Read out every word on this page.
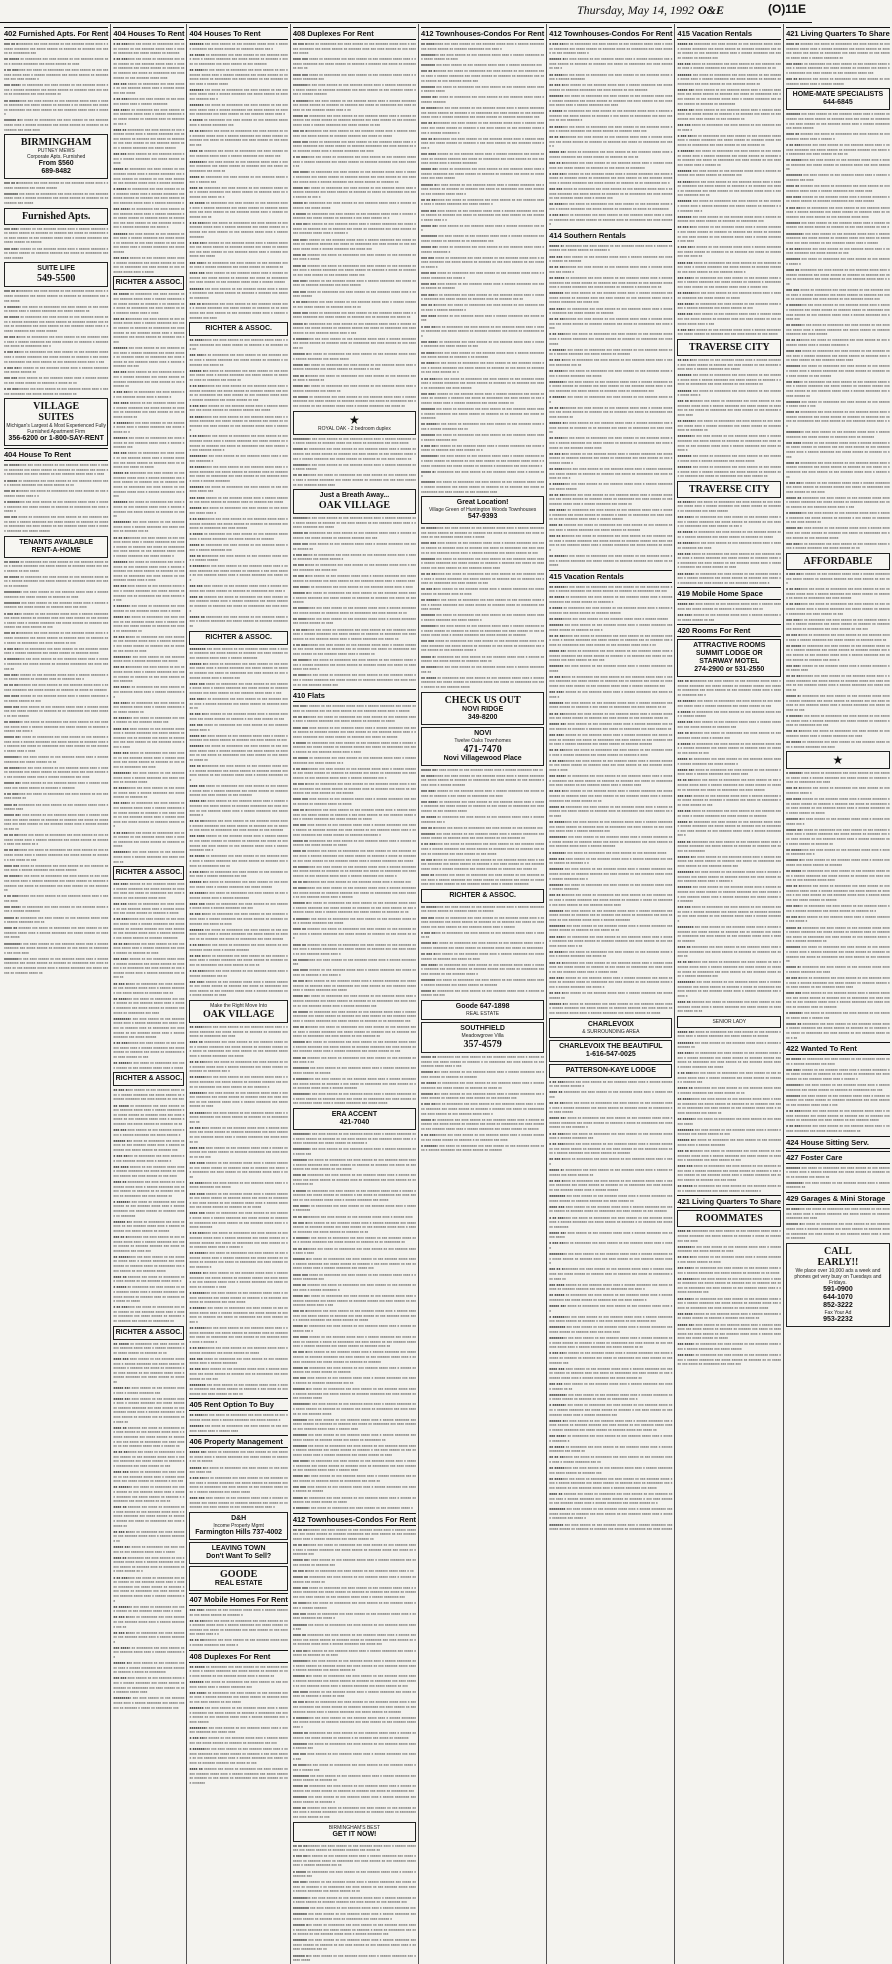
Thursday, May 14, 1992 O&E	(O)11E
402 Furnished Apts. For Rent
xxx xx xxxxxxxxx xxx xxxx xxxxxx xx xxx xxxxxxx xxxxx xxxx x xxxxxx xxxxxxxx xxx xxxxx xxxxxx xx xxxxxxx xx xxxxxxx xxx xxxxx xx xxxxxxxxx xxx
xx xxxxx xx xxxxxxxxx xxx xxxx xxxxxx xx xxx xxxxxxx xxxxx xxxx x xxxxxx xxxxxxxx xxx xxxxx xxxxxx xx xxxx
x xx xxxxxxx xxx xxxxx xx xxxxxxxxx xxx xxxx xxxxxx xx xxx xxxxxxx xxxxx xxxx x xxxxxx xxxxxxxx xxx xxxxx xxxxxx xx xxxxxxx xxx xxx xxxx xxxxxx x
xxx xxxxx xx xxxxxxxxx xxx xxxx xxxxxx xx xxx xxxxxxx xxxxx xxxx x xxxxxx xxxxxxxx xxx xxxxx xxxxxx xx xxxxxxx xxxx xxx xxxxx xx xxxxxxxxx xxx xxxx xxxxxx xx
xx xxxxxxxxx xxx xxxx xxxxxx xx xxx xxxxxxx xxxxx xxxx x xxxxxx xxxxxxxx xxx xxxxx xxxxxx xx xxxxxxx x xx xxxxxxx xxx xxxxx xx xxxxxxxxx xxx xxxx xxxxxx xx xxx xxxxxxx xxxxx xxxx x xxxxxx
xxxxxx xxx xxxxx xx xxxxxxxxx xxx xxxx xxxxxx xx xxx xxxxxxx xxxxx xxxx x xxxxxx xxxxxxxx xxx xxxxx xxxxxx xx xxxxxxx xx xxxxxxxxx xxx xxxx xxxx
BIRMINGHAM
PUTNEY MEWS
Corporate Apts. Furnished
From $560
689-8482
xxx xx xxxxxxxxx xxx xxxx xxxxxx xx xxx xxxxxxx xxxxx xxxx x xxxxxx xxxxxxxx xxx xxxxx xxxxxx
xxxxxxx xxx xxxxx xx xxxxxxxxx xxx xxxx xxxxxx xx xxx xxxxxxx xxxxx xxxx x xxxxxx xxxxxxxx xxx xxxxx xxxxxx xx xxxxxxx xx xx xxxxxxx xxx xxxxx
Furnished Apts.
xxx xxxx xxxxxx xx xxx xxxxxxx xxxxx xxxx x xxxxxx xxxxxxxx xxx xxxxx xxxxxx xx xxxxxxx xx xxxxxxx xxx xxxxx xx xxxxxxxxx xxx xxxx xxxxxx xx xxx xxxxxxx xxxxx xxxx x xxxxxx xxxxxxxx xxx xxxxx xxxxxx xx xxxxxx
xxx xxxx xxxxxx xx xxx xxxxxxx xxxxx xxxx x xxxxxx xxxxxxxx xxx xxxxx xxxxxx xx xxxxxxx xxxxxxx xxx xxxxx xx xxxxxxxxx xxx xxxx xxxxxx
SUITE LIFE
549-5500
xxx xx xxxxxxxxx xxx xxxx xxxxxx xx xxx xxxxxxx xxxxx xxxx x xxxxxx xxxxxxxx xxx xxxxx xxxxxx xx xxxxxxx xx xxxxxxxxx xxx xxxx xxxxx
x xxxxxxx xxx xxxxx xx xxxxxxxxx xxx xxxx xxxxxx xx xxx xxxxxxx xxxxx xxxx x xxxxxx xxxxxxxx xxx xxxxx xxxxxx xx
xx xxxxx xx xxxxxxxxx xxx xxxx xxxxxx xx xxx xxxxxxx xxxxx xxxx x xxxxxx xxxxxxxx xxx xxxxx xxxxxx xx xxxxxxx xxxxxx xxx xxxxx xx xxxxxxxxx xxx xxxx xxxxxx xx xxx xxxxxxx xxxxx xxxx x xxxxxx xxxxxxxx xxx xxxxx xxxxxx
xx xxx xxxxx xx xxxxxxxxx xxx xxxx xxxxxx xx xxx xxxxxxx xxxxx xxxx x xxxxxx xxxxxxxx xxx xxxxx xxxxxx xx xxxxxxx x xxxxxxx xxx xxxxx xx xxxxxxxxx xxx x
x xxx xxxxx xx xxxxxxxxx xxx xxxx xxxxxx xx xxx xxxxxxx xxxxx xxxx x xxxxxx xxxxxxxx xxx xxxxx xxxxxx xx xxxxxxx x xxx xxxxx xx xxxxxxxxx xxx xxxx xxxxxx xx xxx xxxxxxx xxxxx xxxx x xxx
x xxx xxxx xxxxxx xx xxx xxxxxxx xxxxx xxxx x xxxxxx xxxxxxxx xxx xxxxx xxxxxx xx
xxx xxx xxxx xxxxxx xx xxx xxxxxxx xxxxx xxxx x xxxxxx xxxxxxxx xxx xxxxx xxxxxx xx xxxxxxx x xxxxx xx xx
x xx xxxxxxxxx xxx xxxx xxxxxx xx xxx xxxxxxx xxxxx xxxx x xxxxxx xxxxxxxx xxx xxxxx xxxxxx xx xxxxxxx xx
VILLAGE
SUITES
Michigan's Largest & Most Experienced Fully Furnished Apartment Firm
356-6200 or 1-800-SAY-RENT
404 House To Rent
xx xxxxxxxxx xxx xxxx xxxxxx xx xxx xxxxxxx xxxxx xxxx x xxxxxx xxxxxxxx xxx xxxxx xxxxxx xx xxxxxxx xx xxxxxxx xxx xxxxx xx xxxxxxxxx xxx xxxx xxxxxx xx xxx xxxxxxx xxxxx xxxx x xxxx
x xxxxx xx xxxxxxxxx xxx xxxx xxxxxx xx xxx xxxxxxx xxxxx xxxx x xxxxxx xxxxxxxx xxx xxxxx xxxxxx xx xx
xxx xx xxxxxxx xxx xxxxx xx xxxxxxxxx xxx xxxx xxxxxx xx xxx xxxxxxx xxxxx xxxx x x
x xxxxxxxxx xxx xxxx xxxxxx xx xxx xxxxxxx xxxxx xxxx x xxxxxx xxxxxxxx xxx xxxxx xxxxxx xx xxxxxxx xx xxxxxxxxx xxx xxxx xxxxxx x
xxx xxx xxxxx xx xxxxxxxxx xxx xxxx xxxxxx xx xxx xxxxxxx xxxxx xxxx x xxxxxx xxxxxxxx xxx xxxxx xxxxxx xx xxxxxxx xx xxxxx xx xxxxxxxxx xxx xxxx xxxxxx xx xxx xxxxxxx xxxxx xxxx x xxxxxx xxxxxxxx xxx xxxxx xxxxxx
TENANTS AVAILABLE
RENT-A-HOME
xx xxxxx xx xxxxxxxxx xxx xxxx xxxxxx xx xxx xxxxxxx xxxxx xxxx x xxxxxx xxxxxxxx xxx xxxxx xxxxxx xx xxxxxxx xxxxx xxx xxxx xxxxxx xx xxx xxxxx
xx xxxxx xx xxxxxxxxx xxx xxxx xxxxxx xx xxx xxxxxxx xxxxx xxxx x xxxxxx xxxxxxxx xxx xxxxx xxxxxx xx xxxxxxx xxxxx xxx xxxxx xx xxxxxxxx
xxxxxxxxx xxx xxxx xxxxxx xx xxx xxxxxxx xxxxx xxxx x xxxxxx xxxxxxxx xxx xxxxx xxxxxx xx xxxxxxx xx xxxx
xxxxxxxx xxx xxxx xxxxxx xx xxx xxxxxxx xxxxx xxxx x xxxxxx xxxxxxxx xxx xxxxx xxxxxx xx xxxxxxx xxxx xxx xxxx
x xxx xxxx xxxxxx xx xxx xxxxxxx xxxxx xxxx x xxxxxx xxxxxxxx xxx xxxxx xxxxxx xx xxxxxxx xxxx xxx xxxx xxxxxx xx xxx xxxxxxx xxxxx xxxx x xxxxxx xxxxxxxx xxx xxxxx xxxxxx xx xxxxxxx xxxxxxxxx xxx xxxx xxxxxx xx xxx
xxx xx xxxxxxxxx xxx xxxx xxxxxx xx xxx xxxxxxx xxxxx xxxx x xxxxxx xxxxxxxx xxx xxxxx xxxxxx xx xxxxxxx xxxx xx xxxxxxx xxx xxxxx xx xxxxxxxxx xxx xxxx xxxxxx xx xxx
x xxx xxxxx xx xxxxxxxxx xxx xxxx xxxxxx xx xxx xxxxxxx xxxxx xxxx x xxxxxx xxxxxxxx xxx xxxxx xxxxxx xx xxxxxxx xxxxx
x xxxxxxxxx xxx xxxx xxxxxx xx xxx xxxxxxx xxxxx xxxx x xxxxxx xxxxxxxx xxx xxxxx xxxxxx xx xxxxxxx xxxxxxxxx xxx xxxx xxxxxx xx
xxx xxxx xxxxxx xx xxx xxxxxxx xxxxx xxxx x xxxxxx xxxxxxxx xxx xxxxx xxxxxx xx xxxxxxx xxxx xx xxxxxxx xxx x
xx xx xxxxxxxxx xxx xxxx xxxxxx xx xxx xxxxxxx xxxxx xxxx x xxxxxx xxxxxxxx xxx xxxxx xxxxxx xx xxxxxxx xx xxxxx xx xxxxxxx
xxx xxxx xxxxxx xx xxx xxxxxxx xxxxx xxxx x xxxxxx xxxxxxxx xxx xxxxx xxxxxx xx xxx
xxxx xxx xxxx xxxxxx xx xxx xxxxxxx xxxxx xxxx x xxxxxx xxxxxxxx xxx xxxxx xxxxxx xx xxxxxxx xx xx xxxxxxxxx xxx xxxx xxxxxx xx xxx xxxxxx
xx xxxxxxx xxx xxxxx xx xxxxxxxxx xxx xxxx xxxxxx xx xxx xxxxxxx xxxxx xxxx x xxxxxx xxxxxxxx xxx xxxxx xxxxxx xx xxxxxxx xxxxxxx xxx xxxx x
xxxxx xxx xxxxx xx xxxxxxxxx xxx xxxx xxxxxx xx xxx xxxxxxx xxxxx xxxx x xxxxxx xxxxxxxx xxx xxxxx xxxxxx xx xxxxxxx xxxx xx xxxxxxx xxx xxxxx xx xxxxxxxxx xxx xxxx xxxxxx xx xxx xxxxxxx xxxxx xxxx x xxxx
xxxxxxxxx xxx xxxx xxxxxx xx xxx xxxxxxx xxxxx xxxx x xxxxxx xxxxxxxx xxx xxxxx xxxxxx xx xx
xx xxxxxxxxx xxx xxxx xxxxxx xx xxx xxxxxxx xxxxx xxxx x xxxxxx xxxxxxxx xxx xxxxx xxxxxx xx xxxxxxx xxxx xxx xxxx xxxxxx xx xxx xxxxxxx xxxxx xxxx x xxxxxx xxxxxxxx xxx xxxx
xxxxx xxx xxxx xxxxxx xx xxx xxxxxxx xxxxx xxxx x xxxxxx xxxxxxxx xxx xxxxx xxxxxx xx xxxxxxx x xxxxxxx
x xx xxxxxxx xxx xxxxx xx xxxxxxxxx xxx xxxx xxxxxx xx xxx xxxxxxx xxxxx xx
xxxx xx xxxxxxxxx xxx xxxx xxxxxx xx xxx xxxxxxx xxxxx xxxx x xxxxxx xxxx
xxxxx xxx xxxx xxxxxx xx xxx xxxxxxx xxxxx xxxx x xxxxxx xxxxxxxx xxx xxxxx xxxxxx xx xxxxxxx xx xxxxxxx xxx xxxxx xx xxxxxxxxx xxx xxxx xxxxxx xx xxx xxxxxxx xxxxx xxxx x xxxxxx xxxxxxxx xxx xx
xx xx xxxxxxx xxx xxxxx xx xxxxxxxxx xxx xxxx xxxxxx xx xxx xxxxxxx xxxxx xxxx x xxxxxx xxxxxxxx xxx xxxxx xxxxxx xx xxxxxxx xxxx xxx xxxxx xx x
xx xx xxxxxxx xxx xxxxx xx xxxxxxxxx xxx xxxx xxxxxx xx xxx xxxxxxx xxxxx xxxx x xxxxxx xxxxxxxx xxx xxxxx xxxxxx xx xxxxxxx x xxx xxxxx xx xxx
xxxx xxx xxxxx xx xxxxxxxxx xxx xxxx xxxxxx xx xxx xxxxxxx xxxxx xxxx x xxxxxx xxxxxxxx xxx xxxxx xxxxxx
xx xxxxxxx xxx xxxxx xx xxxxxxxxx xxx xxxx xxxxxx xx xxx xxxxxxx xxxxx xxxx x xxxxxx xxxxxxxx xxx xxxxx xxxxxx xx xxxxxxx x xxxxxxx xxx xxxxx xx xxxxxxxxx xxx xxxx xxxxxx xx xxx xxxxxxx xx
x xx xxxxxxxxx xxx xxxx xxxxxx xx xxx xxxxxxx xxxxx xxxx x xxxxxx xxxx
xxx xxxxx xx xxxxxxxxx xxx xxxx xxxxxx xx xxx xxxxxxx xxxxx xxxx x xxxxxx xxxxxxxx
xxxxx xx xxxxxxxxx xxx xxxx xxxxxx xx xxx xxxxxxx xxxxx xxxx x xxxxxx xxxxxxxx xxx xx
xxxx xx xxxxxxx xxx xxxxx xx xxxxxxxxx xxx xxxx xxxxxx xx xxx xxxxxxx xxxxx xxxx x xxxxxx xxxxxxxx xxx xxxxx xxxxxx xx xxxxxxx xxxxx
xxxxxxxxx xxx xxxx xxxxxx xx xxx xxxxxxx xxxxx xxxx x xxxxxx xxxxxxxx xxx xxxxx xxxxxx xx xxxxxxx xx xxx xxxxx xx xxxxxxxxx xxx xxxx xxxx
xxxxxxxxx xxx xxxx xxxxxx xx xxx xxxxxxx xxxxx xxxx x xxxxxx xxxxxxxx xxx xxxxx xxxxxx xx xxxxxxx xx xxxxxxxxx xxx xxxx xxxxxx xx xxx xxxxxxx xxxxx xxxx x xxxxxx xxxxxxxx xxx xxxxx xxxxxx xx xxxxxxx xxxxx xx
404 Houses To Rent
x xx xxxxxxx xxx xxxxx xx xxxxxxxxx xxx xxxx xxxxxx xx xxx xxxxxxx xxxxx xxxx x xxxxxx xxxxxxxx xxx xxxxx xxxxxx xx xxxxxxx
x xx xxxxxxx xxx xxxxx xx xxxxxxxxx xxx xxxx xxxxxx xx xxx xxxxxxx xxxxx xxxx x xxxxxx xxxxxxxx xxx xxxxx xxxxxx xx xxxxxxx xx xx xxxxxxx xxx xxxxx xx xxxxxxxxx xxx xxxx xxxxxx xx xxx xxxxxxx xxxxx xxxx
xxx xxx xxxxx xx xxxxxxxxx xxx xxxx xxxxxx xx xxx xxxxxxx xxxxx xxxx x xxxxxx xxxxxxxx xxx xxxxx
x xx xxxxxxxxx xxx xxxx xxxxxx xx xxx xxxxxxx xxxxx xxxx x xxxxxx xxxxxxxx
xxx xxxxx xx xxxxxxxxx xxx xxxx xxxxxx xx xxx xxxxxxx xxxxx xxxx x xxxxxx xxxxxxxx xxx xxxxx xxxxxx xx xxxxxxx xxxx xx xxxxxxxxx xxx x
xxxx xx xxxxxxxxx xxx xxxx xxxxxx xx xxx xxxxxxx xxxxx xxxx x xxxxxx xxxxxxxx xxx xxxxx xxxxxx xx xxxxxxx xxx xxxxx xx xxxxxxxxx xxx xxxx xxxxxx xx xxx xxxxxxx xxxxx xxxx x xxxxxx xxxxxxxx xxx xxxxx xxxxxx
xxx xxx xxxx xxxxxx xx xxx xxxxxxx xxxxx xxxx x xxxxxx xxxxxxxx xxx xxxxx xxxxxx xx xxxx
xxxxx xx xxxxxxxxx xxx xxxx xxxxxx xx xxx xxxxxxx xxxxx xxxx x xxxxxx xxxxxxxx xxx xxxxx xxxxxx xx xxxxxxx xx xxx xxxx xxxxxx xx xxx xxxxxxx xxxxx xxxx x xxxxxx xxxxxxx
x xxxxx xx xxxxxxxxx xxx xxxx xxxxxx xx xxx xxxxxxx xxxxx xxxx x xxxxxx xxxxxxxx xxx xxxxx xxxxxx xx xxxxxxx xxx xxxx xxxxxx xx xxx xxxxxxx xxxxx xxxx x xxxxxx xxxxxxxx x
xxx xxxxx xx xxxxxxxxx xxx xxxx xxxxxx xx xxx xxxxxxx xxxxx xxxx x xxxxxx xxxxxxxx xxx xxxxx xxxxxx xx xxxxxxx xxxxx xx xxxxxxxxx xxx xxxx xxxxxx xx xxx xxxxxxx xxxxx xxxx x xxxxxx xxxxxxxx xxx xxxxx x
xxxxxxx xxx xxxx xxxxxx xx xxx xxxxxxx xxxxx xxxx x xxxxxx xxxxxxxx xxx xxxxx xxxxxx xx xxxxxxx xx xxx xxxx xxxxxx xx xxx xxxxxxx xxxxx xxxx x xxxxxx xxxxxxxx xxx xxxxx xxxxxx
xxx xxxx xxxxxx xx xxx xxxxxxx xxxxx xxxx x xxxxxx xxxxxxxx xxx xxxxx xxxxxx xx xxxxxxx xx xxxxxxxxx xxx xxxx xxxxxx xx xxx xxxxxxx xxxxx xxxx x xxxxx
RICHTER & ASSOC.
xx xxxxx xx xxxxxxxxx xxx xxxx xxxxxx xx xxx xxxxxxx xxxxx xxxx x xxxxxx xxxxxxxx xxx xxxxx xxxxxx xx xxxxxxx x xx xxxxxxx xxx xxxxx xx xxxxxxxxx xxx xxxx xxxxxx xx xxx xxxxxxx xxxxx xxxx x xxxx
xxx xx xxxxxxxxx xxx xxxx xxxxxx xx xxx xxxxxxx xxxxx xxxx x xxxxxx xxxxxxxx xxx xxxxx xxxxxx xx xxxxxxx xx xxxxxxxxx xxx xxxx xxxxxx xx xxx xxxxxxx xxxxx xxxx x xxxxxx xxxxxxxx xxx xxxxx xxxxxx xx xxxxxxx xxx xxxx
xxxxxxx xxx xxxx xxxxxx xx xxx xxxxxxx xxxxx xxxx x xxxxxx xxxxxxxx xxx xxxxx xxxxxx xx xxxxxxx xxxxx xx xxxxxxxxx xxx xxxx xxxxxx xx xxx xxxxxxx xxxxx xxxx x xxxxxx xxxxxxxx xxx xxx
xxx xxx xxxx xxxxxx xx xxx xxxxxxx xxxxx xxxx x xxxxxx xxxxxxxx xxx xxxxx xxxxxx xx xxxxxxx xxxxxxxxx xxx xxxx xxxxxx xx xxx xxxxxxx xx
x xxx xxxxx xx xxxxxxxxx xxx xxxx xxxxxx xx xxx xxxxxxx xxxxx xxxx x xxxxxx x
xxx xxxx xxxxxx xx xxx xxxxxxx xxxxx xxxx x xxxxxx xxxxxxxx xxx xxxxx xxxxxx xx xxxxxxx xx xxxxxxxxx xxx xxxx xxxxxx xx xxx xxxxxxx xxxxx xx
x xxxxxxxxx xxx xxxx xxxxxx xx xxx xxxxxxx xxxxx xxxx x xxxxxx xxxxxxxx xxx xxxxx xxxxxx xx x
xxxxxxx xxx xxxxx xx xxxxxxxxx xxx xxxx xxxxxx xx xxx xxxxxxx xxxxx xxxx x xxxxxx xxxxxxxx xxx
xxx xxx xxxxx xx xxxxxxxxx xxx xxxx xxxxxx xx xxx xxxxxxx xxxxx xxxx x xxxxxx xxxxxxxx xxx xxxxx xxxxxx xx xxxxxxx xxxx xx xxxxxxx xxx xxxxx xx xxxxx
xxxxx xx xxxxxxxxx xxx xxxx xxxxxx xx xxx xxxxxxx xxxxx xxxx x xxxxxx xxxxxxxx xxx xxxxx xxxxxx xx xxxxxxx xxx xx xxxxxxx xxx xxxxx xx xxxxxxxxx xxx xxxx xxxxxx xx xxx xxxxxxx xxxxx xxxx x xxxxxx xxxxxxxx xxx xxxx
xxxxxxx xxx xxxxx xx xxxxxxxxx xxx xxxx xxxxxx xx xxx xxxxxxx xxxxx xxxx x xxxxxx xxxxxxxx xxx xxxxx xxxxxx xx xxxxxxx xx xxxxx
xxxxxxxxx xxx xxxx xxxxxx xx xxx xxxxxxx xxxxx xxxx x xxxxxx xxxxxxxx xxx xxxxx xxxxxx xx xxxxxxx xxx xx
xx xx xxxxxxxxx xxx xxxx xxxxxx xx xxx xxxxxxx xxxxx xxxx x xxxxxx xxxxxxxx xxx xxxxx xxxxxx xx xxxxxxx xxx xxxxx xx xxxxxxxxx xxx xxxx xxxxxx xx xxx xxxxxxx xxxxx xxxx x xxxxxx xxxxxxxx xxx xxxxx xxxxxx x
xxxxxxx xxx xxxxx xx xxxxxxxxx xxx xxxx xxxxxx xx xxx xxxxxxx xxxxx xxxx x xxxxxx xxxxxxxx xxx xxxxx xxxxxx xx xxxxxxx xx xxx xxxxx xx xxxxxxxxx xxx xxxx xxxxxx xx xxx xxxxxxx xxxxx xxxx x xxxx
xxx xxx xxxx xxxxxx xx xxx xxxxxxx xxxxx xxxx x xxxxxx xxxxxxxx xxx xxxxx xxxxxx xx xxxxxxx xxx xx xxxxxxxxx xxx xxxx xxxxxx xx xxx
x xxxxxxx xxx xxxxx xx xxxxxxxxx xxx xxxx xxxxxx xx xxx xxxxxxx xxxxx xxxx x xxxxx
xxxxx xxx xxxxx xx xxxxxxxxx xxx xxxx xxxxxx xx xxx xxxxxxx xxxxx xxxx x xxxxxx xxxxxxxx xxx xxxxx xxxxxx xx xxxxxxx xxx xxxxx xx xxxxxxxxx xx
xx xxx xxxxx xx xxxxxxxxx xxx xxxx xxxxxx xx xxx xxxxxxx xxxxx xxxx x xxxxxx xxxxxxxx xxx xxxxx xxxxxx xx xxxxxxx xxx xx xxxxxxx xxx xxxxx xx xxxx
xxxxxxxxx xxx xxxx xxxxxx xx xxx xxxxxxx xxxxx xxxx x xxxxxx xxxxxxxx xxx xxxxx
xxx xx xxxxxxxxx xxx xxxx xxxxxx xx xxx xxxxxxx xxxxx xxxx x xxxxxx xxxxxxxx xxx xxxxx xxxxxx xx xxxxxxx xx xxx xxxx xxxxxx xx xxx xxxxxxx
xxx xxxxx xx xxxxxxxxx xxx xxxx xxxxxx xx xxx xxxxxxx xxxxx xxxx x xxxxxx xxxxxxxx xx
xxx xxxxx xx xxxxxxxxx xxx xxxx xxxxxx xx xxx xxxxxxx xxxxx xxxx x xxxxxx xxxxxxxx xxx xxxxx xxxxxx xx
xx xxxxxxx xxx xxxxx xx xxxxxxxxx xxx xxxx xxxxxx xx xxx xxxxxxx xxxxx xxx
xxxx xxx xxxx xxxxxx xx xxx xxxxxxx xxxxx xxxx x xxxxxx xxxxxxxx xxx xxxxx xxxxxx xx xxxxxxx xxx xx xxxxxxx xxx xxxxx xx xxxxxxxxx xxx xxxx xxxxxx xx xxx xxxxxxx xxxxx xxxx x xxxx
xxxx xxx xxxxx xx xxxxxxxxx xxx xxxx xxxxxx xx xxx xxxxxxx xxxxx xxxx x xxxxxx xxxxxxxx xxx xxxxx xxxxxx xx xxxxxxx xx xxx xxxxx xx xxxxxxxxx xxx xxxx
xxxxxxxxx xxx xxxx xxxxxx xx xxx xxxxxxx xxxxx xxxx x xxxxxx xxxxxxxx xxx xxxxx xxxxxx xx xxxxxxx xxxxx
xx xxxxxxxxx xxx xxxx xxxxxx xx xxx xxxxxxx xxxxx xxxx x xxxxxx xxxxxxxx xxx xxxxx xxxxxx xx xxxxxxx xx
xxx xxxxx xx xxxxxxxxx xxx xxxx xxxxxx xx xxx xxxxxxx xxxxx xxxx x xxxxxx xxxxxxxx xxx xxxxx xxxxxx xx xxxxxxx x xxx xxxx xxxxxx xx xxx xxxxxxx xxxxx xxxx x xxxxxx xxxxxxxx xxx xxxxx xxxxxx xx xxxxxxx xxxxxx xxx
x xx xxxxxxx xxx xxxxx xx xxxxxxxxx xxx xxxx xxxxxx xx xxx xxxxxxx xxxxx xxxx x xxxxxx xxxxxxxx xxx xxxxx xxxxxx xx xxxxxxx xxxxxxx
xxxxxxxxx xxx xxxx xxxxxx xx xxx xxxxxxx xxxxx xxxx x xxxxxx xxxxxxxx xxx xxxxx xxxxxx xx
RICHTER & ASSOC.
xxx xxxx xxxxxx xx xxx xxxxxxx xxxxx xxxx x xxxxxx xxxxxxxx xxx xxxxx xxxxxx xx xxxxxxx xxxx xxx xxxxx xx xxxxxxxxx xxx xxxx xxxxxx xx xxx xxxxxxx xxxxx xxxx
xxx xxx xxxxx xx xxxxxxxxx xxx xxxx xxxxxx xx xxx xxxxxxx xxxxx xxxx x xxxxxx xxxxxxxx xxx xxxxx xxxxxx xx xxxxxxx x xxxxx
x xx xxxxxxxxx xxx xxxx xxxxxx xx xxx xxxxxxx xxxxx xxxx x xxxxxx xxxxxxxx xxx xxxxx xxxxxx xx xxxxxxx xxxxxxx xxx xxxx xxxxxx xx xxx xxxxxxx xxxxx xxxx x xxxxxx xxxxxxxx xxx xxxxx xxxxxx xx xxxxxxx xxxxxxxx
xx xx xxxxxxxxx xxx xxxx xxxxxx xx xxx xxxxxxx xxxxx xxxx x xxxxxx xxxxxxxx xxx xxxxx xxxxxx xx xxxxxxx xx xxxx
xxx xxxx xxxxxx xx xxx xxxxxxx xxxxx xxxx x xxxxxx xxxxxxxx xxx xxxxx xxxxxx xx xxxxxxx x xx xxxxxxxxx xxx xxxx xxxxxx xx xxx xxxxxxx xxxxx xxxx x xxxxxx xxxxxxxx xxx xxxxx xx
xx xxx xxxxx xx xxxxxxxxx xxx xxxx xxxxxx xx xxx xxxxxxx xxxxx xxxx x xxxxxx xxxxxxxx xxx xxxxx xxxxxx xx xxxxxxx xxx xx
xx xxxxxxx xxx xxxxx xx xxxxxxxxx xxx xxxx xxxxxx xx xxx xxxxxxx xxxxx xxxx x xxxxxx xxxxxxxx xxx xxxxx xxxxxx xx xxxxxxx xxx xxxxx xx xxxxxxxxx xxx xxxx
xxxxxxxxx xxx xxxx xxxxxx xx xxx xxxxxxx xxxxx xxxx x xxxxxx xxxxxxxx xxx xxxxx xxxxxx xx xxxxxxx xxxx xx xxxxxxxxx xxx xxxx xxxxxx xx xxx xxxxxxx xxxxx xxxx x xxxxxx xxxxxxxx xxx xxxxx xxxxxx
x xx xxxxxxxxx xxx xxxx xxxxxx xx xxx xxxxxxx xxxxx xxxx x xxxxxx xxxxxxxx xxx xxxxx xxxxxx xx xxxxxxx xxx xxxxx xx xxxxxxxxx xxx xxxx xxxxxx xx xxx
xx xxxxxxx xxx xxxxx xx xxxxxxxxx xxx xxxx xxxxxx xx xxx xxxxxxx xxxxx xxxx x xxxxx
RICHTER & ASSOC.
xx xxx xxxx xxxxxx xx xxx xxxxxxx xxxxx xxxx x xxxxxx xxxxxxxx xxx xxxxx xxxxxx xx xxxxxxx xxxxxxxx xxx xxxx xxxxxx xx xxx xxx
xx xxxxx xx xxxxxxxxx xxx xxxx xxxxxx xx xxx xxxxxxx xxxxx xxxx x xxxxxx xxxxxxxx xxx xxxxx xxxxxx xx xxxxxxx xxxx xxx xxxx xxxxxx xx xxx xxxxxxx xxxxx xxxx x xxxxxx xxxxxxxx xxx xxxxx xxxxxx xx xxxxxxx xx xx
xxx xxx xxxx xxxxxx xx xxx xxxxxxx xxxxx xxxx x xxxxxx xxxxxxxx xxx xxxxx xxxxxx x
xxxxxx xxx xxxxx xx xxxxxxxxx xxx xxxx xxxxxx xx xxx xxxxxxx xxxxx xxxx x xxxxxx xxxxxxxx xxx xxxxx xxxxxx xx xxxxxxx xxx
x xxx xxxxx xx xxxxxxxxx xxx xxxx xxxxxx xx xxx xxxxxxx xxxxx xxxx x xxxxxx x
xxx xxxx xxxxxx xx xxx xxxxxxx xxxxx xxxx x xxxxxx xxxxxxxx xxx xxxxx xxxxxx xx xxxxxxx xxxxxx xxx xxxx xxxxxx xx xxx xxxx
xxxx xx xxxxxxxxx xxx xxxx xxxxxx xx xxx xxxxxxx xxxxx xxxx x xxxxxx xxxxxxxx xxx xxxxx xxxxxx xx xxxxxxx xx xx xxxxxxx xxx xxxxx xx xxxxxxxxx xxx xxxx xxxxxx xx
x xxxxxxx xxx xxxxx xx xxxxxxxxx xxx xxxx xxxxxx xx xxx xxxxxxx xxxxx xxxx x xxxxxx xxxxxxxx xxx xxxxx xxxxxx xx xxxxxxx xxxxx xx xxxxxxxx
xxxxxx xxx xxxxx xx xxxxxxxxx xxx xxxx xxxxxx xx xxx xxxxxxx xxxxx xxxx x xxxxxx xxxxxxxx xxx xxxxx xxxxxx xx xxxxxx
xxx xx xxxxxxxxx xxx xxxx xxxxxx xx xxx xxxxxxx xxxxx xxxx x xxxxxx xxxxxxxx xxx xxxxx xxxxxx xx xxxxxxx xxxxxxx xxx xxxxx xx xxxxxxxxx xxx xxxx xxx
xx xxxxxxxxx xxx xxxx xxxxxx xx xxx xxxxxxx xxxxx xxxx x xxxxxx xxxxxxxx xxx xxxxx xxxxxx xx xxxxxxx xxxxx xx xxxxxxxxx xxx xxxx xxxxxx xx xxx xxxxxxx xxxxx
xxxx xx xxxxxxx xxx xxxxx xx xxxxxxxxx xxx xxxx xxxxxx xx xxx xxxxxxx xxxxx xxxx x
x xxxxx xx xxxxxxxxx xxx xxxx xxxxxx xx xxx xxxxxxx xxxxx xxxx x xxxxxx xxxxxxxx xxx xxxxx xxxxxx xx xxxxxxx xxxx xx xxxxxxx xxx xxxxx xx xxxxx
x xx xxxxxxx xxx xxxxx xx xxxxxxxxx xxx xxxx xxxxxx xx xxx xxxxxxx xxxxx xxxx x xxxxxx xxxxxxxx xxx xxxxx xxxxxx xx xxxxxxx x xx xxxxxxx xxx xxxxx xx xxxxxxxxx xx
RICHTER & ASSOC.
xx xxxxx xx xxxxxxxxx xxx xxxx xxxxxx xx xxx xxxxxxx xxxxx xxxx x xxxxxx xxxxxxxx xxx xxxxx xxxxxx xx xxxxxxx xx xx
xxxx xxx xxxx xxxxxx xx xxx xxxxxxx xxxxx xxxx x xxxxxx xxxxxxxx xxx xxxxx xxxxxx xx xxxxxxx x xxxxxxx xxx xxxxx xx xxxxxxxxx xxx xxxx xxxxxx xx xxx xxxxxxx xxxxx xxxx x xxxxxx xxxxxxxx xxx xxxxx xxxxxx xx xxxxxxx
xxxxx xxx xxxx xxxxxx xx xxx xxxxxxx xxxxx xxxx x xxxxxx xxxxxxxx xxx
xxxxx xxx xxxx xxxxxx xx xxx xxxxxxx xxxxx xxxx x xxxxxx xxxxxxxx xxx xxxxx xxxxxx xx xxxxxxx xxxxxxxx xxx xxxx xxxxxx xx xxx xxxxxxx xxxxx xxxx x xxxxxx xxxxxxxx xxx xxxxx xxxxxx xx xxxxxxx xxx xx xxxxxxxxx xxx xxxx xx
xxxx xx xxxxxxx xxx xxxxx xx xxxxxxxxx xxx xxxx xxxxxx xx xxx xxxxxxx xxxxx xxxx x xxxxxx xxxxxxxx xxx xxxxx xxxxxx xx xxxxxxx xxx xxx xxxxx xx xxxxxxxxx xxx xxxx xxxxxx xx xxx xxxxxxx xxxxx xxxx x xxxxxx xx
xx xx xxxxxxx xxx xxxxx xx xxxxxxxxx xxx xxxx xxxxxx xx xxx xxxxxxx xxxxx xxxx x xxxxxx xxxxxxxx xxx xxxxx xxxxxx xx xxxxxxx xx xxxxxxxxx xxx xxxx xxxxxx xx xxx
xxxx xxx xxxxx xx xxxxxxxxx xxx xxxx xxxxxx xx xxx xxxxxxx xxxxx xxxx x xxxxxx xxxxxxxx xxx xxxxx xxxxxx xx xxxxxxx x xxx xxx
xx xxxxxxx xxx xxxxx xx xxxxxxxxx xxx xxxx xxxxxx xx xxx xxxxxxx xxxxx xxxx x xxxxxx xxxxxxxx xxx xxxxx xxxxxx xx xxxxxxx x xxxxxxxxx xxx xxxx xxxxxx xx xxx xx
xxxx xx xxxxxxx xxx xxxxx xx xxxxxxxxx xxx xxxx xxxxxx xx xxx xxxxxxx xxxxx xxxx x xxxxxx xxxxxxxx xxx xxxxx xxxxxx xx xxxxxxx xxxxxx xxx xxxxx xx xxxxxxxxx xxx xxxx xxxxxx xx
xx xxx xxxxx xx xxxxxxxxx xxx xxxx xxxxxx xx xxx xxxxxxx xxxxx xxxx x xxxxxx xxxxxxxx xx
xxxxx xxx xxxxx xx xxxxxxxxx xxx xxxx xxxxxx xx xxx xxxxxxx xxxxx xxxx x xxxxx
xxxx xx xxxxxxxxx xxx xxxx xxxxxx xx xxx xxxxxxx xxxxx xxxx x xxxxxx xxxxxxxx xxx xxxxx xxxxxx xx xxxxxxx xxxx xx xxxxxxxxx xxx xxxx xxxxxx xx x
x xx xxxxxxx xxx xxxxx xx xxxxxxxxx xxx xxxx xxxxxx xx xxx xxxxxxx xxxxx xxxx x xxxxxx xxxxxxxx xxx xxxxx xxxxxx xx xxxxxxx x xxx xxxxx xx xxxxxxxxx xxx xxxx xxxxxx xx xxx xxxxxxx xxxxx xxxx x xxxxxx xxxxxxxx xx
xx xxxxxxx xxx xxxxx xx xxxxxxxxx xxx xxxx xxxxxx xx xxx xxxxxxx xxxxx xxxx x xxxx
xx xxx xxxxx xx xxxxxxxxx xxx xxxx xxxxxx xx xxx xxxxxxx xxxxx xxxx x xxxxxx xxxxxxxx xxx xx
xx xxx xxxxx xx xxxxxxxxx xxx xxxx xxxxxx xx xxx xxxxxxx xxxxx xxxx x xxxxxx xxxxxxxx
xxx xxxxx xx xxxxxxxxx xxx xxxx xxxxxx xx xxx xxxxxxx xxxxx xxxx x xxxxxx xxxxxxxx xx
xxxxxx xxx xxxx xxxxxx xx xxx xxxxxxx xxxxx xxxx x xxxxxx xxxxxxxx xxx xxxxx xxxxxx xx xxxxxxx x xxxxx xx xxxxxxxxx
xxx xxx xxxx xxxxxx xx xxx xxxxxxx xxxxx xxxx x xxxxxx xxxxxxxx xxx xxxxx xxxxxx xx xxxxxxx xx xxxxxxxxx xxx xxxx xxxxxx xx xxx xxxxxxx xxxxx xxxx
xxxxxxxxx xxx xxxx xxxxxx xx xxx xxxxxxx xxxxx xxxx x xxxxxx xxxxxxxx xxx xxxxx xxxxxx xx xxxxxxx x xxxxx xx xxxxxxxxx xxx
404 Houses To Rent
xxxxxxx xxx xxxx xxxxxx xx xxx xxxxxxx xxxxx xxxx x xxxxxx xxxxxxxx xxx xxxxx xxxxxx xx xxxxxxx xxxxx xxx x
xx xxxxx xx xxxxxxxxx xxx xxxx xxxxxx xx xxx xxxxxxx xxxxx xxxx x xxxxxx xxxxxxxx xxx xxxxx xxxxxx xx xxxxxxx x xxxxx xx xxxxxxxxx xxx xxxx xxxxxx xx xxx xxxxxxx
xx xxxxxxx xxx xxxxx xx xxxxxxxxx xxx xxxx xxxxxx xx xxx xxxxxxx xxxxx xxxx x xxxxxx xxxxxxxx xxx xxxxx xxxxxx xx xxxxxxx xxxxx xx xxxxxxxxx xxx xxxx xxxxxx xx xxx xxxxxxx xxxxx xxxx x xxxxxx xxxxx
xxxxxxx xxx xxxxx xx xxxxxxxxx xxx xxxx xxxxxx xx xxx xxxxxxx xxxxx xxxx x xxxxxx xxxxxxxx xxx xxxxx xxxxxx xx xxxxxxx xxxxxxx xxx x
xxxxxxx xxx xxxxx xx xxxxxxxxx xxx xxxx xxxxxx xx xxx xxxxxxx xxxxx xxxx x xxxxxx xxxxxxxx xxx xxxxx xxxxxx xx xxxxxxx xxxxxxxxx xxx xxxx xxxxxx xx xxx xxxxxxx xxxxx xxxx x
x xxxxx xx xxxxxxxxx xxx xxxx xxxxxx xx xxx xxxxxxx xxxxx xxxx x xxxxxx xxxxxxxx xxx
xx xx xxxxxxx xxx xxxxx xx xxxxxxxxx xxx xxxx xxxxxx xx xxx xxxxxxx xxxxx xxxx x xxxxxx xxxxxxxx xxx xxxxx xxxxxx xx xxxxxxx xxx xxxxx xx xxxxxxxxx xxx xxxx xxxxxx xx xxx xxxxxxx xxx
xxxx xx xxxxxxx xxx xxxxx xx xxxxxxxxx xxx xxxx xxxxxx xx xxx xxxxxxx xxxxx xxxx x xxxxxx xxxxxxxx xxx xxxxx xxx
xxxxxxxxx xxx xxxx xxxxxx xx xxx xxxxxxx xxxxx xxxx x xxxxxx xxxxxxxx xxx xxxxx xxxxxx xx xxxxxxx xxx xxx xxxxx xx xxxxxxxxx xxx xxxx xx
xxxxx xx xxxxxxxxx xxx xxxx xxxxxx xx xxx xxxxxxx xxxxx xxxx x xxxxxx xxx
xxxx xx xxxxxxxxx xxx xxxx xxxxxx xx xxx xxxxxxx xxxxx xxxx x xxxxxx xxxxxxxx xxx xxxxx xxxxxx xx xxxxxxx xxxx xx xxxxxxx xxx xxxxx xx x
xx xxxxx xx xxxxxxxxx xxx xxxx xxxxxx xx xxx xxxxxxx xxxxx xxxx x xxxxxx xxxxxxxx xxx xxxxx xxxxxx xx xxxxxxx xxxxxxxxx xxx xxxx xxxxxx xx xxx xxxxxxx xxxxx xxxx x xxxxxx xxxxxxxx xxx xx
x xx xxxxxxx xxx xxxxx xx xxxxxxxxx xxx xxxx xxxxxx xx xxx xxxxxxx xxxxx xxxx x xxxxxx xxxxxxxx xxx xxxxx xxxxxx xx xxxxxxx xxx xxxx xxxxxx xx xxx xxxxxxx xxxxx xxxx x xxxxxx xxxxxxxx
x xxx xxxx xxxxxx xx xxx xxxxxxx xxxxx xxxx x xxxxxx xxxxxxxx xxx xxxxx xxxxxx xx xxxxxxx xxxxxx xxx xxxxx xx xxxxxxxxx xxx xxxx xxxxxx xx xxx xxxxxxx xxxxx xxxx x xxxxxx xxxxxxxx xxx xxxxx
xxx xxxxx xx xxxxxxxxx xxx xxxx xxxxxx xx xxx xxxxxxx xxxxx xxxx x xxxxxx xxxxxxxx xxx xxxxx xxxxxx xx xxxxxxx xx
xxxx xxx xxxx xxxxxx xx xxx xxxxxxx xxxxx xxxx x xxxxxx xxxxxxxx xxx xxxxx xxxxxx xx xxxxxxx xxx xxxxx xx xxxxxxxxx xxx xxxx xxxxxx xx xxx xxxxxxx xxxxx xxxx x xxxxxx xxxxxx
xxxxxxx xxx xxxx xxxxxx xx xxx xxxxxxx xxxxx xxxx x xxxxxx xxxxxxxx xxx xxxxx xxxxxx xx xxxxxxx x xxxxxxx xxx xxxxx xx xxxxxxxx
xxx xx xxxxxxxxx xxx xxxx xxxxxx xx xxx xxxxxxx xxxxx xxxx x xxxxxx xxxxxxxx xxx xxxxx xxxxxx xx xxxxxxx xx xx xxxxxxxxx xxx xxxx xxxxxx xx xxx xxxxxxx xxxxx xxxx x xxxxxx xxxxxxxx xxx xxxx
RICHTER & ASSOC.
xx xxxxxxxxx xxx xxxx xxxxxx xx xxx xxxxxxx xxxxx xxxx x xxxxxx xxxxxxxx xxx xxxxx xxxxxx xx xxxxxxx x xx xxxxxxx xxx xx
xxx xxxxx xx xxxxxxxxx xxx xxxx xxxxxx xx xxx xxxxxxx xxxxx xxxx x xxxxxx xxxxxxxx xxx xxxxx xxxxxx xx xxxxxxx x xx xxxxxxx xxx xxxxx xx
xxxxxx xxx xxxxx xx xxxxxxxxx xxx xxxx xxxxxx xx xxx xxxxxxx xxxxx xxxx x xxxxxx xxxxxxxx xxx xxxxx xxxxxx xx xxxxxxx xxxx xx xxxxxxx xxx xxxxx xx
x xx xxxxxxxxx xxx xxxx xxxxxx xx xxx xxxxxxx xxxxx xxxx x xxxxxx xxxxxxxx xxx xxxxx xxxxxx xx xxxxxxx xxxxxx xxx xxxxx xx xxxxxxxxx xxx xxxx xxxxxx xx xxx xxxxxxx xxxxx xxxx x xxxxxx xxxxxxxx xxx xxxxx xxxxxx xx xxx
x xxx xxxx xxxxxx xx xxx xxxxxxx xxxxx xxxx x xxxxxx xxxxxxxx xxx xxxxx xxxxxx xx xxxxxxx xxxxxx xxx xxxxx
xx xxxxxxxxx xxx xxxx xxxxxx xx xxx xxxxxxx xxxxx xxxx x xxxxxx xxxxxxxx xxx xxxxx xxxxxx xx xxxxxxx xxx xxxxx xx xxxxxxxxx xxx xxxx xxxxxx xx xxx xxxxxxx xxxxx xxxx x xxxxxx x
x xx xxxxxxx xxx xxxxx xx xxxxxxxxx xxx xxxx xxxxxx xx xxx xxxxxxx xxxxx xxxx x xxxxxx xxxxxxxx xxx xxxxx xxxxxx xx xxxxxxx xx xxxxxxx xxx xxxxx xx xxxxxxxxx xxx xxxx xxxxxx xx xxx xxxxxxx xxxxx x
xxxxxxxxx xxx xxxx xxxxxx xx xxx xxxxxxx xxxxx xxxx x xxxxxx xxxxxxxx x
xx xxxxxxxxx xxx xxxx xxxxxx xx xxx xxxxxxx xxxxx xxxx x xxxxxx xxxxxxxx xxx xxxxx xxxxxx xx xxxxxxx xxxx xx xxxxxxx xxx xxxxx xx xxxxxxxxx xxx xxxx xxxxxx xx xxx xxxxxxx xxxxx xxxx x xxxxxx xxxxxxxx
xxxxxxx xxx xxxxx xx xxxxxxxxx xxx xxxx xxxxxx xx xxx xxxxxxx xxxxx xxx
xxx xxxx xxxxxx xx xxx xxxxxxx xxxxx xxxx x xxxxxx xxxxxxxx xxx xxxxx xxxxxx xx xxxxxxx xxxx xx xxxxxxx xxx xxxxx
xxxxxx xxx xxxxx xx xxxxxxxxx xxx xxxx xxxxxx xx xxx xxxxxxx xxxxx xxxx x
x xx xxxxxxxxx xxx xxxx xxxxxx xx xxx xxxxxxx xxxxx xxxx x xxxxxx xxxxxxxx xxx xxxxx xxxxxx xx xxxxxxx xx xxxxxxx xxx xxxxx xx xxxxxxxxx xxx xxxx xxxxxx
x xxxxx xx xxxxxxxxx xxx xxxx xxxxxx xx xxx xxxxxxx xxxxx xxxx x xxxxxx xxxxxxxx xxx xxxxx xxxxxx xx xxxxxxx
xxxxx xx xxxxxxxxx xxx xxxx xxxxxx xx xxx xxxxxxx xxxxx xxxx x xxxxxx xxxxxxxx xxx
xxx xx xxxxxxxxx xxx xxxx xxxxxx xx xxx xxxxxxx xxxxx xxxx x xxxxxx xxxxxx
x xxxxxxxxx xxx xxxx xxxxxx xx xxx xxxxxxx xxxxx xxxx x xxxxxx xxxxxxxx xxx xxxxx xxxxxx xx xxxxxxx x xxx xxxx xxxxxx xx xxx xxxxxxx xxxxx xxxx x xxxxxx xxxxxxxx xxx xxxxx xxx
xxx xxx xxxx xxxxxx xx xxx xxxxxxx xxxxx xxxx x xxxxxx xxxxxxxx xxx xxxxx xxxxxx xx xxxxxxx xx xxxxxxxxx xxx xxxx x
xxxx xx xxxxxxx xxx xxxxx xx xxxxxxxxx xxx xxxx xxxxxx xx xxx xxxxxxx xxxxx xxxx x xxxxxx xxxxxxxx xxx xxxxx xxxxxx xx xxxxxxx xx xxxxxxx xxx xxxxx xx xxxxxxxxx xxx xxxx xxxxx
xxxxx xx xxxxxxxxx xxx xxxx xxxxxx xx xxx xxxxxxx xxxxx xxxx x xxxxxx xxxxxxxx xxx xxxxx xxxxxx xx xxxxxxx xxxxxxxx xx
RICHTER & ASSOC.
xxxxxxxx xxx xxxx xxxxxx xx xxx xxxxxxx xxxxx xxxx x xxxxxx xxxxxxxx xxx xxxxx xxxxxx xx xxxxxxx xxx xxxx xxxxxx xx xxx xxxxxxx xxxxx xxxx x xxxxxx xxxxxxxx
xxxxxx xxx xxxxx xx xxxxxxxxx xxx xxxx xxxxxx xx xxx xxxxxxx xxxxx xxxx x xxxxxx xxxxxxxx xxx xxxxx xxxxxx xx xxxxxxx xxxxxxx xxx xxxxx xx xxxxxxxxx xxx xxxx xxxxxx xx xxx xxxxxxx xxxxx xxxx x xxxxxx xxx
xxxx xxx xxxxx xx xxxxxxxxx xxx xxxx xxxxxx xx xxx xxxxxxx xxxxx xxxx x xxxxxx xxxxxxxx xxx xxxxx xxxxxx xx xxxxxxx xxxxxxx xxx xxxx xxxxxx xx xxx xxxxxxx xxxxx xxxx x xxx
xxx xxxxx xx xxxxxxxxx xxx xxxx xxxxxx xx xxx xxxxxxx xxxxx xxxx x xxxxxx xxxxxxxx xxx xxxxx xxxxxx xx xxxxxxx xxxxxx xx
xx xxx xxxx xxxxxx xx xxx xxxxxxx xxxxx xxxx x xxxxxx xxxxxxxx xxx xxxxx xxxxxx xx xxxxxxx x xxx xxxx xxxxxx xx xxx
xxx xxx xxxxx xx xxxxxxxxx xxx xxxx xxxxxx xx xxx xxxxxxx xxxxx xxxx x
xxxxx xxx xxxx xxxxxx xx xxx xxxxxxx xxxxx xxxx x xxxxxx xxxxxxxx xxx xxxxx xxxxxx xx xxxxxxx xxx xxxx xxxxxx xx xxx
xxxxxxx xxx xxxxx xx xxxxxxxxx xxx xxxx xxxxxx xx xxx xxxxxxx xxxxx xxxx x xxxxxx xxxxxxxx xxx xxxxx xxxxxx xx xxxxxxx xx xxx xxxxx xx xxxxxxxxx xxx xxxx xxxxxx xx xxx xxxxxxx xxxxx xx
xxx xx xxxxxxxxx xxx xxxx xxxxxx xx xxx xxxxxxx xxxxx xxxx x xxxxxx xxxxxxxx xxx xxxxx xxxxxx xx xxxxxxx xxxxxx xxx xxxx xxxxxx xx xxx xxxxxxx xxxxx xxxx x xxxxxx xxxxxxxx xxx
xxxx xxx xxxxx xx xxxxxxxxx xxx xxxx xxxxxx xx xxx xxxxxxx xxxxx xxxx x xxxxxx xxxxxxxx xxx xxxxx xxxxxx xx xxxxxxx xxxxxx xxx xxxx xxxxxx xx xxx xxxxxxx
xxxxx xxx xxxx xxxxxx xx xxx xxxxxxx xxxxx xxxx x xxxxxx xxxxxxxx xxx xxxxx xxxxxx xx xxxxxxx xxxxxxxxx xxx xxxx xxxxxx xx xxx xxxxxxx xxxxx xxxx x xxxxxx xxxxxxxx xxx xxxxx xxxxxx x
xx xx xxxxxxxxx xxx xxxx xxxxxx xx xxx xxxxxxx xxxxx xxxx x xxxxxx xxxxxxxx xxx xxxxx xxxxxx xx xxxxxxx xxx xx xxxxxxx xxx xxxxx xx xxxxxxxxx xxx xxxx xxxxxx xx xxx xxxxxxx
xxx xxxx xxxxxx xx xxx xxxxxxx xxxxx xxxx x xxxxxx xxxxxxxx xxx xxxxx xxxxxx xx xxxxxxx xx xxxxxxx xxx xxxxx xx xxxxxxxxx xxx xxxx xxxxxx xx xxx xxxxxxx xxxxx xxxx x xxxxxx xxxxxxxx xxx x
xx xxxxx xx xxxxxxxxx xxx xxxx xxxxxx xx xxx xxxxxxx xxxxx xxxx x xxxxxx xxxxxxxx xxx xxxxx xxxxxx xx xxxxxxx xxx xxxxx xx xxxxxxxxx xxx xx
x xxx xxxxx xx xxxxxxxxx xxx xxxx xxxxxx xx xxx xxxxxxx xxxxx xxxx x xxxxxx xxxxxxxx xxx xxx
xxxxxx xxx xxxxx xx xxxxxxxxx xxx xxxx xxxxxx xx xxx xxxxxxx xxxxx xxxx x xxxxxx xxxxxxxx xxx xxxxx xxxxxx
xx xxxxxxx xxx xxxxx xx xxxxxxxxx xxx xxxx xxxxxx xx xxx xxxxxxx xxxxx xxxx x xxxxxx xxxxxxxx
xxxx xxx xxxxx xx xxxxxxxxx xxx xxxx xxxxxx xx xxx xxxxxxx xxxxx xxxx x xxxxxx xxxxxxxx xxx xxx
xx xxx xxxxx xx xxxxxxxxx xxx xxxx xxxxxx xx xxx xxxxxxx xxxxx xxxx x xxxxxx xxxxxxxx xxx xxxxx xxxxxx xx xxxxxxx xx xxxxxxx xxx xxxxx xx xxxx
xxxxxxx xxx xxxxx xx xxxxxxxxx xxx xxxx xxxxxx xx xxx xxxxxxx xxxxx xxxx x xxxxxx xxxxxxxx xxx xxxxx xxxxxx xx xxxxxxx xx xx xxxxxxx xxx xxxxx xx xxxxxxxxx xxx xxxx xxxxxx
x xx xxxxxxx xxx xxxxx xx xxxxxxxxx xxx xxxx xxxxxx xx xxx xxxxxxx xxxxx xxxx x xxxxxx xxxxxxx
xx xxx xxxxx xx xxxxxxxxx xxx xxxx xxxxxx xx xxx xxxxxxx xxxxx xxxx x xxxxxx xxxxxxxx xxx xxxxx xxxxxx xx xxxxxxx xxxxx xx xxxxxxxxx xxx xxxx xxxxxx xx xxx xx
x xx xxxxxxxxx xxx xxxx xxxxxx xx xxx xxxxxxx xxxxx xxxx x xxxxxx xxxxxxxx xxx xx
xxx xxxx xxxxxx xx xxx xxxxxxx xxxxx xxxx x xxxxxx xxxxxxxx xxx xxxxx xxxxxx xx xxxxxxx xxx xxxxx xx xxxxxxxxx xxx xxxx xxxxxx xx xxx xxxxxxx xxxxx xxxx x xxxxxx xxxxxxxx xxx xxxxx xxxxxx xx xxxx
Make the Right Move Into
OAK VILLAGE
xx xxxxxxxxx xxx xxxx xxxxxx xx xxx xxxxxxx xxxxx xxxx x xxxxxx xxxxxxxx xxx xxxxx xxxxxx xx xxxxxxx xx xxxxxxx xxx xxxxx xx xxxxxxxxx xxx xxxx
xxxx xx xxxxxxxxx xxx xxxx xxxxxx xx xxx xxxxxxx xxxxx xxxx x xxxxxx xxxxxxxx xxx xxxxx xxxxxx xx xxxxxxx xxxxxx xxx xxxxx xx xxxxxxxxx xxx xxxx xxxxxx xx xxx xxxxxxx xxxxx xxxx x xxxxxx xxxxxxxx xxx xxxxx
xx xx xxxxxxx xxx xxxxx xx xxxxxxxxx xxx xxxx xxxxxx xx xxx xxxxxxx xxxxx xxxx x xxxxxx xxxxxxxx xxx xxxxx xxxxxx xx xxxxxxx xx xxxxxxx xxx x
xx xxxxxxxxx xxx xxxx xxxxxx xx xxx xxxxxxx xxxxx xxxx x xxxxxx xxxxxxxx xxx xxxxx xxxxxx xx xxxxxxx xxxxxxx xxx xxxxx xx xxxxxxxxx xxx xxxx xxxxxx xx xxx xxxxxxx x
xxxxxxxxx xxx xxxx xxxxxx xx xxx xxxxxxx xxxxx xxxx x xxxxxx xxxxxxxx xxx xxxxx xxxxxx xx xxxxxxx xxxx xxx xxxx xxxxxx xx xxx xxxxxxx xxxxx xxxx x xxxxxx xxxxxxxx xxx xxxxx xxxxxx xx xxxx
xx xxxxxxxxx xxx xxxx xxxxxx xx xxx xxxxxxx xxxxx xxxx x xxxxxx xxxxxxxx xxx xxxxx xxxxxx xx xxxxxxx xx xx xxxxxxxxx xxx xx
xx xxx xxxx xxxxxx xx xxx xxxxxxx xxxxx xxxx x xxxxxx xxxxxxxx xxx xxxxx xxxxxx xx xxxxxxx xxxxxxxxx xxx xxxx xxxxxx xx xxx xxxxxxx xxxxx xxxx x xxxxxx xxxxxxxx xxx xxxxx xxxxxx xx
xxxx xxx xxxx xxxxxx xx xxx xxxxxxx xxxxx xxxx x xxxxxx xxxxxxxx xxx xxxxx xxxxxx xx xxxxxxx xxxxxxxxx xxx xxxx xxxxxx xx xxx xxx
xxx xxxx xxxxxx xx xxx xxxxxxx xxxxx xxxx x xxxxxx xxxxxxxx xxx xxxxx xxxxxx xx xxxxxxx xxxx xx xxxxxxx xxx xxxxx xx xxxxxxxxx xxx xxxx xxxxxx xx xxx xxxxxxx xxxxx xxxx x xxxx
xx xxxxxxxxx xxx xxxx xxxxxx xx xxx xxxxxxx xxxxx xxxx x xxxxxx xxxxxxxx xxx xxxxx
xxx xxxx xxxxxx xx xxx xxxxxxx xxxxx xxxx x xxxxxx xxxxxxxx xxx xxxxx xxxxxx xx xxxxxxx xxxxx xxx xxxxx xx xxxxxxxxx xxx xxxx xxxxxx xx xxx xxxxxxx xxxxx xxxx x xxxxxx xxxxxxxx xxx xxxxx xxxxxx xx xxxxxxx xx xx xxxxx
xxxx xxx xxxxx xx xxxxxxxxx xxx xxxx xxxxxx xx xxx xxxxxxx xxxxx xxxx x xxxxxx xxxxxxxx xxx xxxxx xxxxxx xx xxxxxxx xx xxxxxxxxx xxx xxxx xxxxxx xx xxx xxxxxxx xxxxx xxxx x xxxxxx xxxxxxx
x xx xxxxxxx xxx xxxxx xx xxxxxxxxx xxx xxxx xxxxxx xx xxx xxxxxxx xxxxx xxxx x xxxxxx xxxxxxxx xxx xxxxx xxxxxx xx xxxxxxx xxxxxxx xxx xxxxx xx xxxxxxxxx xxx xxxx xxxxxx xx xxx xxxxxxx xxxxx xxxx x xxxxxx x
xx xxxxxxx xxx xxxxx xx xxxxxxxxx xxx xxxx xxxxxx xx xxx xxxxxxx xxxxx xxxx x xxxxxx xxxxxxxx xxx xxxxx xxxxxx xx xxxxxxx xx xxxxxxx xxx xxxxx xx xxxxxxxxx xxx xxxx xxxxxx xx xxx xxxxxxx x
xxxxxx xxx xxxx xxxxxx xx xxx xxxxxxx xxxxx xxxx x xxxxxx xxxxxxxx xxx xxxxx xxxxxx xx xxxxxxx xxxxxx xxx xxxx xxxxxx xx xxx xxxxxxx xxxxx xxxx x xxxxxx xxxxxxxx xxx xxxxx xxxxxx xx xxxxxxx x xxxx
x xxxxxxxxx xxx xxxx xxxxxx xx xxx xxxxxxx xxxxx xxxx x xxxxxx xxxxxxxx xxx xxxxx xxxxxx xx xxxxxxx x xx xxxxxxx xxx xxxxx xx xxxxxxxxx xxx xxxx xxxxx
x xxxxxxx xxx xxxxx xx xxxxxxxxx xxx xxxx xxxxxx xx xxx xxxxxxx xxxxx xxxx x xxxxxx xxxxxxxx xxx xxxxx xxxxxx xx xxxxxxx xx xxxxxxx xxx xxxxx xx xxxxxxxxx xxx xxxx xxxxxx xx xxx x
xx xxxxxxxxx xxx xxxx xxxxxx xx xxx xxxxxxx xxxxx xxxx x xxxxxx xxxxxxxx xxx xxxxx xxxxxx xx xxxxxxx xxxx xx xxxxxxx xxx xxxxx xx xxxxxxxxx xxx xxxx xxxxxx xx xxx xxxxxxx xxxxx xxxx x xxxxxx x
x xx xxxxxxxxx xxx xxxx xxxxxx xx xxx xxxxxxx xxxxx xxxx x xxxxxx xxxxxxxx xxx xxxxx xxxxxx xx xxxxx
xxx xxx xxxxx xx xxxxxxxxx xxx xxxx xxxxxx xx xxx xxxxxxx xxxxx xxxx x xxxxxx xxxxxxxx
xx xxx xxxx xxxxxx xx xxx xxxxxxx xxxxx xxxx x xxxxxx xxxxxxxx xxx xxxxx xxxxxx xx xxxxxxx xxx xx xxxxxxxxx xxx xxxx xxxxxx xx xxx xxx
xxxxxxxx xxx xxxx xxxxxx xx xxx xxxxxxx xxxxx xxxx x xxxxxx xxxxxxxx xxx xxxxx xxxxxx xx xxxxxxx x xxx xxxxx xx xxxxxxxxx xxx xxxx xxxxxx xx xxx xx
405 Rent Option To Buy
xx xxxxxxx xxx xxxxx xx xxxxxxxxx xxx xxxx xxxxxx xx xxx xxxxxxx xxxxx xxxx x xxxxxx xxxxxxxx xxx xxxxx xxxxxx x
xxxxxxx xxx xxxxx xx xxxxxxxxx xxx xxxx xxxxxx xx xxx xxxxxxx xxxxx xxxx x xxxxxx xxxx
406 Property Management
xxxxx xxx xxxxx xx xxxxxxxxx xxx xxxx xxxxxx xx xxx xxxxxxx xxxxx xxxx x xxxxxx xxxxxxxx xxx xxxxx xxxxxx xx xxxxxxx xx xx xxxxxx
xxxxxx xxx xxxxx xx xxxxxxxxx xxx xxxx xxxxxx xx xxx xxxxxxx xxxxx xxx
x xxx xxxxx xx xxxxxxxxx xxx xxxx xxxxxx xx xxx xxxxxxx xxxxx xxxx x xxxxxx xxxxxxxx xxx xxxxx xxxxxx xx xxxxxxx xxx xxxxx xx xxxxxxxxx xxx xxxx xxxxxx xx xxx xxxxxxx xxxxx xxxx x xxxxxx xxxxxxxx xxx xxxxx xxxxx
xxxx xxx xxxx xxxxxx xx xxx xxxxxxx xxxxx xxxx x xxxxxx xxxxxxxx xxx xxxxx xxxxxx xx xxxxxxx xxxxxxx xxx xxxxx xx xxxxxxxxx xxx xxxx xxxxxx xx xxx xxxxxxx xxxxx xxxx x
D&H
Income Property Mgmt
Farmington Hills 737-4002
LEAVING TOWN
Don't Want To Sell?
GOODE
REAL ESTATE
407 Mobile Homes For Rent
xxx xxxx xxxxxx xx xxx xxxxxxx xxxxx xxxx x xxxxxx xxxxxxxx xxx xxxxx xxxxxx xx xxxxxxx x
xx xx xxxxxxx xxx xxxxx xx xxxxxxxxx xxx xxxx xxxxxx xx xxx xxxxxxx xxxxx xxxx x xxxxxx xxxxxxxx xxx xxxxx xxxxxx xx xxxxxxx xxx xxxxx xx xxxxxxxxx xxx xxxx xxxxxx xx xxx xxxxxxx xxxxx xxxx x x
xx xx xxxxxxxxx xxx xxxx xxxxxx xx xxx xxxxxxx xxxxx xxxx x xxxxxx xxxxxxxx xxx xxxxx x
408 Duplexes For Rent
xx xxxxx xx xxxxxxxxx xxx xxxx xxxxxx xx xxx xxxxxxx xxxxx xxxx x xxxxxx xxxxxxxx xxx xxxxx xxxxxx xx xxxxxxx xx xxx xxxx xxxxxx xx xxx xxxxxxx xxxxx xxxx x xxxxxx xx
xxxxxxx xxx xxxxx xx xxxxxxxxx xxx xxxx xxxxxx xx xxx xxxxxxx xxxxx xxxx x xxxxxx xxxxxxxx xxx
xxx xxxxx xx xxxxxxxxx xxx xxxx xxxxxx xx xxx xxxxxxx xxxxx xxxx x xxxxxx xxxxxxxx xxx xxxxx xxxxxx xx xxxxxxx xxxxxx xxx xxxx xxxxxx xx xxx xxxxx
xxxxxxx xxx xxxx xxxxxx xx xxx xxxxxxx xxxxx xxxx x xxxxxx xxxxxxxx xxx xxxxx xxxxxx xx xxxxxxx x xxxxxxxxx xxx xxxx xxxxxx xx xxx xxxxxxx xxxxx xxxx x xxxxxx xxxxxxxx xxx xxxxx xxxxxx
xxxxxxxxx xxx xxxx xxxxxx xx xxx xxxxxxx xxxxx xxxx x xxxxxx xxxxxxxx xxx xxxxx xxxx
x xxx xxxx xxxxxx xx xxx xxxxxxx xxxxx xxxx x xxxxxx xxxxxxxx xxx xxxxx xxxxxx xx xxxxxxx xx xxxxxxxxx xxx xxx
x xxxxxxxxx xxx xxxx xxxxxx xx xxx xxxxxxx xxxxx xxxx x xxxxxx xxxxxxxx xxx xxxxx xxxxxx xx xxxxxxx x xxx xxxx xxxxxx xx xxx xxxxxxx xxxxx xxxx x xxxxxx xxxxxxxx xxx xxxxx xxxxxx xx xxxxxxx xxxxxxx xxx xxxxx xx xxx
xxxx xx xxxxxxx xxx xxxxx xx xxxxxxxxx xxx xxxx xxxxxx xx xxx xxxxxxx xxxxx xxxx x xxxxxx xxxxxxxx xxx xxxxx xxxxxx xx xxxxxxx xx xxx xxxxx xx xxxxxxxxx xxx xxxx xxxxxx xx xxx xxxxxxx
408 Duplexes For Rent
xx xxx xxxxx xx xxxxxxxxx xxx xxxx xxxxxx xx xxx xxxxxxx xxxxx xxxx x xxxxxx xxxxxxxx xxx xxxxx xxxxxx xx xxxxxxx xxxx xxx xxxx xxxxxx xx xxx xxxxxxx xxxxx
xxxx xxx xxxxx xx xxxxxxxxx xxx xxxx xxxxxx xx xxx xxxxxxx xxxxx xxxx x xxxxxx xxxxxxxx xxx xxxxx xxxxxx xx xxxxxxx x xxxxxxx xxx xxxxx xx xxxxxxxxx xxx xx
xxxx xxx xxxxx xx xxxxxxxxx xxx xxxx xxxxxx xx xxx xxxxxxx xxxxx xxxx x xxxxxx xxxxxxxx xxx
xxxxxxxxx xxx xxxx xxxxxx xx xxx xxxxxxx xxxxx xxxx x xxxxxx xxxxxxxx xxx xxxxx xxxxxx xx xxxxxxx xxxxxxxx xxx xxxx xxxxxx xx xxx xxxxxxx xxxxx xxxx x xxxxxx xxxxxxx
x xxxxxxxxx xxx xxxx xxxxxx xx xxx xxxxxxx xxxxx xxxx x xxxxxx xxxxxxxx xxx xxxxx xxxxxx xx xxxxxxx xx xxxxxxx xxx xxxxx xx xxxxxxxxx xxx xxxx xxxxxx xx xxx xxxxxxx xxxxx xxxx x xx
xxxxx xx xxxxxxxxx xxx xxxx xxxxxx xx xxx xxxxxxx xxxxx xxxx x xxxxxx xxxxxxxx xxx xxxxx xxxxxx xx xxxxxxx xxxxxxx xxx xxxx xxxxxx xx xxx xxxxxxx xxxxx xxxx x xxxxxx xxxxxxxx xxx xxxxx xxxxxx xx xxx
xxx xx xxxxxxxxx xxx xxxx xxxxxx xx xxx xxxxxxx xxxxx xxxx x xxxxxx xxxxxxxx xxx xxxxx xxxxxx xx xxxxxxx xxxxxxx xxx xxxxx xx xxxxx
xxxx xxx xxxxx xx xxxxxxxxx xxx xxxx xxxxxx xx xxx xxxxxxx xxxxx xxxx x xxxxxx xxxxxxxx xxx xxxxx xxxxxx xx xxxxxxx xxxxxxxxx xxx xxxx xxxxxx xx xxx xxxxxxx xxxxx xxxx x xxxxxx xxxxxxxx xxx xxxx
x xx xxxxxxx xxx xxxxx xx xxxxxxxxx xxx xxxx xxxxxx xx xxx xxxxxxx xxxxx xxxx x xxxxxx xxxxxxxx xxx xxxxx xxxxxx xx xxxxxxx xxxxxxx xxx xxxx xxxxxx xx
xxx xxxxx xx xxxxxxxxx xxx xxxx xxxxxx xx xxx xxxxxxx xxxxx xxxx x xxxxxx xxxxxxxx xxx xxxxx xxxxxx xx xxxxxxx xxxxxx xxx xxxx xxxxxx xx xxx xxxxxxx xxxxx xxxx x xxxxxx xxxxxxxx xxx xxxxx xxxxxx xx xxxxxxx xx
xxxxx xxx xxxxx xx xxxxxxxxx xxx xxxx xxxxxx xx xxx xxxxxxx xxxxx xxxx x xxxxxx xxxxxxxx xxx xxxxx xxxxxx xx xxxxxxx xx xxxxx xx xxxxxxxxx xxx xxxx xxxxxx xx xxx x
xxxxx xx xxxxxxxxx xxx xxxx xxxxxx xx xxx xxxxxxx xxxxx xxxx x xxxxxx xxxxxxxx xxx xxxxx xxxxx
x xxxxx xx xxxxxxxxx xxx xxxx xxxxxx xx xxx xxxxxxx xxxxx xxxx x xxxxxx xxxxxxxx xxx xxxxx xxxxxx xx xxxxxxx x xxx xxxx xxxxxx xx x
x xxx xxxx xxxxxx xx xxx xxxxxxx xxxxx xxxx x xxxxxx xxxxxxxx xxx xxxxx xxxxxx xx xxxxxxx xxx xx xxxxxxx xxx xxxxx xx xxxxxxxxx xxx xxxx xxxxxx xx xxx xxxxxxx xxxxx xxxx x xxxxxx x
xxx xxxx xxxxxx xx xxx xxxxxxx xxxxx xxxx x xxxxxx xxxxxxxx xxx xxxxx xxxxxx xx xxxxxxx xxxxxxx xxx xxxxx xx xxxxxxxxx xxx xxxx xxxxxx xx xxx xxxxxxx xxxxx xxxx x xxxxxx xxxxxxxx xxx xxxxx xxx
xxxx xx xxxxxxx xxx xxxxx xx xxxxxxxxx xxx xxxx xxxxxx xx xxx xxxxxxx xxxxx xxxx x xxxxx
xxxx xx xxxxxxx xxx xxxxx xx xxxxxxxxx xxx xxxx xxxxxx xx xxx xxxxxxx xxxxx xxxx x xxxxxx xxxxxxxx xxx xxxxx xxxxxx xx xxxxxxx x xxxxx xx xxxxxxxxx xxx xxxx xxxxxx xx xxx xxxxxxx xxxxx xxx
xxx xxxx xxxxxx xx xxx xxxxxxx xxxxx xxxx x xxxxxx xxxxxxxx xxx xxxxx xxxxxx xx xxxxxxx xxxxxxxx xxx xxxx xxxxxx
xxx xxx xxxxx xx xxxxxxxxx xxx xxxx xxxxxx xx xxx xxxxxxx xxxxx xxxx x xxxxxx xxxxxx
x xx xxxxxxxxx xxx xxxx xxxxxx xx xxx xxxxxxx xxxxx xxxx x xxxxxx xxxxxxxx xxx xxxxx xxxxxx xx xxxxxxx xxxx xx xx
xxxx xxx xxxxx xx xxxxxxxxx xxx xxxx xxxxxx xx xxx xxxxxxx xxxxx xxxx x xxxxxx xxxxxxxx xxx xxxxx xxxxxx xx xxxxxxx xxx xx xxxxxxx xxx xxxxx xx
xxxxx xx xxxxxxxxx xxx xxxx xxxxxx xx xxx xxxxxxx xxxxx xxxx x xxxxxx xxxxxxxx xxx xxxxx xxxxxx xx xxxxxxx xxxxxx xxx xxxxx xx xxxxxxxxx xxx xxxx xxxxxx xx xxx xxxxxxx xxxxx xxxx x xxx
x xxxxxxxxx xxx xxxx xxxxxx xx xxx xxxxxxx xxxxx xxxx x xxxxxx xxxxxxxx xxx xxxxx xxxxxx xx xxxxxxx xxxx xx xxxxxxxxx xxx xxxx xxxxxx xx xxx xxxxxxx xx
xxxxxx xxx xxxxx xx xxxxxxxxx xxx xxxx xxxxxx xx xxx xxxxxxx xxxxx xxxx x xxxxxx xxxxxxxx xxx xxxxx xxxxx
xxxxx xxx xxxxx xx xxxxxxxxx xxx xxxx xxxxxx xx xxx xxxxxxx xxxxx xxxx x xxxxxx xxxxxxxx xxx xxxxx xxxxxx xx xxxxxxx x xx xxx
xxx xx xxxxxxx xxx xxxxx xx xxxxxxxxx xxx xxxx xxxxxx xx xxx xxxxxxx xxxxx xxxx x xxxxxx xx
xxxxx xxx xxxxx xx xxxxxxxxx xxx xxxx xxxxxx xx xxx xxxxxxx xxxxx xxxx x xxxxxx xxxxxxxx xxx xxxxx xx
xx xxxxx xx xxxxxxxxx xxx xxxx xxxxxx xx xxx xxxxxxx xxxxx xxxx x xxxxxx xxxxxxxx xxx xxxxx xxxxxx xx xxxxxxx xxxxxxx xxx xxxxx xx xxxxxxxxx xxx xxxx xxxxxx xx xxx xxxxxxx xxxxx xxxx x xxxxxx xxxxxxxx xxx xxxxx xx
★
ROYAL OAK - 2 bedroom duplex
xxxxxxxxx xxx xxxx xxxxxx xx xxx xxxxxxx xxxxx xxxx x xxxxxx xxxxxxxx xxx xxxxx xxxxxx xx xxxxxxx xxxxx xxx xxxxx xx xxxxxxxxx xxx xxxx xxxxx
xxxxx xx xxxxxxxxx xxx xxxx xxxxxx xx xxx xxxxxxx xxxxx xxxx x xxxxxx xxxxxxxx xxx xxxxx xxxxxx xx xxxxxxx xxx xxxx xxxxxx xx xxx xxxxxxx xxxxx xxxx x xxxxxx xxxxxxxx xxx xxxxx xxxxxx xx xxxxxxx xx xxx xxxx xxxxxx xx
xxxxxxxxx xxx xxxx xxxxxx xx xxx xxxxxxx xxxxx xxxx x xxxxxx xxxxxxxx xxx xxxxx xxxxxx
xx xx xxxxxxx xxx xxxxx xx xxxxxxxxx xxx xxxx xxxxxx xx xxx xxxxxxx xxxxx xxxx x xxxxxx xxxxxxxx xxx xxxxx xxxxxx xx xxxxxxx xxx xxx xxxx xxxxxx xx xxx xxxxxxx xxxxx xxxx
Just a Breath Away...
OAK VILLAGE
xxxxxxxxx xxx xxxx xxxxxx xx xxx xxxxxxx xxxxx xxxx x xxxxxx xxxxxxxx xxx xxxxx xxxxxx xx xxxxxxx xx xxx xxxx xxxxxx xx xxx xxxxxxx xxxxx xxxx x xxxxxx xxxxxxxx xxx xxxxx
xxxxx xx xxxxxxxxx xxx xxxx xxxxxx xx xxx xxxxxxx xxxxx xxxx x xxxxxx xxxxxxxx xxx xxxxx xxxxxx xx xxxxxxx xxxxxxx xxx xxx
xxxx xxx xxxx xxxxxx xx xxx xxxxxxx xxxxx xxxx x xxxxxx xxxxxxxx xxx xxxxx xxxxxx xx
x xxx xxxxx xx xxxxxxxxx xxx xxxx xxxxxx xx xxx xxxxxxx xxxxx xxxx x xxxxxx xxxxxxxx xxx xxxxx xxxxxx x
xx xxx xxxxx xx xxxxxxxxx xxx xxxx xxxxxx xx xxx xxxxxxx xxxxx xxxx x xxxxxx xxxxxxxx xxx xxxxx xxx
xx xxx xxxx xxxxxx xx xxx xxxxxxx xxxxx xxxx x xxxxxx xxxxxxxx xxx xxxxx xxxxxx xx xxxxxxx xxx xxxx xxxxxx xx xxx xxxxxxx xxxxx xxxx x xxxxxx xxxx
xxx xxxxx xx xxxxxxxxx xxx xxxx xxxxxx xx xxx xxxxxxx xxxxx xxxx x xxxx
xxxxxx xxx xxxxx xx xxxxxxxxx xxx xxxx xxxxxx xx xxx xxxxxxx xxxxx xxxx x xxxxxx xxxxxxxx xxx xxxxx xxxxxx xx xxxxxxx xx xxxxxxx xxx xxxxx xx xxxxxxxxx
xx xxxxxxxxx xxx xxxx xxxxxx xx xxx xxxxxxx xxxxx xxxx x xxxxxx xxxxxxxx xxx xxxxx xxxxxx xx xxxxxxx xxxxx xx xxxxxxxxx xxx xxxx xxxxxx xx xx
xx xxxxxxxxx xxx xxxx xxxxxx xx xxx xxxxxxx xxxxx xxxx x xxxxxx xxxxxxxx xxx xxxxx xxxxxx xx xxxx
x xx xxxxxxx xxx xxxxx xx xxxxxxxxx xxx xxxx xxxxxx xx xxx xxxxxxx xxxxx xxxx x xxxxxx xxxxxxxx xxx xxxxx xxxxxx xx xxxxxxx xx xxxxxxxxx xxx xxxx xxxxxx xx xxx xxxxxxx xxxxx xxxx x xxxxxx xxxxxxxx xxx xxxxx xx
x xx xxxxxxxxx xxx xxxx xxxxxx xx xxx xxxxxxx xxxxx xxxx x xxxxxx xxxxxxxx xxx xxxxx xxxxxx xx xxxxxxx xxx xx xxxxxxx xxx xxxxx xx xxxxxxxxx xxx xxxx xxxxxx xx xxx xxxxxxx xxxxx xxxx x xxxxxx xx
xx xxxxxxx xxx xxxxx xx xxxxxxxxx xxx xxxx xxxxxx xx xxx xxxxxxx xxxxx xxxx x xxxxxx xxxxxxxx xxx xxxxx xxxxxx xx xxxxxxx xxxxx xxx xxxxx xx xxxxxxxxx xxx xxxx x
xx xxxxxxx xxx xxxxx xx xxxxxxxxx xxx xxxx xxxxxx xx xxx xxxxxxx xxxxx xxxx x xxxxxx xxxxxxxx xxx xxxxx xxxxxx xx xxxxxxx xxxxxxxxx xxx xxxx xxxxxx xx xxx xxxxxxx xxxxx xxx
410 Flats
xxx xxxx xxxxxx xx xxx xxxxxxx xxxxx xxxx x xxxxxx xxxxxxxx xxx xxxxx xxxxxx xx xxxxxxx xxx xxx xxxx xxxxxx xx xxx xxxxxxx xxxxx xxxx x xxxxxx
xx xx xxxxxxx xxx xxxxx xx xxxxxxxxx xxx xxxx xxxxxx xx xxx xxxxxxx xxxxx xxxx x xxxxxx xxxxxxxx xxx xxxxx xxxxxx xx xxxxxxx xx xxxxx
xxxx xxx xxxx xxxxxx xx xxx xxxxxxx xxxxx xxxx x xxxxxx xxxxxxxx xxx xxxxx xxxxxx xx xxxxxxx xxxxxx xxx xxxx xxxxxx xx xxx xxxxxxx xxxxx xxxx x xxxxxx xxxxxxxx xxx xxxxx xxxxxx xx xxxxxxx xxx xxxxx xx xxxxxx
x xxxxx xx xxxxxxxxx xxx xxxx xxxxxx xx xxx xxxxxxx xxxxx xxxx x xxxxxx xxxxxxxx xxx xxxxx xxxxxx xx xxxxxxx xxxxxx xxx xxxxx xx xxxxxxxxx xxx xxxx xxxxxx xx xxx xxxxxxx xxxxx xxxx x xxxx
xx xxxxx xx xxxxxxxxx xxx xxxx xxxxxx xx xxx xxxxxxx xxxxx xxxx x xxxxxx xxxxxxxx xxx xxxxx xxxxxx xx x
x xx xxxxxxxxx xxx xxxx xxxxxx xx xxx xxxxxxx xxxxx xxxx x xxxxxx xxxxxxxx xxx xxxxx xxxxxx xx xxxxxxx xx xxxxxxx xxx xxxxx xx xxxxxxxxx xxx xxxx xxxxxx xx xxx xxxxxxx xxxxx xxxx x xxxxxx xxxxxxxx xxx x
xx xxx xxxxx xx xxxxxxxxx xxx xxxx xxxxxx xx xxx xxxxxxx xxxxx xxxx x xxxxxx xxxxxxxx xxx xxxxx xxxxxx xx xxxxxxx xxxx xx xxxxxxx xxx xxxxx xx xxxxxxxxx xxx xxxx xxxxxx xx xxx xxxxxx
xxxx xxx xxxx xxxxxx xx xxx xxxxxxx xxxxx xxxx x xxxxxx xxxxxxxx xxx xxxxx xxxxxx xx xxxxxxx xxxxx xx xxxxx
xxx xx xxxxxxxxx xxx xxxx xxxxxx xx xxx xxxxxxx xxxxx xxxx x xxxxxx xxxxxxxx xxx xxxxx xxxxxx xx xxxxxxx x xxx xxxx xxxxxx xx xxx xxxxxxx xxxxx xxxx x xxxxxx xxxxxxxx xxx xxxxx xxxxxx xx xxxxx
xxx xxx xxxx xxxxxx xx xxx xxxxxxx xxxxx xxxx x xxxxxx xxxxxxxx xxx xxxxx xxxxxx xx xxxxxxx xxxxxx xxx xxxx xxxxxx xx xxx xxxxxxx xxxxx xxxx x xxxxxx xxxxxxxx xxx xxxxx xxxxxx xx xxxxxxx xxxxxxxx x
xxxxx xx xxxxxxxxx xxx xxxx xxxxxx xx xxx xxxxxxx xxxxx xxxx x xxxxxx xxxxxxxx xxx xxxxx xxxxxx xx xxxxx
xxxx xx xxxxxxx xxx xxxxx xx xxxxxxxxx xxx xxxx xxxxxx xx xxx xxxxxxx xxxxx xxxx x xxxxxx xxxxxxxx xxx xxxxx xxxxxx xx xxxxxxx x xxxxx xx xxxxxxxxx xxx xxxx xxxxxx xx xxx xxxxxxx xxxxx xxxx x xxxxxx xxxxxxxx xxx xxxxx
xx xxxxxxxxx xxx xxxx xxxxxx xx xxx xxxxxxx xxxxx xxxx x xxxxxx xxxxxxxx xxx xxxxx xxxxxx xx xxxxxxx xx xx xxxxxxx xxx xxxxx xx xxxxxxxxx xxx xxxx xxxxxx xx xxx xxxxxxx xxxxx xxxx x xxxxxx xxxxxxxx xxx xxxxx x
xx xx xxxxxxxxx xxx xxxx xxxxxx xx xxx xxxxxxx xxxxx xxxx x xxxxxx xxx
xx xxxxxxxxx xxx xxxx xxxxxx xx xxx xxxxxxx xxxxx xxxx x xxxxxx xxxxxxxx xxx xxxxx xxxxxx xx xxxxxxx xxxxxxx xxx xxxxx xx xxxxxxxxx xxx xxxx xxxxxx xx xxx xxxxxxx xxxxx xxxx x xxxxxx
xxxxxx xxx xxxxx xx xxxxxxxxx xxx xxxx xxxxxx xx xxx xxxxxxx xxxxx xxxx x xxxxxx xxxxxxxx xxx xxxxx xxxxxx xx xxxxxxx xx xxx xxxx xxxxxx xx xxx xxxxxxx xxxxx xxxx x xxxxxx xxxxxxxx xxx xxxxx xxxxxx xx xxxxxxx xx xx
x xxxxxxx xxx xxxxx xx xxxxxxxxx xxx xxxx xxxxxx xx xxx xxxxxxx xxxxx xxxx x xxxxxx xxxxxxxx xxx xxxxx
xxxx xx xxxxxxx xxx xxxxx xx xxxxxxxxx xxx xxxx xxxxxx xx xxx xxxxxxx xxxxx xxxx x xxxxxx xxxxxxxx xxx xxxxx xxxxxx xx xxxxxxx xx xxx xxxxx xx xxx
xxxx xx xxxxxxx xxx xxxxx xx xxxxxxxxx xxx xxxx xxxxxx xx xxx xxxxxxx xxxxx xxxx x xxxxxx xxxxxxxx xxx xxxxx xxxxxx xx xxxxxxx xxx xxx xxxx xxxxxx xx xxx xxxxxxx xxxxx xxxx x
xx xxxxxxxxx xxx xxxx xxxxxx xx xxx xxxxxxx xxxxx xxxx x xxxxxx xxxxxxxx xxx
xxx xxxx xxxxxx xx xxx xxxxxxx xxxxx xxxx x xxxxxx xxxxxxxx xxx xxxxx xxxxxx xx xxxxxxx x xxx xxxxx x
xx xxx xxxx xxxxxx xx xxx xxxxxxx xxxxx xxxx x xxxxxx xxxxxxxx xxx xxxxx xxxxxx xx xxxxxxx xxxx xx xxxxxxxxx xxx xxxx xxxxxx xx xxx xxxxxxx xxxxx xxxx x xxxxxx xxxxxxxx xxx xxxxx
xxxxx xxx xxxxx xx xxxxxxxxx xxx xxxx xxxxxx xx xxx xxxxxxx xxxxx xxxx x xxxxxx xxxxxxxx xxx xxxxx xxxxxx xx xxxxxxx xx xx xxxxxxxxx xxx xxxx xxxxxx xx xxx xxxxxxx xxxxx xxxx x xxxxxx xxxxxxxx xxx
xx xxxxx xx xxxxxxxxx xxx xxxx xxxxxx xx xxx xxxxxxx xxxxx xxxx x xxxxxx xxxxxxxx xxx xxxxx xxxxxx xx xxxxxxx xxx xxxx xxxxxx xx xxx xxxxxxx xxxxx xxxx x xxxxxx xxxxxxxx xxx xxxxx xxxxxx xx xxxxxxx xx xx xxxxxxxxx xxx
xxx xx xxxxxxx xxx xxxxx xx xxxxxxxxx xxx xxxx xxxxxx xx xxx xxxxxxx xxxxx xxxx x xxxxxx xxxxxxxx xxx xxxxx xxxxxx xx xxxxxxx xxx xx xxxxxxx xxx xxxxx xx xxxxxxxxx xxx xxxx xxxxxx xx xxx xxxxxxx xx
xxxxxx xxx xxxxx xx xxxxxxxxx xxx xxxx xxxxxx xx xxx xxxxxxx xxxxx xxxx x xxxxxx xxxxxxxx xxx xxxxx xxxxxx xx xxxxxxx xxxxxxxx xxx xxxx xxxxxx xx xxx xxxxxxx xxxxx xxxx x xxxxxx xxxxxxxx xxx xxxxx xxxxxx xx xxx
xxxx xx xxxxxxx xxx xxxxx xx xxxxxxxxx xxx xxxx xxxxxx xx xxx xxxxxxx xxxxx xxxx x xx
xxxxxxxx xxx xxxx xxxxxx xx xxx xxxxxxx xxxxx xxxx x xxxxxx xxxxxxxx xxx xxxxx xxxxxx xx xxxxxx
x xxxxxxxxx xxx xxxx xxxxxx xx xxx xxxxxxx xxxxx xxxx x xxxxxx xxxxxxxx xxx xxxxx xxxxxx xx xxxxxxx x xxx xxxxx xx xxxxxxxxx xxx xxxx xxxxxx xx xxx xxxxxxx xxxxx xxxx x xxxxxx xxxxxxx
xxxxxxxxx xxx xxxx xxxxxx xx xxx xxxxxxx xxxxx xxxx x xxxxxx xxxxxxxx xxx xxxxx xxxxxx xx xxxxxxx xxxxx xxx xxxxx xx xxxxxxxxx xxx xxxx xxxxxx xx xxx xxxxxxx xxxxx xxxx x xxxxxx xxxxxxxx xxx xxxxx xxxxx
ERA ACCENT
421-7040
xxxxxxxxx xxx xxxx xxxxxx xx xxx xxxxxxx xxxxx xxxx x xxxxxx xxxxxxxx xxx xxxxx xxxxxx xx xxxxxxx xx xxx xxxx xxxxxx xx xxx xxxxxxx xxxxx xxxx x xxxxxx xxxxxxxx xxx xxxxx xxxxxx xx xxxxxxx x
xxxxxxxxx xxx xxxx xxxxxx xx xxx xxxxxxx xxxxx xxxx x xxxxxx xxxxxxxx xxx xxxxx xxx
xxxxxxx xxx xxxxx xx xxxxxxxxx xxx xxxx xxxxxx xx xxx xxxxxxx xxxxx xxxx x xxxxxx xxxxxxxx xxx xxxxx xxxxxx xx xxxxxxx xx xxxxxxx xxx xxxxx xx xxxxxxxxx xxx xxxx xxxxxx xx xxx xxxxx
xxxx xx xxxxxxxxx xxx xxxx xxxxxx xx xxx xxxxxxx xxxxx xxxx x xxxxxx xxxxxxxx xxx xxxxx xxxxxx xx xxxxxxx xxxx xx xxxxxxxxx xxx xxxx xxxxxx xx xxx xxxxxxx xx
x xxxxx xx xxxxxxxxx xxx xxxx xxxxxx xx xxx xxxxxxx xxxxx xxxx x xxxxxx xxxxxxxx xxx xxxxx xxxxxx xx xxxxxxx x xxx xxxxx xx xxxxxxxxx xxx xxxx xxxxxx xx xxx xxxxxxx xxxxx xxxx x xxxxxx xxxxxxxx xxx xxxxx
xxx xxxxx xx xxxxxxxxx xxx xxxx xxxxxx xx xxx xxxxxxx xxxxx xxxx x xxxxxx xxxxxxxx
xx xx xxxxxxxxx xxx xxxx xxxxxx xx xxx xxxxxxx xxxxx xxxx x xxxxxx xxxx
xx xxx xxxx xxxxxx xx xxx xxxxxxx xxxxx xxxx x xxxxxx xxxxxxxx xxx xxxxx xxxxxx xx xxxxxxx xxxxxx xxx xxxx xxxxxx xx xxx xxxxxxx xxxxx xxxx x xxxxxx xxxxxxxx xxx xxxxx xxxxxx xx xxxxxxx xx xx
x xxxxxxx xxx xxxxx xx xxxxxxxxx xxx xxxx xxxxxx xx xxx xxxxxxx xxxxx xxxx x xxxxxx xxxxxxxx xxx xxxxx xxxxxx xx xxxxxxx xx xx xxxxxxxxx xx
xx xx xxxxxxx xxx xxxxx xx xxxxxxxxx xxx xxxx xxxxxx xx xxx xxxxxxx xxxxx xxxx x xxxx
xxxxxx xxx xxxxx xx xxxxxxxxx xxx xxxx xxxxxx xx xxx xxxxxxx xxxxx xxxx x xxxxxx xxxxxxxx xxx xxxxx xxxxxx xx xxxxxxx x xxx xxxx xxxxxx xx xxx xxxxxxx xxxxx xxxx x xxxxxx xxxxxxxx xxx xxxxx xxx
xxxx xxx xxxxx xx xxxxxxxxx xxx xxxx xxxxxx xx xxx xxxxxxx xxxxx xxxx x xxxxxx xxxxxxxx xxx
xxxx xx xxxxxxx xxx xxxxx xx xxxxxxxxx xxx xxxx xxxxxx xx xxx xxxxxxx xxxxx xxxx x xxxxxx xxxxxxxx x
xxxxx xxx xxxxx xx xxxxxxxxx xxx xxxx xxxxxx xx xxx xxxxxxx xxxxx xxxx x xxxxxx xxxxxxxx xxx xxxxx xxxxxx xx xxxxxxx xxxxxx xxx xxxx xxxxxx xx xxx xxxxxxx xxxxx xxxx x xxx
xxx xx xxxxxxxxx xxx xxxx xxxxxx xx xxx xxxxxxx xxxxx xxxx x xxxxxx xxxxxxxx xxx xxxxx xxxxxx xx xxxxxxx xxx xxxx xxxxxx xx xxx xxxxxxx xxxxx xxxx x xxxxxx xxxxxxxx xxx xxxxx xxxxxx xx xxxxx
xxxxx xx xxxxxxxxx xxx xxxx xxxxxx xx xxx xxxxxxx xxxxx xxxx x xxxxxx xxxxxxxx xxx x
xxx xxxx xxxxxx xx xxx xxxxxxx xxxxx xxxx x xxxxxx xxxxxxxx xxx xxxxx xxxxxx xx xxxxxxx x xxxxx xx xxxxxxxxx xxx xxxx xxxxxx xx xxx xxxxxxx xxxxx xxxx x xxxxxx xxxxxxxx xxx xxxxx xxxxxx xx xxxxxxx xxxx xx
xx xxx xxxx xxxxxx xx xxx xxxxxxx xxxxx xxxx x xxxxxx xxxxxxxx xxx xxxxx xxxxxx xx xxxxxxx xxxxxxxx xxx xxxx xxxxxx xx xxx xxxxxxx xxxxx xxxx x xxxxxx xxxxxxxx xxx xxxxx xxxxxx xx xxxxxxx xx xxxxxxx
xxxxx xx xxxxxxxxx xxx xxxx xxxxxx xx xxx xxxxxxx xxxxx xxxx x xxxxxx xxxxxxxx xxx xxxxx xxxxxx xx xxxxxxx
xxx xxx xxxx xxxxxx xx xxx xxxxxxx xxxxx xxxx x xxxxxx xxxxxxxx xxx xxxxx xxxxxx xx xxxxxxx xxxxxxxxx xxx xx
xxxxxx xxx xxxxx xx xxxxxxxxx xxx xxxx xxxxxx xx xxx xxxxxxx xxxxx xxxx x xxxxxx xxxxxxxx xxx xxxxx xxxxxx xx xxxxxxx xxxxxxxx xxx xxxx xxxxxx xx xxx xxxxxxx xxxxx
xxxxxxxxx xxx xxxx xxxxxx xx xxx xxxxxxx xxxxx xxxx x xxxxxx xxxxxxxx xxx xxxxx xxxxxx xx xxxxxxx xx xxxxxxx xxx xxxxx xx xxxxxxxxx xxx xxxx xxxxxx xx xxx xxxxxxx xxxxx
xxxxxxx xxx xxxx xxxxxx xx xxx xxxxxxx xxxxx xxxx x xxxxxx xxxxxxxx xxx xxxxx xxxxxx xx xxxxxxx xx xxxxxxx xxx xxxxx xx xxxxxxxxx xxx xxxx xxxxxx xx xxx xxxxxxx xxxxx xxxx x xxxxxx xxxx
xxxxxxx xxx xxxx xxxxxx xx xxx xxxxxxx xxxxx xxxx x xxxxxx xxxxxxxx xxx xxxxx xxxxxx xx xxxxxxx xxxxx xxx xxxxx xx xxxxxxxxx xx
xxxxxxx xxx xxxxx xx xxxxxxxxx xxx xxxx xxxxxx xx xxx xxxxxxx xxxxx xxxx x xxxxxx xxxxxxxx xxx xxxxx xxxxxx xx xxxxxxx x xxx xxxx xxxxxx xx xxx xxxxxxx xxxxx xxxx x xxxxxx xxxxxxxx xxx xxxxx xxxxxx xx xxxx
xxx xxxxx xx xxxxxxxxx xxx xxxx xxxxxx xx xxx xxxxxxx xxxxx xxxx x xxxxxx xxxxxxxx xxx xxxxx xxxxxx xx xxxxxxx xxxx xx xxxxxxxxx xxx xxxx xxxxxx xx xxx xxxxxxx xxxxx xxxx x xxxxxx xxxx
xxxxx xxx xxxx xxxxxx xx xxx xxxxxxx xxxxx xxxx x xxxxxx xxxxxxxx xxx xxxxx xxxxxx xx xxxxxxx xxxxx xx xxxxxxxxx xxx xxxx xx
xxx xxx xxxx xxxxxx xx xxx xxxxxxx xxxxx xxxx x xxxxxx xxxxxxxx xxx xxxxx xxxxxx xx xxxxxx
xxxxx xx xxxxxxxxx xxx xxxx xxxxxx xx xxx xxxxxxx xxxxx xxxx x xxxxxx xxxxxxxx xxx xxxxx xxxxxx xx xxxxx
x xxxxxxx xxx xxxxx xx xxxxxxxxx xxx xxxx xxxxxx xx xxx xxxxxxx xxxxx x
412 Townhouses-Condos For Rent
xx xx xxxxxxxxx xxx xxxx xxxxxx xx xxx xxxxxxx xxxxx xxxx x xxxxxx xxxxxxxx xxx xxxxx xxxxxx xx xxxxxxx xxxxxxxxx xxx xxxx xxxxxx xx xxx xxxxxxx xxxxx xxxx x xxxxxx xxxxxxxx xxx xxxxx xxxxxx xx
xx xx xxxxxxx xxx xxxxx xx xxxxxxxxx xxx xxxx xxxxxx xx xxx xxxxxxx xxxxx xxxx x xxxxxx xxxxxxxx xxx xxxxx xxxxxx xx xxxxxxx xxxxx xxx xxxxx xx xxxxxxxxx xxx
xxxxx xxx xxxx xxxxxx xx xxx xxxxxxx xxxxx xxxx x xxxxxx xxxxxxxx xxx xxxxx xxxxxx xx xxxxxxx xxx
xx xxx xxxxx xx xxxxxxxxx xxx xxxx xxxxxx xx xxx xxxxxxx xxxxx xxxx x xx
xxxxx xx xxxxxxxxx xxx xxxx xxxxxx xx xxx xxxxxxx xxxxx xxxx x xxxxxx xxxxxxxx xxx xxxxx xx
xxxx xxx xxxxx xx xxxxxxxxx xxx xxxx xxxxxx xx xxx xxxxxxx xxxxx xxxx x xxxxxx xxxxxxxx xxx xxxxx xxxxxx xx xxxxxxx xx xxxxxxx xxx xxxxx xx xxxxxxxxx xxx xxxx xxxxxx xx xxx xxxxxxx xxxxx xxxx x xxxxxx xxxxxxxx xxx
xx xxxxxxx xxx xxxxx xx xxxxxxxxx xxx xxxx xxxxxx xx xxx xxxxxxx xxxxx xxxx x xxxxxx xxxxxxx
xxx xxx xxxxx xx xxxxxxxxx xxx xxxx xxxxxx xx xxx xxxxxxx xxxxx xxxx x xxxxxx xxxxxxxx xxx xxxxx x
xxxxxxx xxx xxxxx xx xxxxxxxxx xxx xxxx xxxxxx xx xxx xxxxxxx xxxxx xxxx x xxx
xxxx xx xxxxxxxxx xxx xxxx xxxxxx xx xxx xxxxxxx xxxxx xxxx x xxxxxx xxxxxxxx xxx xxxxx xxxxxx xx xxxxxxx xxxxx xx xxxxxxxxx xxx xxxx xxxxxx xx xxx xxxxxxx xxxxx xxxx x xxxxxx xxxxxxxx xxx xxxxx xxx
x xxx xxxx xxxxxx xx xxx xxxxxxx xxxxx xxxx x xxxxxx xxxxxxxx xxx xxxxx xxxxxx xx xxxxxxx xx xx xxxx
xxxxxxxxx xxx xxxx xxxxxx xx xxx xxxxxxx xxxxx xxxx x xxxxxx xxxxxxxx xxx xxxxx xxxxxx xx xxxxxxx xxxxx xxx xxxx xxxxxx xx xxx xxxxxxx xxxxx xxxx x xxxxxx xxxxxxxx xxx xxxxx xxxxxx xx
xxxxxx xxx xxxxx xx xxxxxxxxx xxx xxxx xxxxxx xx xxx xxxxxxx xxxxx xxxx x xxxxxx xxxxxxxx xxx xxxxx xxxxxx xx xxxxxxx xx xxxxxxxxx xxx xxxx xxxxxx xx xxx xxxxxxx xxxxx xxxx x xxxxxx xxxxxxxx xxx xxxxx xxxxxx xx xxx
xxx xxxx xxxxxx xx xxx xxxxxxx xxxxx xxxx x xxxxxx xxxxxxxx xxx xxxxx xxxxxx xx xxxxxxx x xxxxx xx xxxx
xx xxx xxxxx xx xxxxxxxxx xxx xxxx xxxxxx xx xxx xxxxxxx xxxxx xxxx x xxxxxx xxxxxxxx xxx xxxxx xxxxxx xx xxxxxxx xxxxxxxxx xxx xxxx xxxxxx xx xxx xxxxxxx xxxxx xxxx x xxxxxx xxxxxxxx xxx xxxxx xxxxxx xx xxxxxxx
x xxxxxxxxx xxx xxxx xxxxxx xx xxx xxxxxxx xxxxx xxxx x xxxxxx xxxxxxxx xxx xxxxx xxxxxx xx xxxxxxx xxxxxxxx xxx xxxx xxxxxx xx xxx xxxxxxx xxxxx xxxx x
xxxxx xx xxxxxxxxx xxx xxxx xxxxxx xx xxx xxxxxxx xxxxx xxxx x xxxxxx xxxxxxxx xxx xxxxx xxxxxx xx xxxxxxx x xx xxxxxxx xxx xxxxx xx xxxxxxxx
xxxxxxx xxx xxxxx xx xxxxxxxxx xxx xxxx xxxxxx xx xxx xxxxxxx xxxxx xxxx x xxxxxx xxx
xxx xxx xxxx xxxxxx xx xxx xxxxxxx xxxxx xxxx x xxxxxx xxxxxxxx xxx xxxxx xxx
xx xxxxxxx xxx xxxxx xx xxxxxxxxx xxx xxxx xxxxxx xx xxx xxxxxxx xxxxx xxxx x xxxxxx xxx
xxxxxxxx xxx xxxx xxxxxx xx xxx xxxxxxx xxxxx xxxx x xxxxxx xxxxxxxx xxx xxxxx xxxxxx xx xxxxxxx xx
xxxxx xx xxxxxxxxx xxx xxxx xxxxxx xx xxx xxxxxxx xxxxx xxxx x xxxxxx xxxxxxxx xxx xxxxx xxxxxx xx xxxxxxx xx xxxxxxx xxx xxxxx xx xxxxxxxxx xxx
xxxxxxx xxx xxxx xxxxxx xx xxx xxxxxxx xxxxx xxxx x xxxxxx xxxxxxxx xxx xxxxx xxxxxx xx xxxxxxx x
xxxx xx xxxxxxx xxx xxxxx xx xxxxxxxxx xxx xxxx xxxxxx xx xxx xxxxxxx xxxxx xxxx x xxxxxx xxxxxxxx xxx xxxxx xxxxxx xx xxxxxxx xxxxx xx xxxxxxxxx xxx xxxx xxxxxx xx xxx
BIRMINGHAM'S BEST
GET IT NOW!
xx xx xxxxxxxxx xxx xxxx xxxxxx xx xxx xxxxxxx xxxxx xxxx x xxxxxx xxxxxxxx xxx xxxxx xxxxxx xx xxxxxxx xxxxxxx xxx xxxxx xx
x xxx xxxx xxxxxx xx xxx xxxxxxx xxxxx xxxx x xxxxxx xxxxxxxx xxx xxxxx xxxxxx xx xxxxxxx xxxxx xx xxxxxxxxx xxx xxxx xxxxxx xx xxx xxxxxxx xxxxx xxxx x xxxxxx xxxxxxxx xxx xx
x xxxxx xx xxxxxxxxx xxx xxxx xxxxxx xx xxx xxxxxxx xxxxx xxxx x xxxxxx xxxxxxxx xxx
xxx xxxx xxxxxx xx xxx xxxxxxx xxxxx xxxx x xxxxxx xxxxxxxx xxx xxxxx xxxxxx xx xxxxxxx x xx xxxxxxxxx xxx xxxx xxxxxx xx xxx xxxxxxx xxxxx xxxx x xxxxxx xxxxxxxx xxx xxxxx xxxxxx xx xx
xxxxxxxxx xxx xxxx xxxxxx xx xxx xxxxxxx xxxxx xxxx x xxxxxx xxxxxxxx xxx xxxxx xxxxxx xx xxxxxxx xxxxxxx xxx xxxx xxxxxx xx xxx xxxxxxx xxx
xxxxxxxx xxx xxxx xxxxxx xx xxx xxxxxxx xxxxx xxxx x xxxxxx xxxxxxxx xxx
xxxxxxx xxx xxxx xxxxxx xx xxx xxxxxxx xxxxx xxxx x xxxxxx xxxxxxxx xxx xxxxx xxxxxx xx xxxxxxx xxxx xx xxxxxxxxx xxx xxxx xxxxxx x
xxxxxx xxx xxxxx xx xxxxxxxxx xxx xxxx xxxxxx xx xxx xxxxxxx xxxxx xxxx x xxxxxx xxxxxxxx xxx xxxxx xxxxxx xx xxxxxxx x xxxxx xx xxxxxxxxx xxx xxxx xxxxxx xx xxx xxxxxxx xxxxx xxxx x xxxxxx xxxxxxxx xxx
xxxxxxx xxx xxxx xxxxxx xx xxx xxxxxxx xxxxx xxxx x xxxxxx xxxxxxxx xxx xxxxx xxxxxx xx xxxxxxx xx xxx xxxx xxxxxx xx xxx xxxxxxx xxxxx xxxx x xxxxxx xxxxxxxx xxx xx
xxxxxx xxx xxxx xxxxxx xx xxx xxxxxxx xxxxx xxxx x xxxxxx xxxxxxxx xxx xxxxx xxxxx
412 Townhouses-Condos For Rent
xx xxxxxxxxx xxx xxxx xxxxxx xx xxx xxxxxxx xxxxx xxxx x xxxxxx xxxxxxxx xxx xxxxx xxxxxx xx xxxxxxx xxxxxxxxx xxx xxxx x
xxxxxxxxx xxx xxxx xxxxxx xx xxx xxxxxxx xxxxx xxxx x xxxxxx xxxxxxxx xxx xxxxx xxxxxx xx xxxx
xxxxxxx xxx xxxx xxxxxx xx xxx xxxxxxx xxxxx xxxx x xxxxxx xxxxxxxx xxx
xxx xx xxxxxxx xxx xxxxx xx xxxxxxxxx xxx xxxx xxxxxx xx xxx xxxxxxx xxxxx xxxx x xxxxxx xxxxxxxx xxx xxxxx xxxxxx xx xxxxxxx xx xxxxxxxxx xxx xxxx xxxxxx xx xxx xxxxxxx xxxxx xxx
xxxxxxx xxx xxxxx xx xxxxxxxxx xxx xxxx xxxxxx xx xxx xxxxxxx xxxxx xxxx x xxxxxx xxxxx
xxxxx xxx xxxxx xx xxxxxxxxx xxx xxxx xxxxxx xx xxx xxxxxxx xxxxx xxxx x xxxxxx xxxxxxx
xx xxxxxxxxx xxx xxxx xxxxxx xx xxx xxxxxxx xxxxx xxxx x xxxxxx xxxxxxxx xxx xxxxx xxxxxx xx xxxxxxx x xx xxxxxxxxx xxx xxxx xxxxxx xx xxx xxxxxxx xxxxx xxxx x xxxxxx xxxxxxxx xxx xxxxx xxxxxx xx xxxxxxx xxxxxxxxx xxx
xxx xx xxxxxxxxx xxx xxxx xxxxxx xx xxx xxxxxxx xxxxx xxxx x xxxxxx xxxxxxxx xxx xxxxx xxxxxx xx xxxxxxx x xxx xxxx xxxxxx xx xxx xxxxxxx xxxxx xxxx x xxxxxx xxxxxxxx x
xxx xx xxxxxxxxx xxx xxxx xxxxxx xx xxx xxxxxxx xxxxx xxxx x xxxxxx xxxxxxxx xxx xxxxx xxxxxx xx xxxxxxx x xxx xxxx xxxxxx xx xxx xxxxxxx xxxxx xxxx x
xxx xxxx xxxxxx xx xxx xxxxxxx xxxxx xxxx x xxxxxx xxxxxxxx xxx xxxxx xxxxxx xx xxxxxxx xxxxxxx xxx xxxxx xx xxxxxxxxx xxx xxxx xxxxxx xx xxx xxxxxxx xxxxx xxxx x xxxxxx xxxxxxxx
xxxxx xxx xxxxx xx xxxxxxxxx xxx xxxx xxxxxx xx xxx xxxxxxx xxxxx xxxx x xxxxxx xxxxxxxx xxx xxxxx xxxxxx xx xxxxxxx xx xxxxxxx xxx xxxxx xx xxxxxxxxx xxx xxxx xxxxxx
xxxxxx xxx xxxx xxxxxx xx xxx xxxxxxx xxxxx xxxx x xxxxxx xxxxxxxx xxx xxxxx xxxxxx xx xxxxxxx xx xxxxxxx xxx xxxxx xx xxxxxxxxx xxx xxxx xxxxxx xx xxx xxxxxxx xxxxx xxxx x
xx xx xxxxxxx xxx xxxxx xx xxxxxxxxx xxx xxxx xxxxxx xx xxx xxxxxxx xxxxx xxxx x xxxxxx xxxxxxxx xxx xxxxx xxxxxx x
xxxx xxx xxxx xxxxxx xx xxx xxxxxxx xxxxx xxxx x xxxxxx xxxxxxxx xxx xxxxx xxxxxx xx xxxxxxx xxx xxxxx xx xxxxxxxxx xxx xxxx xxxxxx xx xxx xxxxxxx xxxxx xxxx x x
xxxxx xxx xxxx xxxxxx xx xxx xxxxxxx xxxxx xxxx x xxxxxx xxxxxxxx xxx xxx
xxxxxxxx xxx xxxx xxxxxx xx xxx xxxxxxx xxxxx xxxx x xxxxxx xxxxxxxx xxx xxxxx xxxxxx xx xxxxxxx xx xx xxxxxxxxx xxx
xxxxx xxx xxxxx xx xxxxxxxxx xxx xxxx xxxxxx xx xxx xxxxxxx xxxxx xxxx x xxxxxx xxxxxxxx x
xxx xxx xxxxx xx xxxxxxxxx xxx xxxx xxxxxx xx xxx xxxxxxx xxxxx xxxx x xxxxxx xxxxxxxx xxx xxxxx xxxxxx xx xxxxxxx xx xxx xxxx xxxxxx xx xxx xxxxxxx xxxxx x
xxxx xxx xxxxx xx xxxxxxxxx xxx xxxx xxxxxx xx xxx xxxxxxx xxxxx xxxx x xxxxxx xxxxxxxx xxx xxxxx x
xxxx xxx xxxx xxxxxx xx xxx xxxxxxx xxxxx xxxx x xxxxxx xxxxxxxx xxx xxxxx xxxxxx xx xxxxxxx
xxx xxxxx xx xxxxxxxxx xxx xxxx xxxxxx xx xxx xxxxxxx xxxxx xxxx x xxxxxx xxxxxxxx xxx xxxxx xxxxxx xx xxxxxxx xxxx xx xxxxxxx xxx xx
xxx xx xxxxxxx xxx xxxxx xx xxxxxxxxx xxx xxxx xxxxxx xx xxx xxxxxxx xxxxx xxxx x xxxxxx xxxxxxxx x
xxx xxxx xxxxxx xx xxx xxxxxxx xxxxx xxxx x xxxxxx xxxxxxxx xxx xxxxx xxxxx
x xxx xxxxx xx xxxxxxxxx xxx xxxx xxxxxx xx xxx xxxxxxx xxxxx xxxx x xxxxxx xxxxxxxx xxx xxxxx xxxxxx xx xxxxxxx xxxxxxx xxx xxxxx xx xxxxxxxxx xxx
xxx xxxxx xx xxxxxxxxx xxx xxxx xxxxxx xx xxx xxxxxxx xxxxx xxxx x xxxxxx xxxxxxxx xxx xxxxx xxxxxx xx xxx
xx xxxxxxxxx xxx xxxx xxxxxx xx xxx xxxxxxx xxxxx xxxx x xxxxxx xxxxxxxx xxx xxxxx xxxxxx xx xxxxxxx x xx xxxxxxx
xx xxxxxxx xxx xxxxx xx xxxxxxxxx xxx xxxx xxxxxx xx xxx xxxxxxx xxxxx xxxx x xxxxxx xxxxxxxx xxx xxxxx xxxxxx xx xxxxxxx xx xxx xxxxx xx xxxxxxxxx xxx xxxx xxxxxx xx x
x xx xxxxxxx xxx xxxxx xx xxxxxxxxx xxx xxxx xxxxxx xx xxx xxxxxxx xxxxx xxxx x xxxxxx xxxxxxxx xxx xxxxx xxxxxx xx xxxxxxx xx xx xxxxxxx xxx xxxxx xx xxxxxxxxx xxx xxxx xxxxxx
xxx xxxx xxxxxx xx xxx xxxxxxx xxxxx xxxx x xxxxxx xxxxxxxx xxx xxxxx xxxxxx xx xxxxxxx x xxxxxxx xxx xxxxx xx xxxxxxxxx xxx xxxx xxxxxx xx xxx xxxxxxx xxxxx xxxx x xxxxxx xxxxxxxx xxx xxxxx xxxxxx xx
xxxxxxx xxx xxxxx xx xxxxxxxxx xxx xxxx xxxxxx xx xxx xxxxxxx xxxxx xxxx x xxxxxx xxxxxxxx xxx xxxxx xxxxxx xx xxxxxxx xx xx xxxxxxx xxx xxxxx xx xxxxxxxx
xx xxxxxxx xxx xxxxx xx xxxxxxxxx xxx xxxx xxxxxx xx xxx xxxxxxx xxxxx xxxx x xxxxxx xxxxxxxx xxx xx
xxxxxxx xxx xxxxx xx xxxxxxxxx xxx xxxx xxxxxx xx xxx xxxxxxx xxxxx xxxx x xxxxxx xxxxxxxx xxx
x xxx xxxx xxxxxx xx xxx xxxxxxx xxxxx xxxx x xxxxxx xxxxxxxx xxx xxxxx xxxxxx xx xxxxxxx xxx xxxx xxxxxx xx x
xxxxxxxxx xxx xxxx xxxxxx xx xxx xxxxxxx xxxxx xxxx x xxxxxx xxxxxxxx xxx xxxxx xxxxxx xx xxxxxxx xx xxx xxxx xxxxxx xx xxx xxxxxxx xxxxx xxxx x xxxxxx xxxxxxxx xxx xxxxx xxxxxx xx xxxxxxx x xxxxxxxxx xxx xxxx xxxxxx x
xxxxx xx xxxxxxxxx xxx xxxx xxxxxx xx xxx xxxxxxx xxxxx xxxx x xxxxxx xxx
xxxxxxx xxx xxxxx xx xxxxxxxxx xxx xxxx xxxxxx xx xxx xxxxxxx xxxxx xxxx x xxxxxx xxxxxxxx xxx xxxxx xxxxxx xx xxxxxxx xx xx xxxxxxx xxx xxxxx xx xxxxxxxxx xxx xxxx xxxxxx xx xxx xxxxxxx xxxx
Great Location!
Village Green of Huntington Woods Townhouses
547-9393
xx xxxxxxxxx xxx xxxx xxxxxx xx xxx xxxxxxx xxxxx xxxx x xxxxxx xxxxxxxx xxx xxxxx xxxxxx xx xxxxxxx xx xxxxxxx xxx xxxxx xx xxxxxxxxx xxx xxxx xxxxxx xx xxx xxxxxxx xxxxx xxxx x xxxxx
xxxx xxx xxxx xxxxxx xx xxx xxxxxxx xxxxx xxxx x xxxxxx xxxxxxxx xxx xxxxx xxxxxx xx xxxxxxx xxxx xx xxxxxxx xxx xxxxx xx xxxxxxxxx xxx xxxx xxxxxx xx xxx xxxxxxx xxxxx xxxx x xxxxxx xxxxxxxx xxx xxxxx xxxxxx xx xxx
xxxxxxx xxx xxxxx xx xxxxxxxxx xxx xxxx xxxxxx xx xxx xxxxxxx xxxxx xxxx x xxxxxx xxxxxxxx xxx xxxxx xxxxxx xx xxxxxxx x xxxxxxx xxx xxxxx xx xxxxxxxxx xxx xxxx xxxxxx xx xxx xxxxxxx xxxxx xxxx
xx xx xxxxxxx xxx xxxxx xx xxxxxxxxx xxx xxxx xxxxxx xx xxx xxxxxxx xxxxx xxxx x xxxxxx xxxxxxxx xxx xxxxx xxxxxx xx xxxxxxx xxx xx xxxxxxx xxx xxxxx xx xxxxxxxxx xxx xxxx xxxxxx xx xxx
xx xxx xxxx xxxxxx xx xxx xxxxxxx xxxxx xxxx x xxxxxx xxxxxxxx xxx xxxxx xxxxxx xx xxxxxxx xxxx xx xxxx
xx xxxxxxx xxx xxxxx xx xxxxxxxxx xxx xxxx xxxxxx xx xxx xxxxxxx xxxxx xxxx x xxxxxx xxxxxxxx xxx xxxxx xxxxxx xx xxxxxxx xxxxx xx xxxxxxxxx xxx xxxx xxxxxx
xxxxxxx xxx xxxxx xx xxxxxxxxx xxx xxxx xxxxxx xx xxx xxxxxxx xxxxx xxxx x xxxxxx xxxxxxxx xxx xxxxx xxxxxx x
xxxxxxxxx xxx xxxx xxxxxx xx xxx xxxxxxx xxxxx xxxx x xxxxxx xxxxxxxx xxx xxxxx xxxxxx xx xxxxxxx xx xxxxx xx xxxxxxxxx xxx xxxx xxxxxx xx xxx xxxxxxx xxxxx xxxx x xxxxxx xxxxxxxx xxx xxxxx xxxxxx xx xxxxxxx
xxx xxx xxxxx xx xxxxxxxxx xxx xxxx xxxxxx xx xxx xxxxxxx xxxxx xxxx x xxxxxx xxxxxxxx xxx xxxxx xxxxxx xx xxxxxxx xx xxx xxxxx xx xxxxxxxxx xxx xxxx xxxxxx xx xxx xxxxxxx xxxxx x
xxxxx xx xxxxxxxxx xxx xxxx xxxxxx xx xxx xxxxxxx xxxxx xxxx x xxxxxx xxxxxxxx xxx xxxxx xxxxxx xx xxxxxxx xxxx xx
xx xxxxxxxxx xxx xxxx xxxxxx xx xxx xxxxxxx xxxxx xxxx x xxxxxx xxxxxxxx xxx xx
xx xxxxx xx xxxxxxxxx xxx xxxx xxxxxx xx xxx xxxxxxx xxxxx xxxx x xxxxxx xxxxxxxx xxx xxxxx xxxxxx xx xxxxxxx xxxxx xxx xxxxx xx xxxxxxxxx xxx xxxx xxxxxx xx xxx xxxxxxx xxxxx
CHECK US OUT
NOVI RIDGE
349-8200
NOVI
Twelve Oaks Townhomes
471-7470
Novi Villagewood Place
xxxxx xxx xxxx xxxxxx xx xxx xxxxxxx xxxxx xxxx x xxxxxx xxxxxxxx xxx xx
xx xxxxxxxxx xxx xxxx xxxxxx xx xxx xxxxxxx xxxxx xxxx x xxxxxx xxxxxxxx xxx xxxxx xxxxxx xx xxxxxxx xx xxxxxxxxx xxx xxxx xxxxxx xx xxx xxxxxxx xxxxx xxxx x xxxxxx xxxxxxx
xxx xxxx xxxxxx xx xxx xxxxxxx xxxxx xxxx x xxxxxx xxxxxxxx xxx xxxxx xxxxxx xx xxxxxxx x xxx xxxxx xx xxxxxxxxx xxx xxxx
xxx xxxxx xx xxxxxxxxx xxx xxxx xxxxxx xx xxx xxxxxxx xxxxx xxxx x xxxxxx xxxxxxxx xxx xxxxx xxxxxx xx xxxxxxx xx xxx xxxxx xx xxxxxxxxx xxx xxxx xxxxxx xx xxx xxxxxxx xxxxx
xx xxxxx xx xxxxxxxxx xxx xxxx xxxxxx xx xxx xxxxxxx xxxxx xxxx x xxxxxx xxxxxxxx xxx x
xxx xx xxxxxxx xxx xxxxx xx xxxxxxxxx xxx xxxx xxxxxx xx xxx xxxxxxx xxx
xxxxxxx xxx xxxx xxxxxx xx xxx xxxxxxx xxxxx xxxx x xxxxxx xxxxxxxx xxx xxxxx xxxxxx xx xxxxxxx xxxx xxx xxxx xxxxxx xx xxx xxxxxxx xx
x xx xxxxxxx xxx xxxxx xx xxxxxxxxx xxx xxxx xxxxxx xx xxx xxxxxxx xxxxx xxxx x xxxxxx xxxxxxxx xxx xxxxx xxxxxx xx xxxxxxx xxxx xx xxxxxxx xxx xxxxx xx xxxxxxxxx xxx xxxx xxxxxx xx xxx xxxxx
xx xxx xxxxx xx xxxxxxxxx xxx xxxx xxxxxx xx xxx xxxxxxx xxxxx xxxx x xxxxxx xxxxxxxx xxx xxxxx xxxxxx xx xxxxxxx x xxx xxxx xxxxxx xx xxx xxxxxxx xxxxx xxxx x xxxxxx xxxxxxxx xxx xxxxx xxxxxx xx xxxxxxx xxx xxxxx xx
xxxx xx xxxxxxx xxx xxxxx xx xxxxxxxxx xxx xxxx xxxxxx xx xxx xxxxxxx xxxxx xxxx x xxxxxx xxxxxxxx xxx xxxxx xxxxxx xx xxxxxxx xxx xxxxx xx xxxxxxxxx xxx xxxx xxxxxx xx xxx xxxxxxx xxxxx xxxx x xxxxxx xxxxxxxx
RICHTER & ASSOC.
xx xxxxxxxxx xxx xxxx xxxxxx xx xxx xxxxxxx xxxxx xxxx x xxxxxx xxxxxxxx xxx xxxxx xxxxxx xx xxxxxxx xxxxx xx xxxxxx
xxx xxx xxxxx xx xxxxxxxxx xxx xxxx xxxxxx xx xxx xxxxxxx xxxxx xxxx x xxxxxx xxxxxxxx xxx xxxxx xxxxxx xx xxxxxxx xx xx xxxxxxx xxx xxxxx xx xxxxxxxxx xxx xxxx xxxxxx xx xxx xxxxxxx xxxxx xxxx x xxxxxx
x xxx xxxxx xx xxxxxxxxx xxx xxxx xxxxxx xx xxx xxxxxxx xxxxx xxxx x xxxxxx xx
xxxxx xxx xxxxx xx xxxxxxxxx xxx xxxx xxxxxx xx xxx xxxxxxx xxxxx xxxx x xxxxxx xxxxxxxx xxx xxxxx xxxxxx xx xxxxxxx xxxxx xxx xxxxx xx xxxxxxxxx
xx xxx xxxx xxxxxx xx xxx xxxxxxx xxxxx xxxx x xxxxxx xxxxxxxx xxx xxxxx xxxxxx xx xxxxxxx xxx xxxxx xx xxxx
xxx xxxxx xx xxxxxxxxx xxx xxxx xxxxxx xx xxx xxxxxxx xxxxx xxxx x xxxxxx xxxxxxxx xxx xxxxx xxxxxx xx xxxxxxx xxxxxx xxx xxxxx xx xxxxxxxxx xxx xxxx xxxxxx xx xxx xxxxxxx xxxxx x
xxxxxxx xxx xxxxx xx xxxxxxxxx xxx xxxx xxxxxx xx xxx xxxxxxx xxxxx xxxx x xxxxxx xxxxxxxx xxx xxxxx xxxxxx xx xxxxxxx
xxxxx xx xxxxxxxxx xxx xxxx xxxxxx xx xxx xxxxxxx xxxxx xxxx x xxxxxx xxxxxxxx xxx xxx
Goode 647-1898
REAL ESTATE
SOUTHFIELD
Meadowgrove Villa
357-4579
xxxxx xx xxxxxxxxx xxx xxxx xxxxxx xx xxx xxxxxxx xxxxx xxxx x xxxxxx xxxxxxxx xxx xxxxx xxxxxx xx xxxxxxx x xx xxxxxxxxx xxx xxxx xxxxxx xx xxx xxxxxxx xxxxx xxxx x xxx
xxxxxx xxx xxxx xxxxxx xx xxx xxxxxxx xxxxx xxxx x xxxxxx xxxxxxxx xxx xxxxx xxxxxx xx xxxxxxx xx xxxxxxx
xx xxxxx xx xxxxxxxxx xxx xxxx xxxxxx xx xxx xxxxxxx xxxxx xxxx x xxxxxx xxxxxxxx xxx xxxxx xxxxxx xx xxxxxxx xx xxxxx xx
xxxxxx xxx xxxx xxxxxx xx xxx xxxxxxx xxxxx xxxx x xxxxxx xxxxxxxx xxx xxxxx xxxxxx xx xxxxxxx xxx xxxx xxxxxx xx xxx xxxxxxx xxx
x xxx xxxxx xx xxxxxxxxx xxx xxxx xxxxxx xx xxx xxxxxxx xxxxx xxxx x xxxxxx xxxxxxxx xxx xxxxx xxxxxx xx xxxxxxx x xxxxxxx xxx xxxxx xx xxxxxxxxx xxx xxxx xxxxxx xx xxx xxxxxxx xxxxx xxxx x
xxxxx xx xxxxxxxxx xxx xxxx xxxxxx xx xxx xxxxxxx xxxxx xxxx x xxxxxx xxxxxxxx xxx xxxxx xxxxxx xx xxxxxxx xxx xxxxx xx xxxxxxxxx xxx xxxx xxxxxx xx xxx xxxxxxx xxxxx xxxx x xxxxxx xxxxxxxx xxx xxxxx xxxxxx xx xxxxxx
x xx xxxxxxxxx xxx xxxx xxxxxx xx xxx xxxxxxx xxxxx xxxx x xxxxxx xxxxxxxx xxx xxxxx xxxxxx xx xxxxxxx x xx xxxxxxx xxx xxxx
x xxxxxxx xxx xxxxx xx xxxxxxxxx xxx xxxx xxxxxx xx xxx xxxxxxx xxxxx xxxx x xxxxxx xxxxxxxx xxx xxxxx xxxxxx xx xxxxxxx
412 Townhouses-Condos For Rent
x xxx xxxxx xx xxxxxxxxx xxx xxxx xxxxxx xx xxx xxxxxxx xxxxx xxxx x xxxxxx xxxxxxxx xxx xxxxx xxxxxx xx xxxxxxx xxxxx xx xxxxxxxxx xxx xxxx xxxxxx xx xxx xxxxxxx xxxxx x
xxxxxx xxx xxxx xxxxxx xx xxx xxxxxxx xxxxx xxxx x xxxxxx xxxxxxxx xxx xxxxx xxxxxx xx xxxxxxx xx xxxxxxx xxx xxxxx xx xxxxxxxxx xxx xxxx xxxxxx xx xxx x
xx xxxxxxx xxx xxxxx xx xxxxxxxxx xxx xxxx xxxxxx xx xxx xxxxxxx xxxxx xxxx x xxxxxx xxxxxxxx
xx xxx xxxx xxxxxx xx xxx xxxxxxx xxxxx xxxx x xxxxxx xxxxxxxx xxx xxxxx xxxxxx xx xxxxxxx xxxxxxxxx xxx xxxx xxxxxx xx xxx xxxxxxx
xxxxxxx xxx xxxxx xx xxxxxxxxx xxx xxxx xxxxxx xx xxx xxxxxxx xxxxx xxxx x xxxxxx xxxxxxxx xxx xxxxx xxxxxx xx xxxxxxx xxx xxxx xxxxxx xx xxx xxxxxxx xxxxx xxxx x xxxxxx xxxxxxxx xxx xxxx
x xxxxx xx xxxxxxxxx xxx xxxx xxxxxx xx xxx xxxxxxx xxxxx xxxx x xxxxxx xxxxxxxx xxx xxxxx xxxxxx xx xxxxxxx x xxx xxxxx xx xxxxxxxxx xxx xxxx xxxxxx xx xxx xxxxxxx x
xx xxxxxxx xxx xxxxx xx xxxxxxxxx xxx xxxx xxxxxx xx xxx xxxxxxx xxxxx xxxx x xxxxxx xxxxxxxx xxx xxxxx xxxxxx xx xxxxxxx xxxx xxx
xx xx xxxxxxxxx xxx xxxx xxxxxx xx xxx xxxxxxx xxxxx xxxx x xxxxxx xxxxxxxx xxx xxxxx xxxxxx xx xxxxxxx xx xxxxxxx xxx xxxxx xx xxxxxxxxx xxx xxxx x
xxxxx xxx xxxxx xx xxxxxxxxx xxx xxxx xxxxxx xx xxx xxxxxxx xxxxx xxxx x xxxxxx xxxxxxxx xxx xxxxx xxxxxx xx xxxxxxx xx xxx xx
xxx xx xxxxxxxxx xxx xxxx xxxxxx xx xxx xxxxxxx xxxxx xxxx x xxxxxx xxxxxxxx xxx xxxxx xxxxxx xx xxxxxxx xx xxx xxxxx xx xxxxxxxx
x xxx xxxx xxxxxx xx xxx xxxxxxx xxxxx xxxx x xxxxxx xxxxxxxx xxx xxxxx xxxxxx xx xxxxxxx xxxxx xx xxxxxxxxx xxx xxxx xxxxxx xx xxx xxxxxxx xxxxx xxxx x xxxxxx xxxxxxxx xxx xxxxx xxxxxx xx xxxxxxx xx xx xxxxxxxxx xxx x
xxx xxx xxxxx xx xxxxxxxxx xxx xxxx xxxxxx xx xxx xxxxxxx xxxxx xxxx x xxxxxx xxxxxxxx xxx xxxxx xxxxxx xx xxxxxxx xx xx xxxxxxxxx xxx xxxx xxxxxx xx xxx xxxxxxx xxxxx xxxx x xxxxxx xxx
xx xxxxxxx xxx xxxxx xx xxxxxxxxx xxx xxxx xxxxxx xx xxx xxxxxxx xxxxx xxxx x xxxxxx xxxxxxxx xxx xxxxx xxxxxx xx xxxxxxx xx xxxxx xx xxxxxxxxx
x xxx xxxxx xx xxxxxxxxx xxx xxxx xxxxxx xx xxx xxxxxxx xxxxx xxxx x xxxxxx xxxxxxxx xxx xxxxx xxxxxx xx xxxxxxx xxxx xx xxxxxxxxx xxx xxxx xxxxxx x
414 Southern Rentals
xxxxx xx xxxxxxxxx xxx xxxx xxxxxx xx xxx xxxxxxx xxxxx xxxx x xxxxxx xxxxxxxx xxx xxxxx xxxxxx xx xxxxxxx x
xxx xxx xxxx xxxxxx xx xxx xxxxxxx xxxxx xxxx x xxxxxx xxxxxxxx xxx xxxxx xxxxxx xx xxxxxxx
xx xx xxxxxxxxx xxx xxxx xxxxxx xx xxx xxxxxxx xxxxx xxxx x xxxxxx xxxxxxxx xxx xxxxx x
xx xxxxx xx xxxxxxxxx xxx xxxx xxxxxx xx xxx xxxxxxx xxxxx xxxx x xxxxxx xxxxxxxx xxx xxxxx xxxxxx xx xxxxxxx xxx xxxx xxxxxx xx xxx xxxxxxx xxxxx xxxx x xxxxxx xxxxxxxx xxx xxxxx xxxxxx xx xxxxxxx x xxxxxxx xxx xx
xxxxxxx xxx xxxx xxxxxx xx xxx xxxxxxx xxxxx xxxx x xxxxxx xxxxxxxx xxx xxxxx xxxxxx xx xxxxxxx xxxx xxx xxxx xxxxxx xx xxx xxxxxxx xxxxx xxxx x xxxxxx xxxxxxxx xxx xxxxx xxx
xxx xxxxx xx xxxxxxxxx xxx xxxx xxxxxx xx xxx xxxxxxx xxxxx xxxx x xxxxxx xxxxxxxx xxx xxxxx xxxxxx xx xxxxxxx
xx xx xxxxxxxxx xxx xxxx xxxxxx xx xxx xxxxxxx xxxxx xxxx x xxxxxx xxxxxxxx xxx xxxxx xxxxxx xx xxxxxxx xxxxxxx xxx xxxxx xx xxxxxxxxx xxx xxxx xxxx
x xx xxxxxxx xxx xxxxx xx xxxxxxxxx xxx xxxx xxxxxx xx xxx xxxxxxx xxxxx xxxx x xxxxxx xxxxxxxx xxx xxxxx xxxxxx xx xxxxxxx xx xxxxxxxxx xxx xxxx xxxxx
x xxxxxxx xxx xxxxx xx xxxxxxxxx xxx xxxx xxxxxx xx xxx xxxxxxx xxxxx xxxx x xxxxxx xxxxxxxx xxx xxxxx xxxxxx xx xxxxxxx
xx xxx xxxxx xx xxxxxxxxx xxx xxxx xxxxxx xx xxx xxxxxxx xxxxx xxxx x xxxxxx xxxxxxxx xxx xx
xx xxxxxxx xxx xxxxx xx xxxxxxxxx xxx xxxx xxxxxx xx xxx xxxxxxx xxxxx xxxx x xxxxxx xxxxxxxx xxx xxxxx
xxxxxxxxx xxx xxxx xxxxxx xx xxx xxxxxxx xxxxx xxxx x xxxxxx xxxxxxxx xxx xxxxx xxxxxx xx xxxxxxx xxx xxxx xxxxxx xx xxx xxxxxxx xxxxx xxxx x xxxxxx xxxxxxxx xxx xxxxx xxxxxx xx xxxxxxx xxxx xx xxxxxxxxx xxx
x xxxxxxx xxx xxxxx xx xxxxxxxxx xxx xxxx xxxxxx xx xxx xxxxxxx xxxxx xxx
xx xx xxxxxxxxx xxx xxxx xxxxxx xx xxx xxxxxxx xxxxx xxxx x xxxxxx xxxxxxxx xxx xxxxx xxxxxx xx xxxxxxx xxx xx xxxxxxx xxx xxxxx xx xxxxxxxxx xxx xxxx xxxxxx xx
xxxxxx xxx xxxx xxxxxx xx xxx xxxxxxx xxxxx xxxx x xxxxxx xxxxxxxx xxx xxxxx xxxxxx xx xxxxxxx xx xx xxxxxxx xxx xxxxx xx xxxxxxxxx xxx xxxx xxxxxx
xx xxxxxxx xxx xxxxx xx xxxxxxxxx xxx xxxx xxxxxx xx xxx xxxxxxx xxxxx xxxx x xxxxxx xxxxxxxx xxx xxxxx xxxxxx xx xxxxxxx xx xxxxxxxxx xxx xxxx xxxxxx xx xxx xxxxxxx xxxxx xxxx
xx xxx xxxx xxxxxx xx xxx xxxxxxx xxxxx xxxx x xxxxxx xxxxxxxx xxx xxxxx xxxxxx xx xxxxxxx xxxxxxx xxx xxxxx xx xxxxxxxxx xxx xxxx xxxxxx xx xxx xxxxxxx xxxxx x
xx xxxxxxxxx xxx xxxx xxxxxx xx xxx xxxxxxx xxxxx xxxx x xxxxxx xxxxxxxx xxx xxxxx xxxxxx xx xxxxxxx xx xxxxxxx xxx xxxxx xx xxxxxxxxx xxx xxxx xxxxxx xx xxx x
x xxxxxxxxx xxx xxxx xxxxxx xx xxx xxxxxxx xxxxx xxxx x xxxxxx xxxxxxxx xxx xxxxx xxxxxx
xx xx xxxxxxxxx xxx xxxx xxxxxx xx xxx xxxxxxx xxxxx xxxx x xxxxxx xxxxxxxx xxx xxxxx xxxxxx xx xxxxxxx xxxxx xx xxxxxxxxx xxx xxxx xxxxxx xx xxx xxxxxxx xxxxx xxxx x xxxxxx xxxxxxxx xxx xxxxx xx
xxx xxxxx xx xxxxxxxxx xxx xxxx xxxxxx xx xxx xxxxxxx xxxxx xxxx x xxxxxx xxxxxxxx xxx xxxxx xxxxxx xx xxxxxxx x xxxxx xx xxxxxxxxx xxx xxxx xxxxxx xx xxx xxxxxxx xxxxx xxxx x xxxxxx xxxxxx
xxxx xx xxxxxxx xxx xxxxx xx xxxxxxxxx xxx xxxx xxxxxx xx xxx xxxxxxx xxxxx xxxx x xxxxxx xxxxxxxx xxx xxxxx xxxxxx xx xxxxxxx
xxx xx xxxxxxx xxx xxxxx xx xxxxxxxxx xxx xxxx xxxxxx xx xxx xxxxxxx xxxxx xxxx x xxxxxx xxxxxxxx xxx xxxxx xxxxxx xx xxxxxxx xxxxxx xxx xxxx xxxxxx xx xxx xxxxxxx xxxxx xxxx x xxxxxx xxxxxxxx xxx xxxxx xxxxxx xx xxxxxx
xx xxxxxxx xxx xxxxx xx xxxxxxxxx xxx xxxx xxxxxx xx xxx xxxxxxx xxxxx xxxx x xxxxxx xxxxxxxx xxx xxxxx xxxxxx xx xxxxxxx xxxxxxx xxx xxxxx xx xxxxxxx
415 Vacation Rentals
xx xxxxxxx xxx xxxxx xx xxxxxxxxx xxx xxxx xxxxxx xx xxx xxxxxxx xxxxx xxxx x xxxxxx xxxxxxxx xxx xxxxx xxxxxx xx xxxxxxx xx xxxxxxxxx xxx xxx
xx xxxxx xx xxxxxxxxx xxx xxxx xxxxxx xx xxx xxxxxxx xxxxx xxxx x xxxxxx xxxxxxxx xxx xxxxx xxxxxx xx xxxxxxx x
x xxxxx xx xxxxxxxxx xxx xxxx xxxxxx xx xxx xxxxxxx xxxxx xxxx x xxxxxx xxxxxxxx xxx xxxxx xxxxxx xx xxxxxxx xxxxxx
xx xxxxxxxxx xxx xxxx xxxxxx xx xxx xxxxxxx xxxxx xxxx x xxxxxx xxxxxx
xxxxxxx xxx xxxx xxxxxx xx xxx xxxxxxx xxxxx xxxx x xxxxxx xxxxxxxx xxx xxxxx xxxxxx xx xxxxxxx xx xxx x
xx xx xxxxxxx xxx xxxxx xx xxxxxxxxx xxx xxxx xxxxxx xx xxx xxxxxxx xxxxx xxxx x xxxxxx xxxxxxxx xxx xxxxx xxxxxx xx xxxxxxx xxx xx xxxxxxx xxx xxxxx xx xxxxxxxxx xxx xxxx xxxxxx xx xxx xxxxxxx xxxxx xxxx x xx
xxxxx xxx xxxxx xx xxxxxxxxx xxx xxxx xxxxxx xx xxx xxxxxxx xxxxx xxxx x xxxxxx xxxxxxxx xxx xxxxx xxxxxx xx xxxxxxx x xx xxxxxxx xxx xxxxx xx xxxxxxxxx xxx xxxx xxxxxx xx xxx xxx
xxxxxxx xxx xxxx xxxxxx xx xxx xxxxxxx xxxxx xxxx x xxxxxx xxxxxxxx xxx xxxxx
xx xxx xxxxx xx xxxxxxxxx xxx xxxx xxxxxx xx xxx xxxxxxx xxxxx xxxx x xxxxxx xxxxxxxx xxx xxxxx xxxxxx xx xxxxxxx xxx xx xxxxxxx xxx xxxxx xx xxxxxxxxx xxx xxxx xxxxxx xx xxx xxxxxxx xxxxx xxxx x xxxxxx xxxxxxxx xxx
xxx xxxx xxxxxx xx xxx xxxxxxx xxxxx xxxx x xxxxxx xxxxxxxx xxx xxxxx xxxxxx x
xxxxxxx xxx xxxx xxxxxx xx xxx xxxxxxx xxxxx xxxx x xxxxxx xxxxxxxx xxx xxxxx xxxxxx xx xxxxxxx x xxx xxxxx xx xxxxxxxxx xxx xxxx xxxxxx xx xx
xx xx xxxxxxxxx xxx xxxx xxxxxx xx xxx xxxxxxx xxxxx xxxx x xxxxxx xxxxxxxx xxx xxxxx xxxxxx xx xxxxxxx xxx xxxx xxxxxx xx xxx xxxxxxx xxxxx xx
xxxxx xxx xxxx xxxxxx xx xxx xxxxxxx xxxxx xxxx x xxxxxx xxxxxxxx xxx xxxxx xxxxxx xx xxxxxxx x xxxxxxx xxx xxxxx xx xxxxxxxxx xxx xxxx xxxxxx xx
xxx xxxx xxxxxx xx xxx xxxxxxx xxxxx xxxx x xxxxxx xxxxxxxx xxx xxxxx xxxxxx xx xxxxxxx xxx xxxxx xx xxxxxxxxx xxx xxxx xxxxxx xx xxx xxxxxxx xxxxx xxxx x xxxxxx xxxxxxxx xxx xxxxx xxxxxx xx xxxxxxx xxxxxxx
xx xx xxxxxxx xxx xxxxx xx xxxxxxxxx xxx xxxx xxxxxx xx xxx xxxxxxx xxxxx xxxx x xxxxxx xxxxxxxx xxx xxxxx xxxxxx xx xxxxxxx x xxxx
x xx xxxxxxxxx xxx xxxx xxxxxx xx xxx xxxxxxx xxxxx xxxx x xxxxxx xxxxxxxx xxx xxxxx xxxxxx xx xxxxxxx xxxx xxx xxxx xxxxxx xx xxx xxxxxxx xxxxx xxxx x xxxx
xxx xxxxx xx xxxxxxxxx xxx xxxx xxxxxx xx xxx xxxxxxx xxxxx xxxx x xxxxxx xxxxxxxx xxx xxxxx xxxxxx xx xxxxxxx xx xxxxxxx xxx xxxxx xx xxxxxxxxx xxx xxxx xxxxxx xx xxx xxxxxxx xxxxx xxxx x xxxxxx xxxx
xx xxx xxxx xxxxxx xx xxx xxxxxxx xxxxx xxxx x xxxxxx xxxxxxxx xxx xxxxx xxxxxx xx xxxxxxx xxxx xxx xxxx xxxxxx xx xxx xxxxxxx xxxxx xxxx x xxxxxx xxxxxxxx xxx xxxxx xxxxxx xx xx
xxxxx xx xxxxxxxxx xxx xxxx xxxxxx xx xxx xxxxxxx xxxxx xxxx x xxxxxx xxxxxxxx xxx xxxxx xxxxxx xx xxxxxxx xxxx xx xxxxxxxxx xxx xxxx xxxxxx xx xxx xxxx
xx xxxxxxxxx xxx xxxx xxxxxx xx xxx xxxxxxx xxxxx xxxx x xxxxxx xxxxxxxx xxx xxxxx xxxxxx xx xxxxxxx xxxx xx xxxxxxxxx xxx xxxx xxxxxx xx xxx xxxxxxx xxxxx xxxx x xxxxxx xxxxxxxx xxx
xxxxxxxxx xxx xxxx xxxxxx xx xxx xxxxxxx xxxxx xxxx x xxxxxx xxxxxxxx xxx xxxxx xxxxxx xx xxxxxxx xxxxx xxx xxxxx xx xxxxxxxxx xxx xxxx xxxxxx xx xxx xxxxxxx xxxxx xxxx x xxxxxx xxxxxxx
x xxxxxxx xxx xxxxx xx xxxxxxxxx xxx xxxx xxxxxx xx xxx xxxxxxx xxxxx
xxxx xxx xxxx xxxxxx xx xxx xxxxxxx xxxxx xxxx x xxxxxx xxxxxxxx xxx xxxxx xxxxxx xx xxxxxxx x x
xxxxxxx xxx xxxx xxxxxx xx xxx xxxxxxx xxxxx xxxx x xxxxxx xxxxxxxx xxx xxxxx xxxxxx xx xxxxxxx xxxxxxx xxx xxxx xxxxxx xx xxx xxxxxxx xxxxx xxxx x xxxxxx xxxxxxxx xxx x
xxxxxxx xxx xxxxx xx xxxxxxxxx xxx xxxx xxxxxx xx xxx xxxxxxx xxxxx xxxx x xxxxxx xxxxxxxx
xxx xx xxxxxxx xxx xxxxx xx xxxxxxxxx xxx xxxx xxxxxx xx xxx xxxxxxx xxxxx xxxx x xxxxxx xxxxxxxx xxx xxxxx xxxxxx xx xxxxxxx x xxxxx xx xxxxxxxxx xxx xxxx xxxxxx xx xxx xxxxxxx xxxxx xxxx
xxxxxxx xxx xxxx xxxxxx xx xxx xxxxxxx xxxxx xxxx x xxxxxx xxxxxxxx xxx xxxxx xxxxxx xx xxxxxxx xxx xx xxxxxxx xxx xxxxx xx xxxxxxxxx xxx xxxx xxxxxx xx xxx xxxxxxx xxxxx xxxx x xxxxxx xxxxxxxx
xxxxxxxx xxx xxxx xxxxxx xx xxx xxxxxxx xxxxx xxxx x xxxxxx xxxxxxxx xxx xxxxx xxxxxx xx xxxxxxx xx xxx xxxxx xx xx
xxx xxxxx xx xxxxxxxxx xxx xxxx xxxxxx xx xxx xxxxxxx xxxxx xxxx x xxxxxx xxxxxxxx xxx xxxxx xxxxxx xx xxxxxxx xxxxxxx xxx xxxx xxxxxx xx xxx xxxxxxx xxxxx xxxx x xx
xx xxxxxxx xxx xxxxx xx xxxxxxxxx xxx xxxx xxxxxx xx xxx xxxxxxx xxxxx xxxx x xxxxxx xxxxxxxx xxx xxxxx xx
xxx xx xxxxxxxxx xxx xxxx xxxxxx xx xxx xxxxxxx xxxxx xxxx x xxxxxx xxxxxxxx xxx xxxxx xxxxxx xx xxxxxxx xx xxx xxxxx xx xxxxxxxxx xxx xxxx xxxxxx xx xxx xxxxxxx xxxxx xxxx x xxxxxx xxxx
xxx xxxx xxxxxx xx xxx xxxxxxx xxxxx xxxx x xxxxxx xxxxxxxx xxx xxxxx xxxxxx xx xxxxxxx xxxxx xx xxxxxxxxx xxx xxxx xxxxxx xx xxx xxxxxxx xxxxx xxxx x xxxxxx xxxxxxxx xxx xxxxx x
xx xxx xxxx xxxxxx xx xxx xxxxxxx xxxxx xxxx x xxxxxx xxxxxxxx xxx xxxxx xxxxxx xx
xxxxxx xxx xxxxx xx xxxxxxxxx xxx xxxx xxxxxx xx xxx xxxxxxx xxxxx xxxx x xxxxxx xxxxxxxx xxx xxxxx xxxxxx xx xxxxxxx xxxxxxx xxx xxxx xxxxxx xx xxx xxxxxxx xxxxx xxxx x xxxxxx xxxxxxxx xxx xxxxx xxxxxx xx xxxxx
CHARLEVOIX
& SURROUNDING AREA
CHARLEVOIX THE BEAUTIFUL
1-616-547-0025
PATTERSON-KAYE LODGE
x xx xxxxxxxxx xxx xxxx xxxxxx xx xxx xxxxxxx xxxxx xxxx x xxxxxx xxxxxxxx xxx xxxxx xxxxxx x
xxxx xx xxxxxxxxx xxx xxxx xxxxxx xx xxx xxxxxxx xxxxx xxxx x xxxxxx xxxxxx
xx xx xxxxxxx xxx xxxxx xx xxxxxxxxx xxx xxxx xxxxxx xx xxx xxxxxxx xxxxx xxxx x xxxxxx xxxxxxxx xxx xxxxx xxxxxx xx xxxxxxx xxxxx xx xxxxxxxxx xxx xxxx xxxxxx
xxxxx xxx xxxxx xx xxxxxxxxx xxx xxxx xxxxxx xx xxx xxxxxxx xxxxx xxxx x xxxxxx xxxxxxxx xxx xxxxx xxxxxx xx xxxxxxx x xxxxx xx xxxxxxxxx xxx xxxx xxxxxx xx xxx xxxxxxx x
x xx xxxxxxx xxx xxxxx xx xxxxxxxxx xxx xxxx xxxxxx xx xxx xxxxxxx xxxxx xxxx x xxxxxx xxxxxxxx xxx
x xx xxxxxxxxx xxx xxxx xxxxxx xx xxx xxxxxxx xxxxx xxxx x xxxxxx xxxxxxxx xxx xxxxx xxxxxx xx xxxxxxx xx xxx xxxx xxxxxx xx xxx xxxxxxx xxxxx xxxx x xxxxxx xxxxxxxx xxx xxxxx xxxxxx xx xxxxxxx
xx xxx xxxxx xx xxxxxxxxx xxx xxxx xxxxxx xx xxx xxxxxxx xxxxx xxxx x xxxx
xxxxx xx xxxxxxxxx xxx xxxx xxxxxx xx xxx xxxxxxx xxxxx xxxx x xxxxxx xxxxxxxx xxx xxxxx xxxxxx xx
xx xxx xxxxx xx xxxxxxxxx xxx xxxx xxxxxx xx xxx xxxxxxx xxxxx xxxx x xxxxxx xxxxxxxx xxx xxxxx xxxxxx xx xxxxxxx xx xx xxxxxxxxx xxx xxxx xxxxxx xx xxx xxxxxxx xxxxx xxxx x xxxxxx xxxxxx
xxxxxxxx xxx xxxx xxxxxx xx xxx xxxxxxx xxxxx xxxx x xxxxxx xxxxxxxx xxx xxxxx xxxxxx xx xxxxxxx xxxxxxx xxx xxxx xxxxxx xx
xxxx xxx xxxx xxxxxx xx xxx xxxxxxx xxxxx xxxx x xxxxxx xxxxxxxx xxx xxxxx xxxxxx xx xxxxxxx xxxxx xx xxxxxxxxx xxx xxxx xxxxxx xx xxx xxxxxxx
x xx xxxxxxx xxx xxxxx xx xxxxxxxxx xxx xxxx xxxxxx xx xxx xxxxxxx xxxxx xxxx x xxxxxx xxxxxxxx xxx xxxxx xxxxxx xx xxxxxxx x xx xxxxxxx xxx xxxxx xx xxxxxxxx
xxxxx xxx xxxx xxxxxx xx xxx xxxxxxx xxxxx xxxx x xxxxxx xxxxxxxx xxx xxxxx xxxxx
x xxx xxxxx xx xxxxxxxxx xxx xxxx xxxxxx xx xxx xxxxxxx xxxxx xxxx x xxxxx
xxxxxxxxx xxx xxxx xxxxxx xx xxx xxxxxxx xxxxx xxxx x xxxxxx xxxxxxxx xxx xxxxx xxxxxx xx xxxxxxx xxxx xxx xxxx xxxxxx xx xxx xxxxxxx xxxxx xxxx x
xxx xx xxxxxxxxx xxx xxxx xxxxxx xx xxx xxxxxxx xxxxx xxxx x xxxxxx xxxxxxxx xxx xxxxx xxxxxx xx xxxxxxx xxxx xx xxxxxxx xxx xxxxx xx xxxxxxxxx xxx xxxx xx
xxx xxxx xxxxxx xx xxx xxxxxxx xxxxx xxxx x xxxxxx xxxxxxxx xxx xxxxx xxxxxx xx xxxxxxx xxxxxxx xxx xxxxx xx xxxxxxxxx xxx xxxx x
xx xxxxx xx xxxxxxxxx xxx xxxx xxxxxx xx xxx xxxxxxx xxxxx xxxx x xxxxxx xxxxxxxx xxx xxxxx xxxxxx xx xxxxxxx xxx xxx xxxx xxxxxx x
xxxxx xxx xxxxx xx xxxxxxxxx xxx xxxx xxxxxx xx xxx xxxxxxx xxxxx xxxx x x
x xxxxxxxxx xxx xxxx xxxxxx xx xxx xxxxxxx xxxxx xxxx x xxxxxx xxxxxxxx xxx xxxxx xxxxxx xx xxxxxxx x xxx xxxx xxxxxx xx xxx xxxxxxx xxx
xxxxxxxx xxx xxxx xxxxxx xx xxx xxxxxxx xxxxx xxxx x xxxxxx xxxxxxxx xxx xxxxx xxxxxx xx xxxxxxx xxxx xxx xxxx xxxx
xxxxxxxxx xxx xxxx xxxxxx xx xxx xxxxxxx xxxxx xxxx x xxxxxx xxxxxxxx xxx xxxxx xxxxxx xx xxxxxxx x xxxxx xx xxxxxxxxx xxx xxxx xxxxxx xx xxx xxxxxxx xxxxx xxxx x xxxxxx xxxxxxxx xxx xxxxx xxxxxx xx xx
x xxx xxxx xxxxxx xx xxx xxxxxxx xxxxx xxxx x xxxxxx xxxxxxxx xxx xxxxx xxxxxx xx xxxxxxx xx xxxxxxx xxx xxxxx xx xxxxxxxxx xxx xxxx xxxxxx xx xxx xxxxxxx xxx
xxxx xxx xxxx xxxxxx xx xxx xxxxxxx xxxxx xxxx x xxxxxx xxxxxxxx xxx xxxxx xxxxxx xx xxxxxxx xxxx xxx xxxxx xx xxxxxxxxx xxx xxxx xxxxxx xx xxx xxxxxxx xxxxx xxxx x xxxxxx xxxxxxxx xxx xxxxx xxxxxx xx
xxx xxx xxxx xxxxxx xx xxx xxxxxxx xxxxx xxxx x xxxxxx xxxxxxxx xxx xxxxx xxxxxx xx xx
xxxxxxxxx xxx xxxx xxxxxx xx xxx xxxxxxx xxxxx xxxx x xxxxxx xxxxxxxx xxx xxxxx xxxxxx xx xxxxxxx xx xxxxx xx xxxxxxxxx xxx x
x xxxxxxx xxx xxxxx xx xxxxxxxxx xxx xxxx xxxxxx xx xxx xxxxxxx xxxxx xxxx x xxxxxx xxxxxxxx xxx xxxxx xxxxxx xx xxxxxxx x xxx xxxx xxxxxx xx xxx xxxxxxx xxxxx xxxx x xxxxxx xxxxxxxx xxx
xxxxxx xxx xxxx xxxxxx xx xxx xxxxxxx xxxxx xxxx x xxxxxx xxxxxxxx xxx xxxxx xxxxxx xx xxxxxxx xxxxxxx xxx xxxx xxxxxx xx xxx xxxxxxx xxxxx xxxx x xxxxxx xxxxxxxx xxx xxxxx xxxxxx xx xxxxxxx xxxxx xxx xxxxx xx
xxx xxxxx xx xxxxxxxxx xxx xxxx xxxxxx xx xxx xxxxxxx xxxxx xxxx x xxxxxx xxxxxxxx x
xx xxxxx xx xxxxxxxxx xxx xxxx xxxxxx xx xxx xxxxxxx xxxxx xxxx x xxxxxx xxxxxxxx xxx xxxxx xx
xx xx xxxxxxx xxx xxxxx xx xxxxxxxxx xxx xxxx xxxxxx xx xxx xxxxxxx xxxxx xxxx x xxxxxx xxxxxxxx xxx xx
xx xxxxxxxxx xxx xxxx xxxxxx xx xxx xxxxxxx xxxxx xxxx x xxxxxx xxxxxxxx xxx xxxxx xxxxxx xx xxxxxxx xxx
xx xxxxxxx xxx xxxxx xx xxxxxxxxx xxx xxxx xxxxxx xx xxx xxxxxxx xxxxx xxxx x xxxxxx xxxxxxxx xxx xxxxx xxxxxx xx xxxxxxx xxxx xx xxxxxxxxx xxx xxxx xxxxxx xx xxx xxxxxxx xxxxx xxxx x xxxxxx xxxxxxxx xxx xxxxx
xxxx xx xxxxxxx xxx xxxxx xx xxxxxxxxx xxx xxxx xxxxxx xx xxx xxxxxxx xxxxx xxxx x xxxxxx xxxxxxxx xxx xxxxx xxxxxx xx xxxxxxx x xxx xxxx xxxxxx xx xxx xxxxxxx xxxxx xxxx x xxxxxx xxxxxxxx xxx xxxxx xxxxxx xx x
xxxxxxxx xxx xxxx xxxxxx xx xxx xxxxxxx xxxxx xxxx x xxxxxx xxxxxxxx xxx xxxxx xxxxxx xx xxxxxxx xxx xxxx xxxxxx xx xxx xxxxxxx xxxxx xxxx x xxxxxx xxxxxxxx xxx xxxxx x
xxxxxxx xxx xxxx xxxxxx xx xxx xxxxxxx xxxxx xxxx x xxxxxx xxxxxxxx xxx xxxxx xxxxxx xx xxxxxxx xx xxxxxxx xxx xxxxx xx xxxxxxxxx xxx xxxx xxxxxx
415 Vacation Rentals
xxxxx xx xxxxxxxxx xxx xxxx xxxxxx xx xxx xxxxxxx xxxxx xxxx x xxxxxx xxxxxxxx xxx xxxxx xxxxxx xx xxxxxxx xxxxxxxx xxx xxxx xxxxxx xx xxx xxxxxxx xxxxx xxxx x xxxxxx xxxxxxxx xxx xxxxx xxxxxx xx xxxxxxx xxx
xxx xxx xxxxx xx xxxxxxxxx xxx xxxx xxxxxx xx xxx xxxxxxx xxxxx xxxx x xxxxxx xxxxxxxx xxx xxxxx xxxxxx xx xxxxxxx xx xx
xxxxxxx xxx xxxxx xx xxxxxxxxx xxx xxxx xxxxxx xx xxx xxxxxxx xxxxx xxxx x xxxxxx xxxxxxxx xxx xxxxx xxxxxx xx xxxxxxx xx xxxxxxxxx xxx xxxx xxxxxx xx xxx xxxxxxx xxxxx xx
xxxxx xxx xxxx xxxxxx xx xxx xxxxxxx xxxxx xxxx x xxxxxx xxxxxxxx xxx xxxxx xxxxxx xx xxxxxxx xxx xxxxx xx xxxxxxxxx xxx xxxx xxxxxx xx xxx xxxxxxx xxxxx xxxx x xxxxxx xxxxxxxx xxx xxxxx xxxxxx xx xxxxxxx xx xxxxxxxxx
xxxxx xxx xxxx xxxxxx xx xxx xxxxxxx xxxxx xxxx x xxxxxx xxxxxxxx xxx xxxxx xxxxxx xx xxxxxxx x xx xxxxxxx xxx xxxxx xx xxxxxxxxx xxx xxxx xxxxxx xx xxx xxxxxxx xx
xxx xxx xxxxx xx xxxxxxxxx xxx xxxx xxxxxx xx xxx xxxxxxx xxxxx xxxx x
x xxx xxxxx xx xxxxxxxxx xxx xxxx xxxxxx xx xxx xxxxxxx xxxxx xxxx x xxxxxx xxxxxxxx xxx xxxxx xxxxxx xx xxxxxxx xxxxx xxx xxxxx xx xxxxxxxxx xxx xxxx xxxxxx xx xxx xxxxxxx xx
x xxxxxxx xxx xxxxx xx xxxxxxxxx xxx xxxx xxxxxx xx xxx xxxxxxx xxxxx xxxx x xxxxxx xxxxxxxx xxx xxxxx xxxxxx xx xxxxxxx x xx xxxxxxx xxx xxxxx xx xxxxxxxxx xxx xxxx xxxxxx xx xxx xxxxxxx xxxxx xxxx x xxxxxx xx
xxxxxxx xxx xxxx xxxxxx xx xxx xxxxxxx xxxxx xxxx x xxxxxx xxxxxxxx xxx xxxxx xxxxxx xx xxxxxxx xxx
xx xxxxxxxxx xxx xxxx xxxxxx xx xxx xxxxxxx xxxxx xxxx x xxxxxx xxxxxxxx xxx xxxxx xxxxxx xx xxxxxxx x xx xxxxxxx xxx xxxxx xx xxxxxxxxx xxx xxxx xxxxxx xx xxx xxxxxxx xxxxx xxxx x xxxxxx xxxxxxxx xxx xx
xxxxxxx xxx xxxxx xx xxxxxxxxx xxx xxxx xxxxxx xx xxx xxxxxxx xxxxx xxxx x xxxxxx xxxxxxxx xxx xxxxx xxxxxx xx xxxxxxx x xx xxxxxxx xxx x
xxxxxxx xxx xxxx xxxxxx xx xxx xxxxxxx xxxxx xxxx x xxxxxx xxxxxxxx xxx xxxxx xxxxxx xx xxxxxxx xx xxxxxxxxx xxx
xx xxx xxxx xxxxxx xx xxx xxxxxxx xxxxx xxxx x xxxxxx xxxxxxxx xxx xxxxx xxxxxx xx xxxxxxx xx xxxxxxx xxx xxxxx xx xxxxxxxxx xxx xxxx xxxxxx xx xxx xxxxxxx xxxxx xxxx x xxxxxx xxxxxxxx xxx xxxx
x xxx xxxx xxxxxx xx xxx xxxxxxx xxxxx xxxx x xxxxxx xxxxxxxx xxx xxxxx xxxxxx xx xxxxxxx xx xx xxxxxxx xxx xxxxx xx xxxxxxxxx xxx xxxx xx
xxxx xxx xxxxx xx xxxxxxxxx xxx xxxx xxxxxx xx xxx xxxxxxx xxxxx xxxx x xxxxxx xxxxxxxx xxx xxxxx xxxxxx xx xxxxxxx xxxxxxxx xxx xxxx xxxxxx xx xxx xxxxxxx xxxxx x
xxx xxxxx xx xxxxxxxxx xxx xxxx xxxxxx xx xxx xxxxxxx xxxxx xxxx x xxxxxx xxxxxxxx xxx xxxxx xxxxxx xx xxxxxxx x xxxxxxxxx xxx xxxx xxxxxx xx xxx xxxxxxx xxxxx xxxx x xxxxxx xxx
xx xxxxxxxxx xxx xxxx xxxxxx xx xxx xxxxxxx xxxxx xxxx x xxxxxx xxxxxxxx xxx xxxxx xxxxxx xx xxxxx
xxx xxxxx xx xxxxxxxxx xxx xxxx xxxxxx xx xxx xxxxxxx xxxxx xxxx x xxxxxx xxxxxxxx xxx xxxxx xxxxxx xx xxx
xxxx xxx xxxx xxxxxx xx xxx xxxxxxx xxxxx xxxx x xxxxxx xxxxxxxx xxx xxxxx xxxxxx xx xxxxxxx xxxx xxx xxxx xxxxxx xx xxx xxxxxxx xxxxx xxxx x xxx
x xxx xxxx xxxxxx xx xxx xxxxxxx xxxxx xxxx x xxxxxx xxxxxxxx xxx xxxxx xxxxxx xx xxxxxxx xxx xxx xxxx xxxxxx xx xxx xxxxx
TRAVERSE CITY
xx xxx xxxx xxxxxx xx xxx xxxxxxx xxxxx xxxx x xxxxxx xxxxxxxx xxx xxxxx xxxxxx xx xxxxxxx xxx xxxx xxxxxx xx xxx xxxxxxx xxxxx xxxx x xxxxxx xxxxxxxx xxx xxxxx
xxxxxxx xxx xxxxx xx xxxxxxxxx xxx xxxx xxxxxx xx xxx xxxxxxx xxxxx xxxx x xxxxxx xxxxxxxx xxx xxxxx xxxxxx xx xxxxxxx x xxxxx xx xxxxxxxxx xxx xxxx xxxxxx xx xxx xxxxxxx xx
xxxxxxx xxx xxxxx xx xxxxxxxxx xxx xxxx xxxxxx xx xxx xxxxxxx xxxxx xxxx x
xxx xx xxxxxxx xxx xxxxx xx xxxxxxxxx xxx xxxx xxxxxx xx xxx xxxxxxx xxxxx xxxx x xxxxxx xxxxxxxx xxx xxxxx xxxxxx xx xxxxxxx xx xxx xxxxx xx xxxxxxxxx xxx xxxx xxxxxx xx xxx xxxxxxx xxxxx xxxx
xx xxxxxxx xxx xxxxx xx xxxxxxxxx xxx xxxx xxxxxx xx xxx xxxxxxx xxxxx xxxx x xxxxxx xxxxxxxx xxx xxxxx xxxxxx xx xxxxxxx xxxx xx xxxxxxx xx
xxxxxxxxx xxx xxxx xxxxxx xx xxx xxxxxxx xxxxx xxxx x xxxxxx xxxxxxxx xxx xxxxx xxxxxx xx xxxxxxx xx xxxxxxxxx xxx xxxx xxxxxx xx xxx xxxxxxx xxxxx xxxx x xxxxxx xxxxxxxx xxx xxxxx xxxxxx x
xxxxxxx xxx xxxxx xx xxxxxxxxx xxx xxxx xxxxxx xx xxx xxxxxxx xxxxx xxxx x xxxxxx xxxxxxxx xxx xxxxx xxxxx
xxxxxxx xxx xxxxx xx xxxxxxxxx xxx xxxx xxxxxx xx xxx xxxxxxx xxxxx xxxx x xxxxxx xxxxxxxx xxx xxxxx xxxxxx xx xxxxxxx xxx xx xxxxxxx xxx xxxxx xx xxxxxxxxx xxx xxxx xxxxxx xx
TRAVERSE CITY
xx xxxxxxx xxx xxxxx xx xxxxxxxxx xxx xxxx xxxxxx xx xxx xxxxxxx xxxxx xxxx x xxxxxx xxxxxxxx xxx xxxxx xxxxxx xx xxxxxxx x xx xxxxxxxxx xxx xxxx xxxxxx
xxx xxxxx xx xxxxxxxxx xxx xxxx xxxxxx xx xxx xxxxxxx xxxxx xxxx x xxxxxx xxxxxxxx xxx xxxxx xxxxxx xx xxxxxxx xx xxx xxxxx xx xxxxxxxxx xxx xxxx xxxxxx xx xxx x
xx xxxxx xx xxxxxxxxx xxx xxxx xxxxxx xx xxx xxxxxxx xxxxx xxxx x xxxxxx xxxxxxxx xxx xxxxx xxxxxx xx xxxxxxx xx xxxxx
xx xxxxxxxxx xxx xxxx xxxxxx xx xxx xxxxxxx xxxxx xxxx x xxxxxx xxxxxxxx xxx xxxx
xxx xxx xxxxx xx xxxxxxxxx xxx xxxx xxxxxx xx xxx xxxxxxx xxxxx xxxx x xxxxxx xxxxxxxx xxx xxxxx xxxxxx xx xxxxxxx xxxxx xx xxxxxxxxx xxx xxxx xxxxxx xx xxx xxxxxxx xxxxx xxxx x xxxxxx xxxxxxxx xxx xxxxx xxxxxx xx xxxx
xxx xxxxx xx xxxxxxxxx xxx xxxx xxxxxx xx xxx xxxxxxx xxxxx xxxx x xxxxxx xxxxxxxx xxx xxxxx xxxxxx xx xxxxxxx xxx xxxxx xx xxxxxxxxx xxx xxxx xxxxxx xx xxx xxxxxxx xxxxx xxxx x
419 Mobile Home Space
xxxxx xxx xxxx xxxxxx xx xxx xxxxxxx xxxxx xxxx x xxxxxx xxxxxxxx xxx xxxxx xxxxxx xx xxxxxxx x xxxxxxxxx xxx xx
xxx xxxx xxxxxx xx xxx xxxxxxx xxxxx xxxx x xxxxxx xxxxxxxx xxx xxxxx xxxxxx xx xxx
420 Rooms For Rent
ATTRACTIVE ROOMS
SUMMIT LODGE OR STARWAY MOTEL
274-2900 or 531-2550
xxx xx xxxxxxxxx xxx xxxx xxxxxx xx xxx xxxxxxx xxxxx xxxx x xxxxxx xxxxxxxx xxx xxxxx xxxxxx xx xxxxxxx xxxxxx xxx xxxxx xx xxxxxxxxx xxx xxxx xxxxxx xx xxx xxxxxxx xxxxx xxxx x xxxxxx xxxxxxxx xxx x
xx xxxxxxx xxx xxxxx xx xxxxxxxxx xxx xxxx xxxxxx xx xxx xxxxxxx xxxxx xxxx x xxxxxx xxxxxxxx xxx xxxxx xxxxxx xx xxx
x xxxxx xx xxxxxxxxx xxx xxxx xxxxxx xx xxx xxxxxxx xxxxx xxxx x xxxxxx xxxxxx
xxxx xxx xxxx xxxxxx xx xxx xxxxxxx xxxxx xxxx x xxxxxx xxxxxxxx xxx xxxxx xxxxxx xx xxxxxxx xxx
xxx xx xxxxxxx xxx xxxxx xx xxxxxxxxx xxx xxxx xxxxxx xx xxx xxxxxxx xxxxx xxxx x xxxxxx xxx
x xxxxx xx xxxxxxxxx xxx xxxx xxxxxx xx xxx xxxxxxx xxxxx xxxx x xxxxxx xxxxxxxx xxx xxxxx xxxxxx xx xxxxxxx xxxx xx xxxxxxx xxx xxxxx xx xxx
xxxxx xx xxxxxxxxx xxx xxxx xxxxxx xx xxx xxxxxxx xxxxx xxxx x xxxxxx xxxxxxxx xxx xxxxx xxxxxx x
xxxxx xxx xxxxx xx xxxxxxxxx xxx xxxx xxxxxx xx xxx xxxxxxx xxxxx xxxx x xxxxxx xxxxxxxx xxx xxxxx xxxx
xx xx xxxxxxx xxx xxxxx xx xxxxxxxxx xxx xxxx xxxxxx xx xxx xxxxxxx xxxxx xxxx x xxxxxx xxxxxxxx xxx xxxxx xxxxxx xx xxxxxxx xx xxxxxxx xxx xxxxx xx xxxxxxxxx xxx xxxx xxxxxx
xxx xxxx xxxxxx xx xxx xxxxxxx xxxxx xxxx x xxxxxx xxxxxxxx xxx xxxxx xxxxxx xx xxxxxxx x xxxxxxx xxx xxxxx xx xxxxxxxxx xxx xxxx xxxxxx xx xxx
xxx xxx xxxxx xx xxxxxxxxx xxx xxxx xxxxxx xx xxx xxxxxxx xxxxx xxxx x xxxxxx xxxxxxxx xxx xxxxx xxxxxx xx xxxxxxx
xxxxx xx xxxxxxxxx xxx xxxx xxxxxx xx xxx xxxxxxx xxxxx xxxx x xxxxxx xxxxxxxx xxx xxxxx xxxxxx xx xxxxxxx xxx xx xxxxxxxxx xxx xxxx xxxxxx xx xxx xxxxxxx xxxxx xxxx x xxxxxx xxxxxxxx xxx x
xxxx xx xxxxxxxxx xxx xxxx xxxxxx xx xxx xxxxxxx xxxxx xxxx x xxxxxx xxxxxxxx xxx xxxxx xxxxxx xx xxxxxxx xx xxxxxxx xxx xxxxx xx xxxxxxxxx
xxxxxx xxx xxxx xxxxxx xx xxx xxxxxxx xxxxx xxxx x xxxxxx xxxxxxxx xxx xxxxx xxxxxx xx xxxxxxx xxx xxxxx xx xxxxxxxxx xxx xxxx xxxxxx xx xxx xxxxxxx xxxxx xxx
xxxxxxxx xxx xxxx xxxxxx xx xxx xxxxxxx xxxxx xxxx x xxxxxx xxxxxxxx xxx xxxxx xxxxxx xx xxxxxxx xxxxxx xxx xxxx xxxxxx xx xxx xxxxxxx xxxxx xxxx x xxxxxx x
xxxxxxx xxx xxxx xxxxxx xx xxx xxxxxxx xxxxx xxxx x xxxxxx xxxxxxxx xxx xxxxx xxxxxx xx xxxxxxx xxxxxxxx xxx xxxx xxxxxx xx xxx xxxxxxx xxxxx xxxx x xxxxxx xxxxxxxx xxx xxxxx xxxxxx xx xxxxxxx
xxx xxx xxxxx xx xxxxxxxxx xxx xxxx xxxxxx xx xxx xxxxxxx xxxxx xxxx x xxxxxx xxxxxxxx xxx xxxxx xxxxxx xx xxxxxxx xxxxxxxxx xxx xxxx xxxxxx xx xxx xxxxxxx xxxxx xxxx x xxxxxx xxxxxxxx
xxxxxxxx xxx xxxx xxxxxx xx xxx xxxxxxx xxxxx xxxx x xxxxxx xxxxxxxx xxx xxxxx xxxxxx xx xxxxxxx xxx xx xxxxxxx xxx xxxxx xx xxxxxxxxx xxx xxxx xxxxxx xx xxx xxxxxxx xxxxx xxxx x xxxxxx xxxxxxx
xxxx xx xxxxxxxxx xxx xxxx xxxxxx xx xxx xxxxxxx xxxxx xxxx x xxxxxx xxxxxxxx xxx xxxxx xxxxxx xx xxxxxxx xx xxxxxxx xxx xxxxx xx
xx xx xxxxxxx xxx xxxxx xx xxxxxxxxx xxx xxxx xxxxxx xx xxx xxxxxxx xxxxx xxxx x xxxxxx xxxxxxxx xxx xxxxx xxxxxx xx xxxxxxx xxxxx xx xxxxxxxxx xxx xxxx xxxxxx xx xxx xxxxxxx xxxxx xxxx x xxxxxx xxxxxxxx xxx
xxxxxxxxx xxx xxxx xxxxxx xx xxx xxxxxxx xxxxx xxxx x xxxxxx xxxxxxxx xxx xxxxx xxxxxx xx xxxxxxx x xxxxx xx xxxxxxxxx xxx xxxx xxxxxx xx xxx xxxxxxx xxxxx xxxx x xxxxxx xxxxxxxx xxx xxxxx x
xxxx xx xxxxxxx xxx xxxxx xx xxxxxxxxx xxx xxxx xxxxxx xx xxx xxxxxxx xxxxx xxxx x xxxxxx xxxxxxxx xxx xxxxx xxxxxx xx xxxxxxx xxxxx xx xx
SENIOR LADY
xxxxx xxx xxxxx xx xxxxxxxxx xxx xxxx xxxxxx xx xxx xxxxxxx xxxxx xxxx x xxxxxx xxxxxxxx xxx xxxxx xxxxxx xx xxxxxx
xxxxxxxx xxx xxxx xxxxxx xx xxx xxxxxxx xxxxx xxxx x xxxxxx xxxxxxxx xx
xxx xxxxx xx xxxxxxxxx xxx xxxx xxxxxx xx xxx xxxxxxx xxxxx xxxx x xxxxxx xxxxxxxx xxx xxxxx xxxxxx xx xxxxxxx xxxxxx xxx xxxxx xx xxxxxxxxx xxx xxxx xxxxxx xx xxx xxxxxxx xxxxx xxxx x xxxxxx xxxxxxxx xxx xxxxx
x xx xxxxxxx xxx xxxxx xx xxxxxxxxx xxx xxxx xxxxxx xx xxx xxxxxxx xxxxx xxxx x xxxxxx xxxxxxxx xxx xxxxx xxxxxx xx xxxxxxx x xxxxxxx xxx
xxxxx xx xxxxxxxxx xxx xxxx xxxxxx xx xxx xxxxxxx xxxxx xxxx x xxxxxx xxxxxxxx xxx xxxxx xxxxxx xx xx
xx xxxxxxxxx xxx xxxx xxxxxx xx xxx xxxxxxx xxxxx xxxx x xxxxxx xxxxxxxx xxx xxxxx xxxxxx xx xxxxxxx xx xx xxxxxxx xxx xxxxx xx xxxxxxxxx xxx xxxx xxxxxx xx xxx xxxxxxx xxxxx xxxx x xxxxxx xxxxxxxx xxx xxxxx xx
xx xxxxxxx xxx xxxxx xx xxxxxxxxx xxx xxxx xxxxxx xx xxx xxxxxxx xxxxx
xxxxxxxx xxx xxxx xxxxxx xx xxx xxxxxxx xxxxx xxxx x xxxxxx xxxxxxxx xxx xxxxx xxxxxx xx xxx
xxxxxx xxx xxxxx xx xxxxxxxxx xxx xxxx xxxxxx xx xxx xxxxxxx xxxxx xxxx x xxxxxx xxxxxxxx
xxx xx xxxxxxx xxx xxxxx xx xxxxxxxxx xxx xxxx xxxxxx xx xxx xxxxxxx xxxxx xxxx x xxxxxx xxxxxxxx xxx xxxxx xxxxxx xx xxxxxxx x xxxxxxxxx xxx xxxx xxxxxx xx xxx
xxxx xxx xxxxx xx xxxxxxxxx xxx xxxx xxxxxx xx xxx xxxxxxx xxxxx xxxx x xxxxxx xxxxxxxx xxx xxxxx xxxxxx xx xxxxxxx x xxx xxxx xxxxxx xx xxx xxxxxxx xxxxx xxxx x xxxxxx xxxxxxxx xxx xxxxx xxxxxx xx xxxxxxx xxx xxx xxxxx
xx xxxxx xx xxxxxxxxx xxx xxxx xxxxxx xx xxx xxxxxxx xxxxx xxxx x xxxxxx xxxxxxxx xxx xxxxx xxxxxx xx xxxxxxx x
421 Living Quarters To Share
ROOMMATES
xxxx xx xxxxxxxxx xxx xxxx xxxxxx xx xxx xxxxxxx xxxxx xxxx x xxxxxx xxxxxxxx xxx xxxxx xxxxxx xx xxxxxxx x xxxxx xx xxxxxxxxx xxx xxxx
xxxxxxxxx xxx xxxx xxxxxx xx xxx xxxxxxx xxxxx xxxx x xxxxxx xxxxxxxx xxx xxxxx xxxxxx xx xxxx
xx xxx xxxx xxxxxx xx xxx xxxxxxx xxxxx xxxx x xxxxxx xxxxxxxx xxx xxxxx xxxxxx xx xxxx
xxx xxxxx xx xxxxxxxxx xxx xxxx xxxxxx xx xxx xxxxxxx xxxxx xxxx x xxxxxx xxxxxxxx xxx xxxxx xxxxxx xx xxxxxxx xx xx xxxxx
xx xxxxxxxxx xxx xxxx xxxxxx xx xxx xxxxxxx xxxxx xxxx x xxxxxx xxxxxxxx xxx xxxxx xxxxxx xx xxxxxxx xxx xx xxxxxxx xxx xxxxx xx xxxxxxxxx xxx xxxx xxxxxx xx xxx xxxxxxx xxxxx xxxx x xxxxxx xxxxxxxx xxx
xxx xxxxx xx xxxxxxxxx xxx xxxx xxxxxx xx xxx xxxxxxx xxxxx xxxx x xxxxxx xxxxxxxx xxx xxxxx xxxxxx xx xxxxxxx xxxxx xxx xxxxx xx xxxxxxxxx xxx xxxx xxxxxx xx xxx xxxxxxx xxxxx
xxx xxxx xxxxxx xx xxx xxxxxxx xxxxx xxxx x xxxxxx xxxxxxxx xxx xxxxx xxxxxx xx xxxxxxx x xxxxxxx xxx xxxxx xx
xxxxx xxx xxxx xxxxxx xx xxx xxxxxxx xxxxx xxxx x xxxxxx xxxxxxxx xxx xxxxx xxxxxx xx xxxxxxx xx xxxxxxx xxx xxxxx xx xxxxxxxxx xxx xxxx xxxxxx xx xxx xxxxxxx xxxxx xxxx x xxxxxx xxxxxxxx xxx xxxxx xxxxxx xx xxxxx
xxx xxxxx xx xxxxxxxxx xxx xxxx xxxxxx xx xxx xxxxxxx xxxxx xxxx x xxxxxx xxxxxxxx xxx xxxxx xxxxxx
xxx xxxxx xx xxxxxxxxx xxx xxxx xxxxxx xx xxx xxxxxxx xxxxx xxxx x xxxxxx xxxxxxxx xxx xxxxx xxxxxx xx xxxxxxx xx xx xxxxxxx xxx xxxxx xx xxxxxxxxx xxx xxxx xxx
421 Living Quarters To Share
xxxx xx xxxxxxx xxx xxxxx xx xxxxxxxxx xxx xxxx xxxxxx xx xxx xxxxxxx xxxxx xxxx x xxxxxx xxxxxxxx xxx xxxxx xxxxxx xx xxxxxxx xxxxx xxx xxxxx xx xxxxxxxxx xxx xxxx xxxxxx xx xxx xxxxxxx xxxxx xxxx x xxxxxx xxxxxxxx xx
xxx xxxxx xx xxxxxxxxx xxx xxxx xxxxxx xx xxx xxxxxxx xxxxx xxxx x xxxxxx xxxxxxxx xxx xxxxx xxxxxx xx xxxxxxx xxx xxxxx xx xxxxxxxxx xxx xxxx xxxxxx xx xxx xxxxxxx xxxxx xxx
xxx xx xxxxxxx xxx xxxxx xx xxxxxxxxx xxx xxxx xxxxxx xx xxx xxxxxxx xxxxx xxxx x xxxxxx xxxxxx
HOME-MATE SPECIALISTS
644-6845
xxxxxxx xxx xxxx xxxxxx xx xxx xxxxxxx xxxxx xxxx x xxxxxx xxxxxxxx xxx xxxxx xxxxxx xx xxxxxxx xxxx xxx xxxxx xx xxxxxxxxx xxx xxxx xxxxxx xx xxx xxxxxxx xxxxx xxxx x xxxxxx xxxxxxxx xxx xxxxx xxxxxx
xxxx xx xxxxxxx xxx xxxxx xx xxxxxxxxx xxx xxxx xxxxxx xx xxx xxxxxxx xxxxx xxxx x xxxxxx x
x xx xxxxxxxxx xxx xxxx xxxxxx xx xxx xxxxxxx xxxxx xxxx x xxxxxx xxxxxxxx xxx xxxxx xxxxxx xx xxxxxxx xxxxxxx xxx xxxxx xx xxxxxxxxx xxx xxxx xxxxxx xx xxx xx
xx xxxxxxxxx xxx xxxx xxxxxx xx xxx xxxxxxx xxxxx xxxx x xxxxxx xxxxxxxx xxx xxxxx xxxxxx xx xxxxxxx xxxxx xxx xxxx xxxxxx xx
xxxxxxxx xxx xxxx xxxxxx xx xxx xxxxxxx xxxxx xxxx x xxxxxx xxxxxxxx xxx xxxx
xxxx xx xxxxxxx xxx xxxxx xx xxxxxxxxx xxx xxxx xxxxxx xx xxx xxxxxxx xxxxx xxxx x xxxxxx xxxxxxxx xxx xxxxx xxxx
xxx xxxx xxxxxx xx xxx xxxxxxx xxxxx xxxx x xxxxxx xxxxxxxx xxx xxxxx xxxxxx xx xxxxxxx xxxxxxxxx xxx xxxx xxxxxx
x xxx xxxxx xx xxxxxxxxx xxx xxxx xxxxxx xx xxx xxxxxxx xxxxx xxxx x xxxxxx xxxxxxxx xxx xxxxx xxxxxx xx xxxxxxx xxxx xx xxxxxxxxx xxx xxxx xxxxxx xx xxx xxxxxxx xxxxx xxxx
xxxxxxx xxx xxxx xxxxxx xx xxx xxxxxxx xxxxx xxxx x xxxxxx xxxxxxxx xxx xxxxx xxxxxx xx xxxxxxx xx xxx xxxx xxxxxx xx xxx x
xxxxxxxxx xxx xxxx xxxxxx xx xxx xxxxxxx xxxxx xxxx x xxxxxx xxxxxxxx xxx xxxxx xxxxxx xx xxxxxxx xxxxx xxx xxxxx xx xxxxxxxxx xxx xxxx xxxxxx xx xxx xxxxxxx xxxxx xxxx x xxxxxx
x xx xxxxxxxxx xxx xxxx xxxxxx xx xxx xxxxxxx xxxxx xxxx x xxxxxx xxxxxxxx xxx xxxxx xxxxxx xx xxx
xxxxxxx xxx xxxxx xx xxxxxxxxx xxx xxxx xxxxxx xx xxx xxxxxxx xxxxx x
xxxx xx xxxxxxxxx xxx xxxx xxxxxx xx xxx xxxxxxx xxxxx xxxx x xxxxxx xxxxxxxx xxx xxxxx xxxxxx xx xxxxxxx xx xxxxxxx xxx xxxxx xx xxxxxxxxx xxx xxxx xxxxxx xx xxx xxxxxxx xxxxx xxxx x xxx
xxx xxx xxxxx xx xxxxxxxxx xxx xxxx xxxxxx xx xxx xxxxxxx xxxxx xxxx x xxxxxx xxxxxxxx xxx xxxxx xxxxxx xx xxxxxxx xxx xxxxx xx xxxxxxxxx xxx xxxx xxxxxx xx xxx xxxxxxx xxxxx xxx
x xxxxxxxxx xxx xxxx xxxxxx xx xxx xxxxxxx xxxxx xxxx x xxxxxx xxxxxxxx xxx xxxxx xxxxxx xx xxxxxxx xxxxx xx xxxxxxxxx xxx xxxx xxxxxx xx xxx xxxxxxx xxxxx xxxx x xxxxxx xxxxxxxx xxx xxxxx xxx
xx xxxxxxx xxx xxxxx xx xxxxxxxxx xxx xxxx xxxxxx xx xxx xxxxxxx xxxxx xxxx x xxxxxx xxxxxxxx xxx xxxxx xxxxxx xx xxxxxxx xxxxxxxx xxx xxxx xxxxxx
xx xx xxxxxxx xxx xxxxx xx xxxxxxxxx xxx xxxx xxxxxx xx xxx xxxxxxx xxxxx xxxx x xxxxxx xxxxxxxx x
xxxx xxx xxxxx xx xxxxxxxxx xxx xxxx xxxxxx xx xxx xxxxxxx xxxxx xxxx x xxxxxx xxxxxxxx xxx xxxxx xxxxxx xx xxxxxxx xxxx xxx xxxx xxxxxx xx xxx xxxxxxx xxxxx xxxx
xxxxxxx xxx xxxxx xx xxxxxxxxx xxx xxxx xxxxxx xx xxx xxxxxxx xxxxx xxxx x xxxxxx xxxxxxxx xxx xxxxx xxxxxx xx xxxxxxx xxx xxxx xxxxxx xx xxx xxxxxx
xxx xxxxx xx xxxxxxxxx xxx xxxx xxxxxx xx xxx xxxxxxx xxxxx xxxx x xxxxxx xxxxxxxx xxx xxxxx xxxxxx xx xxxxxxx xxxxxx xxx xxxx xxxxxx xx xxx xxxxxxx xxxxx xxxx x xxxxxx xxxxxxxx xxx xxxxx xxxxxx xx
xxxxxxx xxx xxxxx xx xxxxxxxxx xxx xxxx xxxxxx xx xxx xxxxxxx xxxxx xxxx x xxx
xxxx xx xxxxxxxxx xxx xxxx xxxxxx xx xxx xxxxxxx xxxxx xxxx x xxxxxx xxxxxxxx xxx xxxxx xxxxxx xx xxxxxxx xx xxxxxxx xxx xxxxx xx xxxxxxxxx xxx xxxx xxxxxx xx xxx xxxxxxx xxxxx xxxx x xx
xxxxxxxxx xxx xxxx xxxxxx xx xxx xxxxxxx xxxxx xxxx x xxxxxx xxxxxxxx xxx xxxxx xxxxxx xx xxxxxxx xxxx xx xxxxxxx
xxx xxxx xxxxxx xx xxx xxxxxxx xxxxx xxxx x xxxxxx xxxxxxxx xxx xxxxx xxxxxx xx xxxxxxx xxx xxx xxxx xxxxxx xx xxx xxxxxxx xxxxx xxxx x xxxxxx xxxxxxxx xxx xxxxx xxxxxx xx xxxxxxx xx xxxx
xxxx xx xxxxxxxxx xxx xxxx xxxxxx xx xxx xxxxxxx xxxxx xxxx x xxxxxx xxxxxxxx xxx xxxxx xxxxxx xx xxxxxxx xx xxx xxxxx xx xxxxxxxxx xxx xxxx xxxxxx xx xxx xxxxxxx xxxxx xxxx x xxxxxx xxx
x xxx xxxx xxxxxx xx xxx xxxxxxx xxxxx xxxx x xxxxxx xxxxxxxx xxx xxxxx xxxxxx xx xxxxxxx xxxxxx xxx xxxxx xx xxxxxxxxx xxx xxxx xxxxxx xx xxx xxxx
xxxxx xx xxxxxxxxx xxx xxxx xxxxxx xx xxx xxxxxxx xxxxx xxxx x xxxxxx xxxxxxxx xxx xxxxx xxxxxx xx xxxxxxx xxxxxxxx xxx xxxx xxxxxx xx xxx xxxxxxx xxxxx xxxx x xxx
x xxxxxxxxx xxx xxxx xxxxxx xx xxx xxxxxxx xxxxx xxxx x xxxxxx xxxxxxxx xxx xxxxx xxxxxx xx xxxxxxx x xxx xxxxx xx xxxxxxxxx xxx xxxx xxxxxx xx
xxxxx xxx xxxx xxxxxx xx xxx xxxxxxx xxxxx xxxx x xxxxxx xxxxxxxx xxx xxxxx xxxxxx xx xxxxxxx xxx xxxxx xx xxxxxxxxx xxx xxxx xxxxxx xx xxx xxxxxxx xxxxx
xxx xxxxx xx xxxxxxxxx xxx xxxx xxxxxx xx xxx xxxxxxx xxxxx xxxx x xxxxxx xxxxxxxx xxx xxxxx xxxxxx xx xx
AFFORDABLE
x xxx xxxx xxxxxx xx xxx xxxxxxx xxxxx xxxx x xxxxxx xxxxxxxx xxx xxxxx xxxxxx xx xxxxxxx xxxxxxx xxx xxxx xxxxxx xx xxx xxx
x xx xxxxxxx xxx xxxxx xx xxxxxxxxx xxx xxxx xxxxxx xx xxx xxxxxxx xxxxx xxxx x xxxxxx xxxxxxxx xxx xxxxx xxxxxx xx xxxxxxx xx xxxxx xx xxxxxxxxx xxx xxxx xxxxxx
x xx xxxxxxx xxx xxxxx xx xxxxxxxxx xxx xxxx xxxxxx xx xxx xxxxxxx xxxxx xxxx x xxxxxx xxxxxxxx xxx xxxxx xxxxxx xx xxxxxxx xxxxxxxxx xxx xxxx xxxxxx xx xxx
xxx xxxxx xx xxxxxxxxx xxx xxxx xxxxxx xx xxx xxxxxxx xxxxx xxxx x xxxxxx xxxxxxxx xxx xxxxx xxxxxx xx xxxxxxx xx xxxxxxx xxx xxxxx xx xxxxxxxxx xxx xxxx xxxxxx xx xxx xxx
xx xxx xxxxx xx xxxxxxxxx xxx xxxx xxxxxx xx xxx xxxxxxx xxxxx xxxx x xxxxxx xxxxxxxx xxx xxxxx xxxxxx xx xxxxxxx xxxx xx
xx xxxxx xx xxxxxxxxx xxx xxxx xxxxxx xx xxx xxxxxxx xxxxx xxxx x xxxxxx xxxxxxxx xxx xxxxx xxxxxx xx xxxxxxx xxxxxx xxx xxxx xxxxxx xx xxx xxxxxxx xxxxx xxxx x xxxxxx xxxxxxxx xxx xxxxx xxxxxx xx xxxxxxx xxx xxxx x
xxx xxxx xxxxxx xx xxx xxxxxxx xxxxx xxxx x xxxxxx xxxxxxxx xxx xxxxx xxxx
xx xx xxxxxxxxx xxx xxxx xxxxxx xx xxx xxxxxxx xxxxx xxxx x xxxxxx xxxxxxxx xxx xxxxx xxxxxx xx xxxxxxx xxxxx xxx xxxx xxxxxx xx xxx xxxxxxx xxxxx xxxx x xxxxxx xxxxxxxx xxx xxxxx xxxxxx xx
xxxxx xx xxxxxxxxx xxx xxxx xxxxxx xx xxx xxxxxxx xxxxx xxxx x xxxxxx xxxxxxxx xxx xxxxx xxxxxx xx xxxxxxx xxx xxx xxxx xxxxxx xx xxx xxxxxxx xxxxx xxxx x xxxxxx xxxxxxxx xxx xxxxx xxxxxx xx xxx
x xxxxxxx xxx xxxxx xx xxxxxxxxx xxx xxxx xxxxxx xx xxx xxxxxxx xxxxx xxxx x xxxxxx xxxxxxxx xxx xxxxx xxxxxx xx xxxxxxx xxxxx xx xxxxxxxxx xxx xxx
xxx xx xxxxxxx xxx xxxxx xx xxxxxxxxx xxx xxxx xxxxxx xx xxx xxxxxxx xxxxx xxxx x xxxxxx xxxxxxxx xxx xxxx
xx xxxxx xx xxxxxxxxx xxx xxxx xxxxxx xx xxx xxxxxxx xxxxx xxxx x xxxxxx xxxxxxxx xxx xxxx
★
x xxxxxxx xxx xxxxx xx xxxxxxxxx xxx xxxx xxxxxx xx xxx xxxxxxx xxxxx xxxx x xxxxxx xxxxxxxx xxx xxxxx xxxxxx xx xxxxxxx xxxxx xx xxxxxxxxx xxx xxxx
xxx xx xxxxxxx xxx xxxxx xx xxxxxxxxx xxx xxxx xxxxxx xx xxx xxxxxxx xxxxx x
xxx xxxx xxxxxx xx xxx xxxxxxx xxxxx xxxx x xxxxxx xxxxxxxx xxx xxxxx xxxxxx xx xxxxxxx x xxxxxxx xxx xxxxx xx xxxxxxxxx xxx xxxx xxxxxx xx xxx xxxxxxx xxxxx xxxx x xxxxxx xxxxxxxx xxx xxxxx xxxxxx xx xxxxx
xxxxxx xxx xxxx xxxxxx xx xxx xxxxxxx xxxxx xxxx x xxxxxx xxxxxxxx xxx x
xxxxx xxx xxxxx xx xxxxxxxxx xxx xxxx xxxxxx xx xxx xxxxxxx xxxxx xxxx x xxxxxx xxxxxxxx xxx xxxxx xxxxxx xx xxxxxxx xxx xxx xxxx xxxxxx xx xxx xxxxxxx xxxxx xxxx x xxxxxx xxxxxxxx xxx xxxxx xxxxxx xx xxxxxxx xx
xx xxxxxxxxx xxx xxxx xxxxxx xx xxx xxxxxxx xxxxx xxxx x xxxxxx xxxxxxxx xxx x
xxxxxx xxx xxxx xxxxxx xx xxx xxxxxxx xxxxx xxxx x xxxxxx xxxxxxxx xxx xxxxx xxxxxx xx xxxxxxx
xx xxxxx xx xxxxxxxxx xxx xxxx xxxxxx xx xxx xxxxxxx xxxxx xxxx x xxxxxx xxxxxxxx xxx xxxxx xxxxxx xx xxxxxxx xxx xxxx xxxxxx xx xxx xxxxxxx xxxxx xxxx
xxx xx xxxxxxx xxx xxxxx xx xxxxxxxxx xxx xxxx xxxxxx xx xxx xxxxxxx xxxxx xxxx x xxxxxx xxxxxxxx xxx xxxxx xxxxxx xx xxxxxxx x xxx xxxx xxxxxx xx xxx xxxxxxx xxxxx xxxx x xxxxxx xxxxxxxx xxx xxxxx xxxxxx xx xxxxxx
xxx xxxxx xx xxxxxxxxx xxx xxxx xxxxxx xx xxx xxxxxxx xxxxx xxxx x xxxxxx xxxxxxxx xxx xxxxx xxxxxx xx xxxxxxx xx x
xx xxx xxxx xxxxxx xx xxx xxxxxxx xxxxx xxxx x xxxxxx xxxxxxxx xxx xxxxx x
xxxxx xx xxxxxxxxx xxx xxxx xxxxxx xx xxx xxxxxxx xxxxx xxxx x xxxxxx xxxxxxxx xxx xxxxx xxxxxx xx xxxxxxx xxxx xx xxxxxxx xxx xxxxx xx xxxxxxxxx xxx xxxx xxxxxx xx xxx xxxxxxx xxxxx xxxx x xxxxxx xxxxxxxx xx
xxxxxxx xxx xxxxx xx xxxxxxxxx xxx xxxx xxxxxx xx xxx xxxxxxx xxxxx xxxx x xxxxxx xxxxxxxx xxx xxxxx xxxxxx xx xxxxxxx xx xxxxxxx xxx xxxxx xx xxxxxxxxx xxx xxxx xxxxxx xx xxx xxxxxxx xx
xxxxx xx xxxxxxxxx xxx xxxx xxxxxx xx xxx xxxxxxx xxxxx xxxx x xxxxxx xxxxxxxx xxx xxxx
xx xxx xxxxx xx xxxxxxxxx xxx xxxx xxxxxx xx xxx xxxxxxx xxxxx xxxx x xxxxxx xxxxxxxx xxx xxxxx xxxxxx xx xxxxxxx xxxxxx xxx xxxx xxxxxx xx xxx xxxxxxx xxxxx xxxx
xxxx xxx xxxx xxxxxx xx xxx xxxxxxx xxxxx xxxx x xxxxxx xxxxxxxx xxx xxxxx xxxxxx xx xxxxxxx xxx xx xxxxxxxxx xxx xxxx xxxxxx xx xxx xxxxxxx xxxxx xxxx x xxxxxx xxxxxxxx xxx xxxxx xxxxxx xx xxxxxxx xxxx xx xxxxxxx
x xxxxxxx xxx xxxxx xx xxxxxxxxx xxx xxxx xxxxxx xx xxx xxxxxxx xxxxx xxxx x xxxxxx xxx
xxxxx xx xxxxxxxxx xxx xxxx xxxxxx xx xxx xxxxxxx xxxxx xxxx x xxxxxx xxxxxxxx xxx xxxxx xxxxxx xx xxxxxxx xx xx xxxxxxx xxx xxxxx xx xxxxxxxxx xxx xxxx xxxxxx xx xxx xxxxxxx xxxxx xxxx x xx
422 Wanted To Rent
xx xxxxx xx xxxxxxxxx xxx xxxx xxxxxx xx xxx xxxxxxx xxxxx xxxx x xxxxxx xxxxxxxx xxx xxxx
xxx xxxx xxxxxx xx xxx xxxxxxx xxxxx xxxx x xxxxxx xxxxxxxx xxx xxxxx xxxxxx xx xxxxxxx xx xxx xxxxx xx xxxxxxxxx xxx xxxx xxxxxx xx xxx xxxxxxx xxxxx xxxx x xxxxxx x
xxxxxxxxx xxx xxxx xxxxxx xx xxx xxxxxxx xxxxx xxxx x xxxxxx xxxxxxxx xxx xxxxx xxxxxx xx xxxxxxx xx xxxxxxxxx xxx xxx
xxxxxxx xxx xxxx xxxxxx xx xxx xxxxxxx xxxxx xxxx x xxxxxx xxxxxxxx xxx xxxxx xxxxxx xx xxxxxxx xxxxxxxxx xxx xxxx xxxxxx xx xxx xxxxxxx xxxxx xxxx x xxx
x xx xxxxxxxxx xxx xxxx xxxxxx xx xxx xxxxxxx xxxxx xxxx x xxxxxx xxxxxxxx xxx xxxxx xxxxxx xx xxxxxxx xxx xx xxxxxxx xxx xxxxx xx xxxxxxxxx xxx xxxx xxxxxx xx xxx xxxxxxx xxxxx
x xx xxxxxxxxx xxx xxxx xxxxxx xx xxx xxxxxxx xxxxx xxxx x xxxxxx xxxxxxxx xxx xxxxx xxxxxx xx xxxxxxx xx
424 House Sitting Serv.
427 Foster Care
xxxxxxx xxx xxxxx xx xxxxxxxxx xxx xxxx xxxxxx xx xxx xxxxxxx xxxxx xxxx x xxxxxx xxxxxxxx xxx xxxxx xxxxxx xx xxxxxxx xxxx xx xxxxxxx xxx xxxxx xx
xxxxxxxxx xxx xxxx xxxxxx xx xxx xxxxxxx xxxxx xxxx x xxxxxx xxxxxxxx xx
429 Garages & Mini Storage
xx xxxxxxx xxx xxxxx xx xxxxxxxxx xxx xxxx xxxxxx xx xxx xxxxxxx xxxxx xxxx x xxxxxx xxxxxxxx xxx xxxxx xxxxxx xx xxxxxxx xxxxxxxxx xxx xxxx
xxxxxx xxx xxxxx xx xxxxxxxxx xxx xxxx xxxxxx xx xxx xxxxxxx xxxxx xxxx x xxxxxx xxxxxxxx xxx xxxxx xxxxxx xx xxxxxxx xxxx xx xxxxxxxxx xxx xxxx xxxxxx xx xxx xxxxxxx xxxxx xxxx x xxxxxx xxxxxxxx
CALL
EARLY!!
We place over 10,000 ads a week and phones get very busy on Tuesdays and Fridays.
591-0900
644-1070
852-3222
Fax Your Ad
953-2232
